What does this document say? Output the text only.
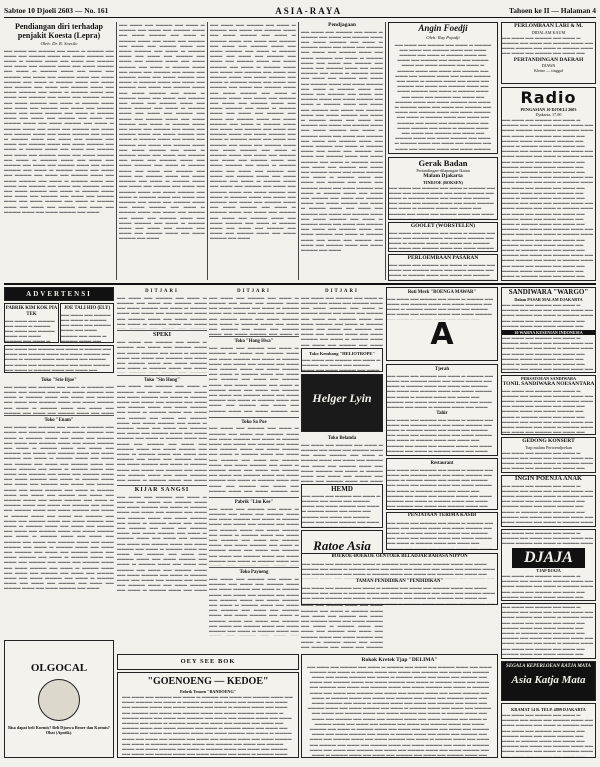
Sabtoe 10 Djoeli 2603 — No. 161	ASIA-RAYA	Tahoen ke II — Halaman 4
Pendiangan diri terhadap penjakit Koesta (Lepra)
Oleh: Dr. R. Soesilo
▬▬ ▬▬▬ ▬▬ ▬▬▬▬ ▬▬ ▬▬▬ ▬ ▬▬▬▬ ▬▬ ▬▬▬ ▬▬ ▬▬▬▬ ▬▬▬ ▬▬ ▬▬▬ ▬▬▬▬ ▬▬ ▬▬▬ ▬ ▬▬▬▬ ▬▬▬ ▬▬ ▬▬▬ ▬▬ ▬▬▬▬ ▬▬ ▬▬▬ ▬▬ ▬▬▬▬ ▬▬▬ ▬▬ ▬▬▬ ▬▬▬▬ ▬▬ ▬▬▬ ▬ ▬▬▬▬ ▬▬▬ ▬▬ ▬▬▬ ▬▬ ▬▬▬▬ ▬▬ ▬▬▬ ▬▬ ▬▬▬▬ ▬▬▬ ▬▬ ▬▬▬ ▬▬▬▬ ▬▬ ▬▬▬ ▬ ▬▬▬▬ ▬▬▬ ▬▬ ▬▬▬ ▬▬ ▬▬▬▬ ▬▬ ▬▬▬ ▬▬ ▬▬▬▬ ▬▬▬ ▬▬ ▬▬▬ ▬▬▬▬ ▬▬ ▬▬▬ ▬ ▬▬▬▬ ▬▬▬ ▬▬ ▬▬▬ ▬▬ ▬▬▬▬ ▬▬ ▬▬▬ ▬▬ ▬▬▬▬ ▬▬▬ ▬▬ ▬▬▬ ▬▬▬▬ ▬▬ ▬▬▬ ▬ ▬▬▬▬ ▬▬▬ ▬▬ ▬▬▬ ▬▬ ▬▬▬▬ ▬▬ ▬▬▬ ▬▬ ▬▬▬▬ ▬▬▬ ▬▬ ▬▬▬ ▬▬▬▬ ▬▬ ▬▬▬ ▬ ▬▬▬▬ ▬▬▬ ▬▬ ▬▬▬ ▬▬ ▬▬▬▬ ▬▬ ▬▬▬ ▬▬ ▬▬▬▬ ▬▬▬ ▬▬ ▬▬▬ ▬▬▬▬ ▬▬ ▬▬▬ ▬ ▬▬▬▬ ▬▬▬ ▬▬ ▬▬▬ ▬▬ ▬▬▬▬ ▬▬ ▬▬▬ ▬▬ ▬▬▬▬ ▬▬▬ ▬▬ ▬▬▬ ▬▬▬▬ ▬▬ ▬▬▬ ▬ ▬▬▬▬ ▬▬▬ ▬▬ ▬▬▬ ▬▬ ▬▬▬▬ ▬▬ ▬▬▬ ▬▬ ▬▬▬▬ ▬▬▬ ▬▬ ▬▬▬ ▬▬▬▬ ▬▬ ▬▬▬ ▬ ▬▬▬▬ ▬▬▬ ▬▬ ▬▬▬ ▬▬ ▬▬▬▬ ▬▬ ▬▬▬ ▬▬ ▬▬▬▬ ▬▬▬ ▬▬ ▬▬▬ ▬▬▬▬ ▬▬ ▬▬▬ ▬ ▬▬▬▬ ▬▬▬ ▬▬ ▬▬▬ ▬▬ ▬▬▬▬ ▬▬ ▬▬▬ ▬▬ ▬▬▬▬ ▬▬▬ ▬▬ ▬▬▬ ▬▬▬▬ ▬▬ ▬▬▬ ▬ ▬▬▬▬ ▬▬▬ ▬▬ ▬▬▬ ▬▬ ▬▬▬▬ ▬▬ ▬▬▬ ▬▬ ▬▬▬▬ ▬▬▬ ▬▬ ▬▬▬ ▬▬▬▬ ▬▬ ▬▬▬ ▬ ▬▬▬▬ ▬▬▬ ▬▬ ▬▬▬ ▬▬ ▬▬▬▬ ▬▬ ▬▬▬ ▬▬ ▬▬▬▬ ▬▬▬ ▬▬ ▬▬▬ ▬▬▬▬ ▬▬ ▬▬▬ ▬ ▬▬▬▬ ▬▬▬ ▬▬ ▬▬▬ ▬▬ ▬▬▬▬ ▬▬ ▬▬▬ ▬▬ ▬▬▬▬ ▬▬▬ ▬▬ ▬▬▬ ▬▬▬▬ ▬▬ ▬▬▬ ▬ ▬▬▬▬ ▬▬▬ ▬▬ ▬▬▬ ▬▬ ▬▬▬▬ ▬▬ ▬▬▬ ▬▬ ▬▬▬▬ ▬▬▬ ▬▬ ▬▬▬ ▬▬▬▬ ▬▬ ▬▬▬
▬▬ ▬▬▬ ▬▬ ▬▬▬▬ ▬▬ ▬▬▬ ▬ ▬▬▬▬ ▬▬ ▬▬▬ ▬▬ ▬▬▬▬ ▬▬▬ ▬▬ ▬▬▬ ▬▬▬▬ ▬▬ ▬▬▬ ▬ ▬▬▬▬ ▬▬▬ ▬▬ ▬▬▬ ▬▬ ▬▬▬▬ ▬▬ ▬▬▬ ▬▬ ▬▬▬▬ ▬▬▬ ▬▬ ▬▬▬ ▬▬▬▬ ▬▬ ▬▬▬ ▬ ▬▬▬▬ ▬▬▬ ▬▬ ▬▬▬ ▬▬ ▬▬▬▬ ▬▬ ▬▬▬ ▬▬ ▬▬▬▬ ▬▬▬ ▬▬ ▬▬▬ ▬▬▬▬ ▬▬ ▬▬▬ ▬ ▬▬▬▬ ▬▬▬ ▬▬ ▬▬▬ ▬▬ ▬▬▬▬ ▬▬ ▬▬▬ ▬▬ ▬▬▬▬ ▬▬▬ ▬▬ ▬▬▬ ▬▬▬▬ ▬▬ ▬▬▬ ▬ ▬▬▬▬ ▬▬▬ ▬▬ ▬▬▬ ▬▬ ▬▬▬▬ ▬▬ ▬▬▬ ▬▬ ▬▬▬▬ ▬▬▬ ▬▬ ▬▬▬ ▬▬▬▬ ▬▬ ▬▬▬ ▬ ▬▬▬▬ ▬▬▬ ▬▬ ▬▬▬ ▬▬ ▬▬▬▬ ▬▬ ▬▬▬ ▬▬ ▬▬▬▬ ▬▬▬ ▬▬ ▬▬▬ ▬▬▬▬ ▬▬ ▬▬▬ ▬ ▬▬▬▬ ▬▬▬ ▬▬ ▬▬▬ ▬▬ ▬▬▬▬ ▬▬ ▬▬▬ ▬▬ ▬▬▬▬ ▬▬▬ ▬▬ ▬▬▬ ▬▬▬▬ ▬▬ ▬▬▬ ▬ ▬▬▬▬ ▬▬▬ ▬▬ ▬▬▬ ▬▬ ▬▬▬▬ ▬▬ ▬▬▬ ▬▬ ▬▬▬▬ ▬▬▬ ▬▬ ▬▬▬ ▬▬▬▬ ▬▬ ▬▬▬ ▬ ▬▬▬▬ ▬▬▬ ▬▬ ▬▬▬ ▬▬ ▬▬▬▬ ▬▬ ▬▬▬ ▬▬ ▬▬▬▬ ▬▬▬ ▬▬ ▬▬▬ ▬▬▬▬ ▬▬ ▬▬▬ ▬ ▬▬▬▬ ▬▬▬ ▬▬ ▬▬▬ ▬▬ ▬▬▬▬ ▬▬ ▬▬▬ ▬▬ ▬▬▬▬ ▬▬▬ ▬▬ ▬▬▬ ▬▬▬▬ ▬▬ ▬▬▬ ▬ ▬▬▬▬ ▬▬▬ ▬▬ ▬▬▬ ▬▬ ▬▬▬▬ ▬▬ ▬▬▬ ▬▬ ▬▬▬▬ ▬▬▬ ▬▬ ▬▬▬ ▬▬▬▬ ▬▬ ▬▬▬ ▬ ▬▬▬▬ ▬▬▬ ▬▬ ▬▬▬ ▬▬ ▬▬▬▬ ▬▬ ▬▬▬ ▬▬ ▬▬▬▬ ▬▬▬ ▬▬ ▬▬▬ ▬▬▬▬ ▬▬ ▬▬▬ ▬ ▬▬▬▬ ▬▬▬ ▬▬ ▬▬▬ ▬▬ ▬▬▬▬ ▬▬ ▬▬▬ ▬▬ ▬▬▬▬ ▬▬▬ ▬▬ ▬▬▬ ▬▬▬▬ ▬▬ ▬▬▬ ▬ ▬▬▬▬ ▬▬▬ ▬▬ ▬▬▬ ▬▬ ▬▬▬▬ ▬▬ ▬▬▬ ▬▬ ▬▬▬▬ ▬▬▬ ▬▬ ▬▬▬ ▬▬▬▬ ▬▬ ▬▬▬ ▬ ▬▬▬▬ ▬▬▬ ▬▬ ▬▬▬ ▬▬ ▬▬▬▬ ▬▬ ▬▬▬ ▬▬ ▬▬▬▬ ▬▬▬ ▬▬ ▬▬▬ ▬▬▬▬ ▬▬ ▬▬▬
▬▬ ▬▬▬ ▬▬ ▬▬▬▬ ▬▬ ▬▬▬ ▬ ▬▬▬▬ ▬▬ ▬▬▬ ▬▬ ▬▬▬▬ ▬▬▬ ▬▬ ▬▬▬ ▬▬▬▬ ▬▬ ▬▬▬ ▬ ▬▬▬▬ ▬▬▬ ▬▬ ▬▬▬ ▬▬ ▬▬▬▬ ▬▬ ▬▬▬ ▬▬ ▬▬▬▬ ▬▬▬ ▬▬ ▬▬▬ ▬▬▬▬ ▬▬ ▬▬▬ ▬ ▬▬▬▬ ▬▬▬ ▬▬ ▬▬▬ ▬▬ ▬▬▬▬ ▬▬ ▬▬▬ ▬▬ ▬▬▬▬ ▬▬▬ ▬▬ ▬▬▬ ▬▬▬▬ ▬▬ ▬▬▬ ▬ ▬▬▬▬ ▬▬▬ ▬▬ ▬▬▬ ▬▬ ▬▬▬▬ ▬▬ ▬▬▬ ▬▬ ▬▬▬▬ ▬▬▬ ▬▬ ▬▬▬ ▬▬▬▬ ▬▬ ▬▬▬ ▬ ▬▬▬▬ ▬▬▬ ▬▬ ▬▬▬ ▬▬ ▬▬▬▬ ▬▬ ▬▬▬ ▬▬ ▬▬▬▬ ▬▬▬ ▬▬ ▬▬▬ ▬▬▬▬ ▬▬ ▬▬▬ ▬ ▬▬▬▬ ▬▬▬ ▬▬ ▬▬▬ ▬▬ ▬▬▬▬ ▬▬ ▬▬▬ ▬▬ ▬▬▬▬ ▬▬▬ ▬▬ ▬▬▬ ▬▬▬▬ ▬▬ ▬▬▬ ▬ ▬▬▬▬ ▬▬▬ ▬▬ ▬▬▬ ▬▬ ▬▬▬▬ ▬▬ ▬▬▬ ▬▬ ▬▬▬▬ ▬▬▬ ▬▬ ▬▬▬ ▬▬▬▬ ▬▬ ▬▬▬ ▬ ▬▬▬▬ ▬▬▬ ▬▬ ▬▬▬ ▬▬ ▬▬▬▬ ▬▬ ▬▬▬ ▬▬ ▬▬▬▬ ▬▬▬ ▬▬ ▬▬▬ ▬▬▬▬ ▬▬ ▬▬▬ ▬ ▬▬▬▬ ▬▬▬ ▬▬ ▬▬▬ ▬▬ ▬▬▬▬ ▬▬ ▬▬▬ ▬▬ ▬▬▬▬ ▬▬▬ ▬▬ ▬▬▬ ▬▬▬▬ ▬▬ ▬▬▬ ▬ ▬▬▬▬ ▬▬▬ ▬▬ ▬▬▬ ▬▬ ▬▬▬▬ ▬▬ ▬▬▬ ▬▬ ▬▬▬▬ ▬▬▬ ▬▬ ▬▬▬ ▬▬▬▬ ▬▬ ▬▬▬ ▬ ▬▬▬▬ ▬▬▬ ▬▬ ▬▬▬ ▬▬ ▬▬▬▬ ▬▬ ▬▬▬ ▬▬ ▬▬▬▬ ▬▬▬ ▬▬ ▬▬▬ ▬▬▬▬ ▬▬ ▬▬▬ ▬ ▬▬▬▬ ▬▬▬ ▬▬ ▬▬▬ ▬▬ ▬▬▬▬ ▬▬ ▬▬▬ ▬▬ ▬▬▬▬ ▬▬▬ ▬▬ ▬▬▬ ▬▬▬▬ ▬▬ ▬▬▬ ▬ ▬▬▬▬ ▬▬▬ ▬▬ ▬▬▬ ▬▬ ▬▬▬▬ ▬▬ ▬▬▬ ▬▬ ▬▬▬▬ ▬▬▬ ▬▬ ▬▬▬ ▬▬▬▬ ▬▬ ▬▬▬ ▬ ▬▬▬▬ ▬▬▬ ▬▬ ▬▬▬ ▬▬ ▬▬▬▬ ▬▬ ▬▬▬ ▬▬ ▬▬▬▬ ▬▬▬ ▬▬ ▬▬▬ ▬▬▬▬ ▬▬ ▬▬▬ ▬ ▬▬▬▬ ▬▬▬ ▬▬ ▬▬▬ ▬▬ ▬▬▬▬ ▬▬ ▬▬▬ ▬▬ ▬▬▬▬ ▬▬▬ ▬▬ ▬▬▬ ▬▬▬▬ ▬▬ ▬▬▬
Pendjagaan
▬▬ ▬▬▬ ▬▬ ▬▬▬▬ ▬▬ ▬▬▬ ▬ ▬▬▬▬ ▬▬ ▬▬▬ ▬▬ ▬▬▬▬ ▬▬▬ ▬▬ ▬▬▬ ▬▬▬▬ ▬▬ ▬▬▬ ▬ ▬▬▬▬ ▬▬▬ ▬▬ ▬▬▬ ▬▬ ▬▬▬▬ ▬▬ ▬▬▬ ▬▬ ▬▬▬▬ ▬▬▬ ▬▬ ▬▬▬ ▬▬▬▬ ▬▬ ▬▬▬ ▬ ▬▬▬▬ ▬▬▬ ▬▬ ▬▬▬ ▬▬ ▬▬▬▬ ▬▬ ▬▬▬ ▬▬ ▬▬▬▬ ▬▬▬ ▬▬ ▬▬▬ ▬▬▬▬ ▬▬ ▬▬▬ ▬ ▬▬▬▬ ▬▬▬ ▬▬ ▬▬▬ ▬▬ ▬▬▬▬ ▬▬ ▬▬▬ ▬▬ ▬▬▬▬ ▬▬▬ ▬▬ ▬▬▬ ▬▬▬▬ ▬▬ ▬▬▬ ▬ ▬▬▬▬ ▬▬▬ ▬▬ ▬▬▬ ▬▬ ▬▬▬▬ ▬▬ ▬▬▬ ▬▬ ▬▬▬▬ ▬▬▬ ▬▬ ▬▬▬ ▬▬▬▬ ▬▬ ▬▬▬ ▬ ▬▬▬▬ ▬▬▬ ▬▬ ▬▬▬ ▬▬ ▬▬▬▬ ▬▬ ▬▬▬ ▬▬ ▬▬▬▬ ▬▬▬ ▬▬ ▬▬▬ ▬▬▬▬ ▬▬ ▬▬▬ ▬ ▬▬▬▬ ▬▬▬ ▬▬ ▬▬▬ ▬▬ ▬▬▬▬ ▬▬ ▬▬▬ ▬▬ ▬▬▬▬ ▬▬▬ ▬▬ ▬▬▬ ▬▬▬▬ ▬▬ ▬▬▬ ▬ ▬▬▬▬ ▬▬▬ ▬▬ ▬▬▬ ▬▬ ▬▬▬▬ ▬▬ ▬▬▬ ▬▬ ▬▬▬▬ ▬▬▬ ▬▬ ▬▬▬ ▬▬▬▬ ▬▬ ▬▬▬ ▬ ▬▬▬▬ ▬▬▬ ▬▬ ▬▬▬ ▬▬ ▬▬▬▬ ▬▬ ▬▬▬ ▬▬ ▬▬▬▬ ▬▬▬ ▬▬ ▬▬▬ ▬▬▬▬ ▬▬ ▬▬▬ ▬ ▬▬▬▬ ▬▬▬ ▬▬ ▬▬▬ ▬▬ ▬▬▬▬ ▬▬ ▬▬▬ ▬▬ ▬▬▬▬ ▬▬▬ ▬▬ ▬▬▬ ▬▬▬▬ ▬▬ ▬▬▬ ▬ ▬▬▬▬ ▬▬▬ ▬▬ ▬▬▬ ▬▬ ▬▬▬▬ ▬▬ ▬▬▬ ▬▬ ▬▬▬▬ ▬▬▬ ▬▬ ▬▬▬ ▬▬▬▬ ▬▬ ▬▬▬ ▬ ▬▬▬▬ ▬▬▬ ▬▬ ▬▬▬ ▬▬ ▬▬▬▬ ▬▬ ▬▬▬ ▬▬ ▬▬▬▬ ▬▬▬ ▬▬ ▬▬▬ ▬▬▬▬ ▬▬ ▬▬▬ ▬ ▬▬▬▬ ▬▬▬ ▬▬ ▬▬▬ ▬▬ ▬▬▬▬ ▬▬ ▬▬▬ ▬▬ ▬▬▬▬ ▬▬▬ ▬▬ ▬▬▬ ▬▬▬▬ ▬▬ ▬▬▬ ▬ ▬▬▬▬ ▬▬▬ ▬▬ ▬▬▬ ▬▬ ▬▬▬▬ ▬▬ ▬▬▬ ▬▬ ▬▬▬▬ ▬▬▬ ▬▬ ▬▬▬ ▬▬▬▬ ▬▬ ▬▬▬ ▬ ▬▬▬▬ ▬▬▬ ▬▬ ▬▬▬ ▬▬ ▬▬▬▬ ▬▬ ▬▬▬ ▬▬ ▬▬▬▬ ▬▬▬ ▬▬ ▬▬▬ ▬▬▬▬ ▬▬ ▬▬▬	Angin Foedji
Oleh: Ray Pojadji
▬▬ ▬▬▬ ▬▬ ▬▬▬▬ ▬▬ ▬▬▬ ▬ ▬▬▬▬ ▬▬ ▬▬▬ ▬▬ ▬▬▬▬ ▬▬▬ ▬▬ ▬▬▬ ▬▬▬▬ ▬▬ ▬▬▬ ▬ ▬▬▬▬ ▬▬▬ ▬▬ ▬▬▬ ▬▬ ▬▬▬▬ ▬▬ ▬▬▬ ▬▬ ▬▬▬▬ ▬▬▬ ▬▬ ▬▬▬ ▬▬▬▬ ▬▬ ▬▬▬ ▬ ▬▬▬▬ ▬▬▬ ▬▬ ▬▬▬ ▬▬ ▬▬▬▬ ▬▬ ▬▬▬ ▬▬ ▬▬▬▬ ▬▬▬ ▬▬ ▬▬▬ ▬▬▬▬ ▬▬ ▬▬▬ ▬ ▬▬▬▬ ▬▬▬ ▬▬ ▬▬▬ ▬▬ ▬▬▬▬ ▬▬ ▬▬▬ ▬▬ ▬▬▬▬ ▬▬▬ ▬▬ ▬▬▬ ▬▬▬▬ ▬▬ ▬▬▬ ▬ ▬▬▬▬ ▬▬▬ ▬▬ ▬▬▬ ▬▬ ▬▬▬▬ ▬▬ ▬▬▬ ▬▬ ▬▬▬▬ ▬▬▬ ▬▬ ▬▬▬ ▬▬▬▬ ▬▬ ▬▬▬ ▬ ▬▬▬▬ ▬▬▬ ▬▬ ▬▬▬ ▬▬ ▬▬▬▬ ▬▬ ▬▬▬ ▬▬ ▬▬▬▬ ▬▬▬ ▬▬ ▬▬▬ ▬▬▬▬ ▬▬ ▬▬▬ ▬ ▬▬▬▬ ▬▬▬ ▬▬ ▬▬▬ ▬▬ ▬▬▬▬ ▬▬ ▬▬▬ ▬▬ ▬▬▬▬ ▬▬▬ ▬▬ ▬▬▬ ▬▬▬▬ ▬▬ ▬▬▬ ▬ ▬▬▬▬ ▬▬▬ ▬▬ ▬▬▬ ▬▬ ▬▬▬▬ ▬▬ ▬▬▬ ▬▬ ▬▬▬▬ ▬▬▬ ▬▬ ▬▬▬ ▬▬▬▬ ▬▬ ▬▬▬ ▬ ▬▬▬▬ ▬▬▬ ▬▬ ▬▬▬ ▬▬ ▬▬▬▬ ▬▬ ▬▬▬ ▬▬ ▬▬▬▬ ▬▬▬ ▬▬ ▬▬▬ ▬▬▬▬ ▬▬ ▬▬▬ ▬ ▬▬▬▬ ▬▬▬ ▬▬ ▬▬▬ ▬▬ ▬▬▬▬ ▬▬ ▬▬▬ ▬▬ ▬▬▬▬ ▬▬▬ ▬▬ ▬▬▬ ▬▬▬▬ ▬▬ ▬▬▬ ▬ ▬▬▬▬ ▬▬▬ ▬▬ ▬▬▬ ▬▬ ▬▬▬▬ ▬▬ ▬▬▬ ▬▬ ▬▬▬▬ ▬▬▬ ▬▬ ▬▬▬ ▬▬▬▬ ▬▬ ▬▬▬ ▬ ▬▬▬▬ ▬▬▬ ▬▬ ▬▬▬ ▬▬ ▬▬▬▬ ▬▬ ▬▬▬ ▬▬ ▬▬▬▬ ▬▬▬ ▬▬ ▬▬▬ ▬▬▬▬ ▬▬ ▬▬▬ ▬ ▬▬▬▬ ▬▬▬ ▬▬ ▬▬▬ ▬▬ ▬▬▬▬ ▬▬ ▬▬▬ ▬▬ ▬▬▬▬ ▬▬▬ ▬▬ ▬▬▬ ▬▬▬▬ ▬▬ ▬▬▬ ▬ ▬▬▬▬ ▬▬▬ ▬▬ ▬▬▬ ▬▬ ▬▬▬▬ ▬▬ ▬▬▬ ▬▬ ▬▬▬▬ ▬▬▬ ▬▬ ▬▬▬ ▬▬▬▬ ▬▬ ▬▬▬ ▬ ▬▬▬▬ ▬▬▬ ▬▬ ▬▬▬ ▬▬ ▬▬▬▬ ▬▬ ▬▬▬ ▬▬ ▬▬▬▬ ▬▬▬ ▬▬ ▬▬▬ ▬▬▬▬ ▬▬ ▬▬▬
Gerak Badan
Pertandingan-dilapangan Ikatan
Malam Djakarta
TINDJOE (BOKSEN)
▬▬ ▬▬▬ ▬▬ ▬▬▬▬ ▬▬ ▬▬▬ ▬ ▬▬▬▬ ▬▬ ▬▬▬ ▬▬ ▬▬▬▬ ▬▬▬ ▬▬ ▬▬▬ ▬▬▬▬ ▬▬ ▬▬▬ ▬ ▬▬▬▬ ▬▬▬ ▬▬ ▬▬▬ ▬▬ ▬▬▬▬ ▬▬ ▬▬▬ ▬▬ ▬▬▬▬ ▬▬▬ ▬▬ ▬▬▬ ▬▬▬▬ ▬▬ ▬▬▬ ▬ ▬▬▬▬ ▬▬▬ ▬▬ ▬▬▬ ▬▬ ▬▬▬▬ ▬▬ ▬▬▬ ▬▬ ▬▬▬▬ ▬▬▬ ▬▬ ▬▬▬ ▬▬▬▬ ▬▬ ▬▬▬ ▬ ▬▬▬▬ ▬▬▬ ▬▬ ▬▬▬ ▬▬ ▬▬▬▬ ▬▬ ▬▬▬ ▬▬ ▬▬▬▬ ▬▬▬ ▬▬ ▬▬▬ ▬▬▬▬ ▬▬ ▬▬▬ ▬ ▬▬▬▬ ▬▬▬ ▬▬ ▬▬▬ ▬▬ ▬▬▬▬ ▬▬ ▬▬▬ ▬▬ ▬▬▬▬ ▬▬▬ ▬▬ ▬▬▬ ▬▬▬▬ ▬▬ ▬▬▬ ▬ ▬▬▬▬ ▬▬▬ ▬▬ ▬▬▬ ▬▬ ▬▬▬▬ ▬▬ ▬▬▬ ▬▬ ▬▬▬▬ ▬▬▬ ▬▬ ▬▬▬ ▬▬▬▬ ▬▬ ▬▬▬ ▬ ▬▬▬▬ ▬▬▬ ▬▬ ▬▬▬ ▬▬ ▬▬▬▬ ▬▬ ▬▬▬ ▬▬ ▬▬▬▬ ▬▬▬ ▬▬ ▬▬▬ ▬▬▬▬ ▬▬ ▬▬▬ ▬ ▬▬▬▬ ▬▬▬ ▬▬ ▬▬▬ ▬▬ ▬▬▬▬ ▬▬ ▬▬▬ ▬▬ ▬▬▬▬ ▬▬▬ ▬▬ ▬▬▬ ▬▬▬▬ ▬▬ ▬▬▬ ▬ ▬▬▬▬ ▬▬▬ ▬▬ ▬▬▬ ▬▬ ▬▬▬▬ ▬▬ ▬▬▬ ▬▬ ▬▬▬▬ ▬▬▬ ▬▬ ▬▬▬ ▬▬▬▬ ▬▬ ▬▬▬ ▬ ▬▬▬▬ ▬▬▬ ▬▬ ▬▬▬ ▬▬ ▬▬▬▬ ▬▬ ▬▬▬ ▬▬ ▬▬▬▬ ▬▬▬ ▬▬ ▬▬▬ ▬▬▬▬ ▬▬ ▬▬▬ ▬ ▬▬▬▬ ▬▬▬ ▬▬ ▬▬▬ ▬▬ ▬▬▬▬ ▬▬ ▬▬▬ ▬▬ ▬▬▬▬ ▬▬▬ ▬▬ ▬▬▬ ▬▬▬▬ ▬▬ ▬▬▬ ▬ ▬▬▬▬ ▬▬▬ ▬▬ ▬▬▬ ▬▬ ▬▬▬▬ ▬▬ ▬▬▬ ▬▬ ▬▬▬▬ ▬▬▬ ▬▬ ▬▬▬ ▬▬▬▬ ▬▬ ▬▬▬ ▬ ▬▬▬▬ ▬▬▬ ▬▬ ▬▬▬ ▬▬ ▬▬▬▬ ▬▬ ▬▬▬ ▬▬ ▬▬▬▬ ▬▬▬ ▬▬ ▬▬▬ ▬▬▬▬ ▬▬ ▬▬▬ ▬ ▬▬▬▬ ▬▬▬ ▬▬ ▬▬▬ ▬▬ ▬▬▬▬ ▬▬ ▬▬▬ ▬▬ ▬▬▬▬ ▬▬▬ ▬▬ ▬▬▬ ▬▬▬▬ ▬▬ ▬▬▬ ▬ ▬▬▬▬ ▬▬▬ ▬▬ ▬▬▬ ▬▬ ▬▬▬▬ ▬▬ ▬▬▬ ▬▬ ▬▬▬▬ ▬▬▬ ▬▬ ▬▬▬ ▬▬▬▬ ▬▬ ▬▬▬
GOOLET (WORSTELEN)
▬▬ ▬▬▬ ▬▬ ▬▬▬▬ ▬▬ ▬▬▬ ▬ ▬▬▬▬ ▬▬ ▬▬▬ ▬▬ ▬▬▬▬ ▬▬▬ ▬▬ ▬▬▬ ▬▬▬▬ ▬▬ ▬▬▬ ▬ ▬▬▬▬ ▬▬▬ ▬▬ ▬▬▬ ▬▬ ▬▬▬▬ ▬▬ ▬▬▬ ▬▬ ▬▬▬▬ ▬▬▬ ▬▬ ▬▬▬ ▬▬▬▬ ▬▬ ▬▬▬ ▬ ▬▬▬▬ ▬▬▬ ▬▬ ▬▬▬ ▬▬ ▬▬▬▬ ▬▬ ▬▬▬ ▬▬ ▬▬▬▬ ▬▬▬ ▬▬ ▬▬▬ ▬▬▬▬ ▬▬ ▬▬▬ ▬ ▬▬▬▬ ▬▬▬ ▬▬ ▬▬▬ ▬▬ ▬▬▬▬ ▬▬ ▬▬▬ ▬▬ ▬▬▬▬ ▬▬▬ ▬▬ ▬▬▬ ▬▬▬▬ ▬▬ ▬▬▬ ▬ ▬▬▬▬ ▬▬▬ ▬▬ ▬▬▬ ▬▬ ▬▬▬▬ ▬▬ ▬▬▬ ▬▬ ▬▬▬▬ ▬▬▬ ▬▬ ▬▬▬ ▬▬▬▬ ▬▬ ▬▬▬ ▬ ▬▬▬▬ ▬▬▬ ▬▬ ▬▬▬ ▬▬ ▬▬▬▬ ▬▬ ▬▬▬ ▬▬ ▬▬▬▬ ▬▬▬ ▬▬ ▬▬▬ ▬▬▬▬ ▬▬ ▬▬▬ ▬ ▬▬▬▬ ▬▬▬ ▬▬ ▬▬▬ ▬▬ ▬▬▬▬ ▬▬ ▬▬▬ ▬▬ ▬▬▬▬ ▬▬▬ ▬▬ ▬▬▬ ▬▬▬▬ ▬▬ ▬▬▬ ▬ ▬▬▬▬ ▬▬▬ ▬▬ ▬▬▬ ▬▬ ▬▬▬▬ ▬▬ ▬▬▬ ▬▬ ▬▬▬▬ ▬▬▬ ▬▬ ▬▬▬ ▬▬▬▬ ▬▬ ▬▬▬ ▬ ▬▬▬▬ ▬▬▬ ▬▬ ▬▬▬ ▬▬ ▬▬▬▬ ▬▬ ▬▬▬ ▬▬ ▬▬▬▬ ▬▬▬ ▬▬ ▬▬▬ ▬▬▬▬ ▬▬ ▬▬▬ ▬ ▬▬▬▬ ▬▬▬ ▬▬ ▬▬▬ ▬▬ ▬▬▬▬ ▬▬ ▬▬▬ ▬▬ ▬▬▬▬ ▬▬▬ ▬▬ ▬▬▬ ▬▬▬▬ ▬▬ ▬▬▬ ▬ ▬▬▬▬ ▬▬▬ ▬▬ ▬▬▬ ▬▬ ▬▬▬▬ ▬▬ ▬▬▬ ▬▬ ▬▬▬▬ ▬▬▬ ▬▬ ▬▬▬ ▬▬▬▬ ▬▬ ▬▬▬ ▬ ▬▬▬▬ ▬▬▬ ▬▬ ▬▬▬ ▬▬ ▬▬▬▬ ▬▬ ▬▬▬ ▬▬ ▬▬▬▬ ▬▬▬ ▬▬ ▬▬▬ ▬▬▬▬ ▬▬ ▬▬▬ ▬ ▬▬▬▬ ▬▬▬ ▬▬ ▬▬▬ ▬▬ ▬▬▬▬ ▬▬ ▬▬▬ ▬▬ ▬▬▬▬ ▬▬▬ ▬▬ ▬▬▬ ▬▬▬▬ ▬▬ ▬▬▬ ▬ ▬▬▬▬ ▬▬▬ ▬▬ ▬▬▬ ▬▬ ▬▬▬▬ ▬▬ ▬▬▬ ▬▬ ▬▬▬▬ ▬▬▬ ▬▬ ▬▬▬ ▬▬▬▬ ▬▬ ▬▬▬ ▬ ▬▬▬▬ ▬▬▬ ▬▬ ▬▬▬ ▬▬ ▬▬▬▬ ▬▬ ▬▬▬ ▬▬ ▬▬▬▬ ▬▬▬ ▬▬ ▬▬▬ ▬▬▬▬ ▬▬ ▬▬▬
PERLOEMBAAN PASARAN
▬▬ ▬▬▬ ▬▬ ▬▬▬▬ ▬▬ ▬▬▬ ▬ ▬▬▬▬ ▬▬ ▬▬▬ ▬▬ ▬▬▬▬ ▬▬▬ ▬▬ ▬▬▬ ▬▬▬▬ ▬▬ ▬▬▬ ▬ ▬▬▬▬ ▬▬▬ ▬▬ ▬▬▬ ▬▬ ▬▬▬▬ ▬▬ ▬▬▬ ▬▬ ▬▬▬▬ ▬▬▬ ▬▬ ▬▬▬ ▬▬▬▬ ▬▬ ▬▬▬ ▬ ▬▬▬▬ ▬▬▬ ▬▬ ▬▬▬ ▬▬ ▬▬▬▬ ▬▬ ▬▬▬ ▬▬ ▬▬▬▬ ▬▬▬ ▬▬ ▬▬▬ ▬▬▬▬ ▬▬ ▬▬▬ ▬ ▬▬▬▬ ▬▬▬ ▬▬ ▬▬▬ ▬▬ ▬▬▬▬ ▬▬ ▬▬▬ ▬▬ ▬▬▬▬ ▬▬▬ ▬▬ ▬▬▬ ▬▬▬▬ ▬▬ ▬▬▬ ▬ ▬▬▬▬ ▬▬▬ ▬▬ ▬▬▬ ▬▬ ▬▬▬▬ ▬▬ ▬▬▬ ▬▬ ▬▬▬▬ ▬▬▬ ▬▬ ▬▬▬ ▬▬▬▬ ▬▬ ▬▬▬ ▬ ▬▬▬▬ ▬▬▬ ▬▬ ▬▬▬ ▬▬ ▬▬▬▬ ▬▬ ▬▬▬ ▬▬ ▬▬▬▬ ▬▬▬ ▬▬ ▬▬▬ ▬▬▬▬ ▬▬ ▬▬▬ ▬ ▬▬▬▬ ▬▬▬ ▬▬ ▬▬▬ ▬▬ ▬▬▬▬ ▬▬ ▬▬▬ ▬▬ ▬▬▬▬ ▬▬▬ ▬▬ ▬▬▬ ▬▬▬▬ ▬▬ ▬▬▬ ▬ ▬▬▬▬ ▬▬▬ ▬▬ ▬▬▬ ▬▬ ▬▬▬▬ ▬▬ ▬▬▬ ▬▬ ▬▬▬▬ ▬▬▬ ▬▬ ▬▬▬ ▬▬▬▬ ▬▬ ▬▬▬ ▬ ▬▬▬▬ ▬▬▬ ▬▬ ▬▬▬ ▬▬ ▬▬▬▬ ▬▬ ▬▬▬ ▬▬ ▬▬▬▬ ▬▬▬ ▬▬ ▬▬▬ ▬▬▬▬ ▬▬ ▬▬▬ ▬ ▬▬▬▬ ▬▬▬ ▬▬ ▬▬▬ ▬▬ ▬▬▬▬ ▬▬ ▬▬▬ ▬▬ ▬▬▬▬ ▬▬▬ ▬▬ ▬▬▬ ▬▬▬▬ ▬▬ ▬▬▬ ▬ ▬▬▬▬ ▬▬▬ ▬▬ ▬▬▬ ▬▬ ▬▬▬▬ ▬▬ ▬▬▬ ▬▬ ▬▬▬▬ ▬▬▬ ▬▬ ▬▬▬ ▬▬▬▬ ▬▬ ▬▬▬ ▬ ▬▬▬▬ ▬▬▬ ▬▬ ▬▬▬ ▬▬ ▬▬▬▬ ▬▬ ▬▬▬ ▬▬ ▬▬▬▬ ▬▬▬ ▬▬ ▬▬▬ ▬▬▬▬ ▬▬ ▬▬▬ ▬ ▬▬▬▬ ▬▬▬ ▬▬ ▬▬▬ ▬▬ ▬▬▬▬ ▬▬ ▬▬▬ ▬▬ ▬▬▬▬ ▬▬▬ ▬▬ ▬▬▬ ▬▬▬▬ ▬▬ ▬▬▬ ▬ ▬▬▬▬ ▬▬▬ ▬▬ ▬▬▬ ▬▬ ▬▬▬▬ ▬▬ ▬▬▬ ▬▬ ▬▬▬▬ ▬▬▬ ▬▬ ▬▬▬ ▬▬▬▬ ▬▬ ▬▬▬ ▬ ▬▬▬▬ ▬▬▬ ▬▬ ▬▬▬ ▬▬ ▬▬▬▬ ▬▬ ▬▬▬ ▬▬ ▬▬▬▬ ▬▬▬ ▬▬ ▬▬▬ ▬▬▬▬ ▬▬ ▬▬▬
PERLOMBAAN LARI & M.
DIDALAM KAUM
▬▬ ▬▬▬ ▬▬ ▬▬▬▬ ▬▬ ▬▬▬ ▬ ▬▬▬▬ ▬▬ ▬▬▬ ▬▬ ▬▬▬▬ ▬▬▬ ▬▬ ▬▬▬ ▬▬▬▬ ▬▬ ▬▬▬ ▬ ▬▬▬▬ ▬▬▬ ▬▬ ▬▬▬ ▬▬ ▬▬▬▬ ▬▬ ▬▬▬ ▬▬ ▬▬▬▬ ▬▬▬ ▬▬ ▬▬▬ ▬▬▬▬ ▬▬ ▬▬▬ ▬ ▬▬▬▬ ▬▬▬ ▬▬ ▬▬▬ ▬▬ ▬▬▬▬ ▬▬ ▬▬▬ ▬▬ ▬▬▬▬ ▬▬▬ ▬▬ ▬▬▬ ▬▬▬▬ ▬▬ ▬▬▬ ▬ ▬▬▬▬ ▬▬▬ ▬▬ ▬▬▬ ▬▬ ▬▬▬▬ ▬▬ ▬▬▬ ▬▬ ▬▬▬▬ ▬▬▬ ▬▬ ▬▬▬ ▬▬▬▬ ▬▬ ▬▬▬ ▬ ▬▬▬▬ ▬▬▬ ▬▬ ▬▬▬ ▬▬ ▬▬▬▬ ▬▬ ▬▬▬ ▬▬ ▬▬▬▬ ▬▬▬ ▬▬ ▬▬▬ ▬▬▬▬ ▬▬ ▬▬▬ ▬ ▬▬▬▬ ▬▬▬ ▬▬ ▬▬▬ ▬▬ ▬▬▬▬ ▬▬ ▬▬▬ ▬▬ ▬▬▬▬ ▬▬▬ ▬▬ ▬▬▬ ▬▬▬▬ ▬▬ ▬▬▬ ▬ ▬▬▬▬ ▬▬▬ ▬▬ ▬▬▬ ▬▬ ▬▬▬▬ ▬▬ ▬▬▬ ▬▬ ▬▬▬▬ ▬▬▬ ▬▬ ▬▬▬ ▬▬▬▬ ▬▬ ▬▬▬ ▬ ▬▬▬▬ ▬▬▬ ▬▬ ▬▬▬ ▬▬ ▬▬▬▬ ▬▬ ▬▬▬ ▬▬ ▬▬▬▬ ▬▬▬ ▬▬ ▬▬▬ ▬▬▬▬ ▬▬ ▬▬▬ ▬ ▬▬▬▬ ▬▬▬ ▬▬ ▬▬▬ ▬▬ ▬▬▬▬ ▬▬ ▬▬▬ ▬▬ ▬▬▬▬ ▬▬▬ ▬▬ ▬▬▬ ▬▬▬▬ ▬▬ ▬▬▬ ▬ ▬▬▬▬ ▬▬▬ ▬▬ ▬▬▬ ▬▬ ▬▬▬▬ ▬▬ ▬▬▬ ▬▬ ▬▬▬▬ ▬▬▬ ▬▬ ▬▬▬ ▬▬▬▬ ▬▬ ▬▬▬ ▬ ▬▬▬▬ ▬▬▬ ▬▬ ▬▬▬ ▬▬ ▬▬▬▬ ▬▬ ▬▬▬ ▬▬ ▬▬▬▬ ▬▬▬ ▬▬ ▬▬▬ ▬▬▬▬ ▬▬ ▬▬▬ ▬ ▬▬▬▬ ▬▬▬ ▬▬ ▬▬▬ ▬▬ ▬▬▬▬ ▬▬ ▬▬▬ ▬▬ ▬▬▬▬ ▬▬▬ ▬▬ ▬▬▬ ▬▬▬▬ ▬▬ ▬▬▬ ▬ ▬▬▬▬ ▬▬▬ ▬▬ ▬▬▬ ▬▬ ▬▬▬▬ ▬▬ ▬▬▬ ▬▬ ▬▬▬▬ ▬▬▬ ▬▬ ▬▬▬ ▬▬▬▬ ▬▬ ▬▬▬ ▬ ▬▬▬▬ ▬▬▬ ▬▬ ▬▬▬ ▬▬ ▬▬▬▬ ▬▬ ▬▬▬ ▬▬ ▬▬▬▬ ▬▬▬ ▬▬ ▬▬▬ ▬▬▬▬ ▬▬ ▬▬▬ ▬ ▬▬▬▬ ▬▬▬ ▬▬ ▬▬▬ ▬▬ ▬▬▬▬ ▬▬ ▬▬▬ ▬▬ ▬▬▬▬ ▬▬▬ ▬▬ ▬▬▬ ▬▬▬▬ ▬▬ ▬▬▬
PERTANDINGAN DAERAH
DJAWA
Kleine — tinggal
Radio
PENGASIAN 10 DJOELI 2603
Djakarta, 17.00
▬▬ ▬▬▬ ▬▬ ▬▬▬▬ ▬▬ ▬▬▬ ▬ ▬▬▬▬ ▬▬ ▬▬▬ ▬▬ ▬▬▬▬ ▬▬▬ ▬▬ ▬▬▬ ▬▬▬▬ ▬▬ ▬▬▬ ▬ ▬▬▬▬ ▬▬▬ ▬▬ ▬▬▬ ▬▬ ▬▬▬▬ ▬▬ ▬▬▬ ▬▬ ▬▬▬▬ ▬▬▬ ▬▬ ▬▬▬ ▬▬▬▬ ▬▬ ▬▬▬ ▬ ▬▬▬▬ ▬▬▬ ▬▬ ▬▬▬ ▬▬ ▬▬▬▬ ▬▬ ▬▬▬ ▬▬ ▬▬▬▬ ▬▬▬ ▬▬ ▬▬▬ ▬▬▬▬ ▬▬ ▬▬▬ ▬ ▬▬▬▬ ▬▬▬ ▬▬ ▬▬▬ ▬▬ ▬▬▬▬ ▬▬ ▬▬▬ ▬▬ ▬▬▬▬ ▬▬▬ ▬▬ ▬▬▬ ▬▬▬▬ ▬▬ ▬▬▬ ▬ ▬▬▬▬ ▬▬▬ ▬▬ ▬▬▬ ▬▬ ▬▬▬▬ ▬▬ ▬▬▬ ▬▬ ▬▬▬▬ ▬▬▬ ▬▬ ▬▬▬ ▬▬▬▬ ▬▬ ▬▬▬ ▬ ▬▬▬▬ ▬▬▬ ▬▬ ▬▬▬ ▬▬ ▬▬▬▬ ▬▬ ▬▬▬ ▬▬ ▬▬▬▬ ▬▬▬ ▬▬ ▬▬▬ ▬▬▬▬ ▬▬ ▬▬▬ ▬ ▬▬▬▬ ▬▬▬ ▬▬ ▬▬▬ ▬▬ ▬▬▬▬ ▬▬ ▬▬▬ ▬▬ ▬▬▬▬ ▬▬▬ ▬▬ ▬▬▬ ▬▬▬▬ ▬▬ ▬▬▬ ▬ ▬▬▬▬ ▬▬▬ ▬▬ ▬▬▬ ▬▬ ▬▬▬▬ ▬▬ ▬▬▬ ▬▬ ▬▬▬▬ ▬▬▬ ▬▬ ▬▬▬ ▬▬▬▬ ▬▬ ▬▬▬ ▬ ▬▬▬▬ ▬▬▬ ▬▬ ▬▬▬ ▬▬ ▬▬▬▬ ▬▬ ▬▬▬ ▬▬ ▬▬▬▬ ▬▬▬ ▬▬ ▬▬▬ ▬▬▬▬ ▬▬ ▬▬▬ ▬ ▬▬▬▬ ▬▬▬ ▬▬ ▬▬▬ ▬▬ ▬▬▬▬ ▬▬ ▬▬▬ ▬▬ ▬▬▬▬ ▬▬▬ ▬▬ ▬▬▬ ▬▬▬▬ ▬▬ ▬▬▬ ▬ ▬▬▬▬ ▬▬▬ ▬▬ ▬▬▬ ▬▬ ▬▬▬▬ ▬▬ ▬▬▬ ▬▬ ▬▬▬▬ ▬▬▬ ▬▬ ▬▬▬ ▬▬▬▬ ▬▬ ▬▬▬ ▬ ▬▬▬▬ ▬▬▬ ▬▬ ▬▬▬ ▬▬ ▬▬▬▬ ▬▬ ▬▬▬ ▬▬ ▬▬▬▬ ▬▬▬ ▬▬ ▬▬▬ ▬▬▬▬ ▬▬ ▬▬▬ ▬ ▬▬▬▬ ▬▬▬ ▬▬ ▬▬▬ ▬▬ ▬▬▬▬ ▬▬ ▬▬▬ ▬▬ ▬▬▬▬ ▬▬▬ ▬▬ ▬▬▬ ▬▬▬▬ ▬▬ ▬▬▬ ▬ ▬▬▬▬ ▬▬▬ ▬▬ ▬▬▬ ▬▬ ▬▬▬▬ ▬▬ ▬▬▬ ▬▬ ▬▬▬▬ ▬▬▬ ▬▬ ▬▬▬ ▬▬▬▬ ▬▬ ▬▬▬ ▬ ▬▬▬▬ ▬▬▬ ▬▬ ▬▬▬ ▬▬ ▬▬▬▬ ▬▬ ▬▬▬ ▬▬ ▬▬▬▬ ▬▬▬ ▬▬ ▬▬▬ ▬▬▬▬ ▬▬ ▬▬▬
ADVERTENSI
PABRIK KIM KOK PIA TEK
▬▬ ▬▬▬ ▬▬ ▬▬▬▬ ▬▬ ▬▬▬ ▬ ▬▬▬▬ ▬▬ ▬▬▬ ▬▬ ▬▬▬▬ ▬▬▬ ▬▬ ▬▬▬ ▬▬▬▬ ▬▬ ▬▬▬ ▬ ▬▬▬▬ ▬▬▬ ▬▬ ▬▬▬ ▬▬ ▬▬▬▬ ▬▬ ▬▬▬ ▬▬ ▬▬▬▬ ▬▬▬ ▬▬ ▬▬▬ ▬▬▬▬ ▬▬ ▬▬▬ ▬ ▬▬▬▬ ▬▬▬ ▬▬ ▬▬▬ ▬▬ ▬▬▬▬ ▬▬ ▬▬▬ ▬▬ ▬▬▬▬ ▬▬▬ ▬▬ ▬▬▬ ▬▬▬▬ ▬▬ ▬▬▬ ▬ ▬▬▬▬ ▬▬▬ ▬▬ ▬▬▬ ▬▬ ▬▬▬▬ ▬▬ ▬▬▬ ▬▬ ▬▬▬▬ ▬▬▬ ▬▬ ▬▬▬ ▬▬▬▬ ▬▬ ▬▬▬ ▬ ▬▬▬▬ ▬▬▬ ▬▬ ▬▬▬ ▬▬ ▬▬▬▬ ▬▬ ▬▬▬ ▬▬ ▬▬▬▬ ▬▬▬ ▬▬ ▬▬▬ ▬▬▬▬ ▬▬ ▬▬▬ ▬ ▬▬▬▬ ▬▬▬ ▬▬ ▬▬▬ ▬▬ ▬▬▬▬ ▬▬ ▬▬▬ ▬▬ ▬▬▬▬ ▬▬▬ ▬▬ ▬▬▬ ▬▬▬▬ ▬▬ ▬▬▬ ▬ ▬▬▬▬ ▬▬▬ ▬▬ ▬▬▬ ▬▬ ▬▬▬▬ ▬▬ ▬▬▬ ▬▬ ▬▬▬▬ ▬▬▬ ▬▬ ▬▬▬ ▬▬▬▬ ▬▬ ▬▬▬ ▬ ▬▬▬▬ ▬▬▬ ▬▬ ▬▬▬ ▬▬ ▬▬▬▬ ▬▬ ▬▬▬ ▬▬ ▬▬▬▬ ▬▬▬ ▬▬ ▬▬▬ ▬▬▬▬ ▬▬ ▬▬▬ ▬ ▬▬▬▬ ▬▬▬ ▬▬ ▬▬▬ ▬▬ ▬▬▬▬ ▬▬ ▬▬▬ ▬▬ ▬▬▬▬ ▬▬▬ ▬▬ ▬▬▬ ▬▬▬▬ ▬▬ ▬▬▬ ▬ ▬▬▬▬ ▬▬▬ ▬▬ ▬▬▬ ▬▬ ▬▬▬▬ ▬▬ ▬▬▬ ▬▬ ▬▬▬▬ ▬▬▬ ▬▬ ▬▬▬ ▬▬▬▬ ▬▬ ▬▬▬ ▬ ▬▬▬▬ ▬▬▬ ▬▬ ▬▬▬ ▬▬ ▬▬▬▬ ▬▬ ▬▬▬ ▬▬ ▬▬▬▬ ▬▬▬ ▬▬ ▬▬▬ ▬▬▬▬ ▬▬ ▬▬▬ ▬ ▬▬▬▬ ▬▬▬ ▬▬ ▬▬▬ ▬▬ ▬▬▬▬ ▬▬ ▬▬▬ ▬▬ ▬▬▬▬ ▬▬▬ ▬▬ ▬▬▬ ▬▬▬▬ ▬▬ ▬▬▬ ▬ ▬▬▬▬ ▬▬▬ ▬▬ ▬▬▬ ▬▬ ▬▬▬▬ ▬▬ ▬▬▬ ▬▬ ▬▬▬▬ ▬▬▬ ▬▬ ▬▬▬ ▬▬▬▬ ▬▬ ▬▬▬ ▬ ▬▬▬▬ ▬▬▬ ▬▬ ▬▬▬ ▬▬ ▬▬▬▬ ▬▬ ▬▬▬ ▬▬ ▬▬▬▬ ▬▬▬ ▬▬ ▬▬▬ ▬▬▬▬ ▬▬ ▬▬▬ ▬ ▬▬▬▬ ▬▬▬ ▬▬ ▬▬▬ ▬▬ ▬▬▬▬ ▬▬ ▬▬▬ ▬▬ ▬▬▬▬ ▬▬▬ ▬▬ ▬▬▬ ▬▬▬▬ ▬▬ ▬▬▬
JOE TALI HIO (ELY)
▬▬ ▬▬▬ ▬▬ ▬▬▬▬ ▬▬ ▬▬▬ ▬ ▬▬▬▬ ▬▬ ▬▬▬ ▬▬ ▬▬▬▬ ▬▬▬ ▬▬ ▬▬▬ ▬▬▬▬ ▬▬ ▬▬▬ ▬ ▬▬▬▬ ▬▬▬ ▬▬ ▬▬▬ ▬▬ ▬▬▬▬ ▬▬ ▬▬▬ ▬▬ ▬▬▬▬ ▬▬▬ ▬▬ ▬▬▬ ▬▬▬▬ ▬▬ ▬▬▬ ▬ ▬▬▬▬ ▬▬▬ ▬▬ ▬▬▬ ▬▬ ▬▬▬▬ ▬▬ ▬▬▬ ▬▬ ▬▬▬▬ ▬▬▬ ▬▬ ▬▬▬ ▬▬▬▬ ▬▬ ▬▬▬ ▬ ▬▬▬▬ ▬▬▬ ▬▬ ▬▬▬ ▬▬ ▬▬▬▬ ▬▬ ▬▬▬ ▬▬ ▬▬▬▬ ▬▬▬ ▬▬ ▬▬▬ ▬▬▬▬ ▬▬ ▬▬▬ ▬ ▬▬▬▬ ▬▬▬ ▬▬ ▬▬▬ ▬▬ ▬▬▬▬ ▬▬ ▬▬▬ ▬▬ ▬▬▬▬ ▬▬▬ ▬▬ ▬▬▬ ▬▬▬▬ ▬▬ ▬▬▬ ▬ ▬▬▬▬ ▬▬▬ ▬▬ ▬▬▬ ▬▬ ▬▬▬▬ ▬▬ ▬▬▬ ▬▬ ▬▬▬▬ ▬▬▬ ▬▬ ▬▬▬ ▬▬▬▬ ▬▬ ▬▬▬ ▬ ▬▬▬▬ ▬▬▬ ▬▬ ▬▬▬ ▬▬ ▬▬▬▬ ▬▬ ▬▬▬ ▬▬ ▬▬▬▬ ▬▬▬ ▬▬ ▬▬▬ ▬▬▬▬ ▬▬ ▬▬▬ ▬ ▬▬▬▬ ▬▬▬ ▬▬ ▬▬▬ ▬▬ ▬▬▬▬ ▬▬ ▬▬▬ ▬▬ ▬▬▬▬ ▬▬▬ ▬▬ ▬▬▬ ▬▬▬▬ ▬▬ ▬▬▬ ▬ ▬▬▬▬ ▬▬▬ ▬▬ ▬▬▬ ▬▬ ▬▬▬▬ ▬▬ ▬▬▬ ▬▬ ▬▬▬▬ ▬▬▬ ▬▬ ▬▬▬ ▬▬▬▬ ▬▬ ▬▬▬ ▬ ▬▬▬▬ ▬▬▬ ▬▬ ▬▬▬ ▬▬ ▬▬▬▬ ▬▬ ▬▬▬ ▬▬ ▬▬▬▬ ▬▬▬ ▬▬ ▬▬▬ ▬▬▬▬ ▬▬ ▬▬▬ ▬ ▬▬▬▬ ▬▬▬ ▬▬ ▬▬▬ ▬▬ ▬▬▬▬ ▬▬ ▬▬▬ ▬▬ ▬▬▬▬ ▬▬▬ ▬▬ ▬▬▬ ▬▬▬▬ ▬▬ ▬▬▬ ▬ ▬▬▬▬ ▬▬▬ ▬▬ ▬▬▬ ▬▬ ▬▬▬▬ ▬▬ ▬▬▬ ▬▬ ▬▬▬▬ ▬▬▬ ▬▬ ▬▬▬ ▬▬▬▬ ▬▬ ▬▬▬ ▬ ▬▬▬▬ ▬▬▬ ▬▬ ▬▬▬ ▬▬ ▬▬▬▬ ▬▬ ▬▬▬ ▬▬ ▬▬▬▬ ▬▬▬ ▬▬ ▬▬▬ ▬▬▬▬ ▬▬ ▬▬▬ ▬ ▬▬▬▬ ▬▬▬ ▬▬ ▬▬▬ ▬▬ ▬▬▬▬ ▬▬ ▬▬▬ ▬▬ ▬▬▬▬ ▬▬▬ ▬▬ ▬▬▬ ▬▬▬▬ ▬▬ ▬▬▬ ▬ ▬▬▬▬ ▬▬▬ ▬▬ ▬▬▬ ▬▬ ▬▬▬▬ ▬▬ ▬▬▬ ▬▬ ▬▬▬▬ ▬▬▬ ▬▬ ▬▬▬ ▬▬▬▬ ▬▬ ▬▬▬
▬▬ ▬▬▬ ▬▬ ▬▬▬▬ ▬▬ ▬▬▬ ▬ ▬▬▬▬ ▬▬ ▬▬▬ ▬▬ ▬▬▬▬ ▬▬▬ ▬▬ ▬▬▬ ▬▬▬▬ ▬▬ ▬▬▬ ▬ ▬▬▬▬ ▬▬▬ ▬▬ ▬▬▬ ▬▬ ▬▬▬▬ ▬▬ ▬▬▬ ▬▬ ▬▬▬▬ ▬▬▬ ▬▬ ▬▬▬ ▬▬▬▬ ▬▬ ▬▬▬ ▬ ▬▬▬▬ ▬▬▬ ▬▬ ▬▬▬ ▬▬ ▬▬▬▬ ▬▬ ▬▬▬ ▬▬ ▬▬▬▬ ▬▬▬ ▬▬ ▬▬▬ ▬▬▬▬ ▬▬ ▬▬▬ ▬ ▬▬▬▬ ▬▬▬ ▬▬ ▬▬▬ ▬▬ ▬▬▬▬ ▬▬ ▬▬▬ ▬▬ ▬▬▬▬ ▬▬▬ ▬▬ ▬▬▬ ▬▬▬▬ ▬▬ ▬▬▬ ▬ ▬▬▬▬ ▬▬▬ ▬▬ ▬▬▬ ▬▬ ▬▬▬▬ ▬▬ ▬▬▬ ▬▬ ▬▬▬▬ ▬▬▬ ▬▬ ▬▬▬ ▬▬▬▬ ▬▬ ▬▬▬ ▬ ▬▬▬▬ ▬▬▬ ▬▬ ▬▬▬ ▬▬ ▬▬▬▬ ▬▬ ▬▬▬ ▬▬ ▬▬▬▬ ▬▬▬ ▬▬ ▬▬▬ ▬▬▬▬ ▬▬ ▬▬▬ ▬ ▬▬▬▬ ▬▬▬ ▬▬ ▬▬▬ ▬▬ ▬▬▬▬ ▬▬ ▬▬▬ ▬▬ ▬▬▬▬ ▬▬▬ ▬▬ ▬▬▬ ▬▬▬▬ ▬▬ ▬▬▬ ▬ ▬▬▬▬ ▬▬▬ ▬▬ ▬▬▬ ▬▬ ▬▬▬▬ ▬▬ ▬▬▬ ▬▬ ▬▬▬▬ ▬▬▬ ▬▬ ▬▬▬ ▬▬▬▬ ▬▬ ▬▬▬ ▬ ▬▬▬▬ ▬▬▬ ▬▬ ▬▬▬ ▬▬ ▬▬▬▬ ▬▬ ▬▬▬ ▬▬ ▬▬▬▬ ▬▬▬ ▬▬ ▬▬▬ ▬▬▬▬ ▬▬ ▬▬▬ ▬ ▬▬▬▬ ▬▬▬ ▬▬ ▬▬▬ ▬▬ ▬▬▬▬ ▬▬ ▬▬▬ ▬▬ ▬▬▬▬ ▬▬▬ ▬▬ ▬▬▬ ▬▬▬▬ ▬▬ ▬▬▬ ▬ ▬▬▬▬ ▬▬▬ ▬▬ ▬▬▬ ▬▬ ▬▬▬▬ ▬▬ ▬▬▬ ▬▬ ▬▬▬▬ ▬▬▬ ▬▬ ▬▬▬ ▬▬▬▬ ▬▬ ▬▬▬ ▬ ▬▬▬▬ ▬▬▬ ▬▬ ▬▬▬ ▬▬ ▬▬▬▬ ▬▬ ▬▬▬ ▬▬ ▬▬▬▬ ▬▬▬ ▬▬ ▬▬▬ ▬▬▬▬ ▬▬ ▬▬▬ ▬ ▬▬▬▬ ▬▬▬ ▬▬ ▬▬▬ ▬▬ ▬▬▬▬ ▬▬ ▬▬▬ ▬▬ ▬▬▬▬ ▬▬▬ ▬▬ ▬▬▬ ▬▬▬▬ ▬▬ ▬▬▬ ▬ ▬▬▬▬ ▬▬▬ ▬▬ ▬▬▬ ▬▬ ▬▬▬▬ ▬▬ ▬▬▬ ▬▬ ▬▬▬▬ ▬▬▬ ▬▬ ▬▬▬ ▬▬▬▬ ▬▬ ▬▬▬ ▬ ▬▬▬▬ ▬▬▬ ▬▬ ▬▬▬ ▬▬ ▬▬▬▬ ▬▬ ▬▬▬ ▬▬ ▬▬▬▬ ▬▬▬ ▬▬ ▬▬▬ ▬▬▬▬ ▬▬ ▬▬▬
Toko "Srie Bjoe"
▬▬ ▬▬▬ ▬▬ ▬▬▬▬ ▬▬ ▬▬▬ ▬ ▬▬▬▬ ▬▬ ▬▬▬ ▬▬ ▬▬▬▬ ▬▬▬ ▬▬ ▬▬▬ ▬▬▬▬ ▬▬ ▬▬▬ ▬ ▬▬▬▬ ▬▬▬ ▬▬ ▬▬▬ ▬▬ ▬▬▬▬ ▬▬ ▬▬▬ ▬▬ ▬▬▬▬ ▬▬▬ ▬▬ ▬▬▬ ▬▬▬▬ ▬▬ ▬▬▬ ▬ ▬▬▬▬ ▬▬▬ ▬▬ ▬▬▬ ▬▬ ▬▬▬▬ ▬▬ ▬▬▬ ▬▬ ▬▬▬▬ ▬▬▬ ▬▬ ▬▬▬ ▬▬▬▬ ▬▬ ▬▬▬ ▬ ▬▬▬▬ ▬▬▬ ▬▬ ▬▬▬ ▬▬ ▬▬▬▬ ▬▬ ▬▬▬ ▬▬ ▬▬▬▬ ▬▬▬ ▬▬ ▬▬▬ ▬▬▬▬ ▬▬ ▬▬▬ ▬ ▬▬▬▬ ▬▬▬ ▬▬ ▬▬▬ ▬▬ ▬▬▬▬ ▬▬ ▬▬▬ ▬▬ ▬▬▬▬ ▬▬▬ ▬▬ ▬▬▬ ▬▬▬▬ ▬▬ ▬▬▬ ▬ ▬▬▬▬ ▬▬▬ ▬▬ ▬▬▬ ▬▬ ▬▬▬▬ ▬▬ ▬▬▬ ▬▬ ▬▬▬▬ ▬▬▬ ▬▬ ▬▬▬ ▬▬▬▬ ▬▬ ▬▬▬ ▬ ▬▬▬▬ ▬▬▬ ▬▬ ▬▬▬ ▬▬ ▬▬▬▬ ▬▬ ▬▬▬ ▬▬ ▬▬▬▬ ▬▬▬ ▬▬ ▬▬▬ ▬▬▬▬ ▬▬ ▬▬▬ ▬ ▬▬▬▬ ▬▬▬ ▬▬ ▬▬▬ ▬▬ ▬▬▬▬ ▬▬ ▬▬▬ ▬▬ ▬▬▬▬ ▬▬▬ ▬▬ ▬▬▬ ▬▬▬▬ ▬▬ ▬▬▬ ▬ ▬▬▬▬ ▬▬▬ ▬▬ ▬▬▬ ▬▬ ▬▬▬▬ ▬▬ ▬▬▬ ▬▬ ▬▬▬▬ ▬▬▬ ▬▬ ▬▬▬ ▬▬▬▬ ▬▬ ▬▬▬ ▬ ▬▬▬▬ ▬▬▬ ▬▬ ▬▬▬ ▬▬ ▬▬▬▬ ▬▬ ▬▬▬ ▬▬ ▬▬▬▬ ▬▬▬ ▬▬ ▬▬▬ ▬▬▬▬ ▬▬ ▬▬▬ ▬ ▬▬▬▬ ▬▬▬ ▬▬ ▬▬▬ ▬▬ ▬▬▬▬ ▬▬ ▬▬▬ ▬▬ ▬▬▬▬ ▬▬▬ ▬▬ ▬▬▬ ▬▬▬▬ ▬▬ ▬▬▬ ▬ ▬▬▬▬ ▬▬▬ ▬▬ ▬▬▬ ▬▬ ▬▬▬▬ ▬▬ ▬▬▬ ▬▬ ▬▬▬▬ ▬▬▬ ▬▬ ▬▬▬ ▬▬▬▬ ▬▬ ▬▬▬ ▬ ▬▬▬▬ ▬▬▬ ▬▬ ▬▬▬ ▬▬ ▬▬▬▬ ▬▬ ▬▬▬ ▬▬ ▬▬▬▬ ▬▬▬ ▬▬ ▬▬▬ ▬▬▬▬ ▬▬ ▬▬▬ ▬ ▬▬▬▬ ▬▬▬ ▬▬ ▬▬▬ ▬▬ ▬▬▬▬ ▬▬ ▬▬▬ ▬▬ ▬▬▬▬ ▬▬▬ ▬▬ ▬▬▬ ▬▬▬▬ ▬▬ ▬▬▬ ▬ ▬▬▬▬ ▬▬▬ ▬▬ ▬▬▬ ▬▬ ▬▬▬▬ ▬▬ ▬▬▬ ▬▬ ▬▬▬▬ ▬▬▬ ▬▬ ▬▬▬ ▬▬▬▬ ▬▬ ▬▬▬
Toko "Enam"
▬▬ ▬▬▬ ▬▬ ▬▬▬▬ ▬▬ ▬▬▬ ▬ ▬▬▬▬ ▬▬ ▬▬▬ ▬▬ ▬▬▬▬ ▬▬▬ ▬▬ ▬▬▬ ▬▬▬▬ ▬▬ ▬▬▬ ▬ ▬▬▬▬ ▬▬▬ ▬▬ ▬▬▬ ▬▬ ▬▬▬▬ ▬▬ ▬▬▬ ▬▬ ▬▬▬▬ ▬▬▬ ▬▬ ▬▬▬ ▬▬▬▬ ▬▬ ▬▬▬ ▬ ▬▬▬▬ ▬▬▬ ▬▬ ▬▬▬ ▬▬ ▬▬▬▬ ▬▬ ▬▬▬ ▬▬ ▬▬▬▬ ▬▬▬ ▬▬ ▬▬▬ ▬▬▬▬ ▬▬ ▬▬▬ ▬ ▬▬▬▬ ▬▬▬ ▬▬ ▬▬▬ ▬▬ ▬▬▬▬ ▬▬ ▬▬▬ ▬▬ ▬▬▬▬ ▬▬▬ ▬▬ ▬▬▬ ▬▬▬▬ ▬▬ ▬▬▬ ▬ ▬▬▬▬ ▬▬▬ ▬▬ ▬▬▬ ▬▬ ▬▬▬▬ ▬▬ ▬▬▬ ▬▬ ▬▬▬▬ ▬▬▬ ▬▬ ▬▬▬ ▬▬▬▬ ▬▬ ▬▬▬ ▬ ▬▬▬▬ ▬▬▬ ▬▬ ▬▬▬ ▬▬ ▬▬▬▬ ▬▬ ▬▬▬ ▬▬ ▬▬▬▬ ▬▬▬ ▬▬ ▬▬▬ ▬▬▬▬ ▬▬ ▬▬▬ ▬ ▬▬▬▬ ▬▬▬ ▬▬ ▬▬▬ ▬▬ ▬▬▬▬ ▬▬ ▬▬▬ ▬▬ ▬▬▬▬ ▬▬▬ ▬▬ ▬▬▬ ▬▬▬▬ ▬▬ ▬▬▬ ▬ ▬▬▬▬ ▬▬▬ ▬▬ ▬▬▬ ▬▬ ▬▬▬▬ ▬▬ ▬▬▬ ▬▬ ▬▬▬▬ ▬▬▬ ▬▬ ▬▬▬ ▬▬▬▬ ▬▬ ▬▬▬ ▬ ▬▬▬▬ ▬▬▬ ▬▬ ▬▬▬ ▬▬ ▬▬▬▬ ▬▬ ▬▬▬ ▬▬ ▬▬▬▬ ▬▬▬ ▬▬ ▬▬▬ ▬▬▬▬ ▬▬ ▬▬▬ ▬ ▬▬▬▬ ▬▬▬ ▬▬ ▬▬▬ ▬▬ ▬▬▬▬ ▬▬ ▬▬▬ ▬▬ ▬▬▬▬ ▬▬▬ ▬▬ ▬▬▬ ▬▬▬▬ ▬▬ ▬▬▬ ▬ ▬▬▬▬ ▬▬▬ ▬▬ ▬▬▬ ▬▬ ▬▬▬▬ ▬▬ ▬▬▬ ▬▬ ▬▬▬▬ ▬▬▬ ▬▬ ▬▬▬ ▬▬▬▬ ▬▬ ▬▬▬ ▬ ▬▬▬▬ ▬▬▬ ▬▬ ▬▬▬ ▬▬ ▬▬▬▬ ▬▬ ▬▬▬ ▬▬ ▬▬▬▬ ▬▬▬ ▬▬ ▬▬▬ ▬▬▬▬ ▬▬ ▬▬▬ ▬ ▬▬▬▬ ▬▬▬ ▬▬ ▬▬▬ ▬▬ ▬▬▬▬ ▬▬ ▬▬▬ ▬▬ ▬▬▬▬ ▬▬▬ ▬▬ ▬▬▬ ▬▬▬▬ ▬▬ ▬▬▬ ▬ ▬▬▬▬ ▬▬▬ ▬▬ ▬▬▬ ▬▬ ▬▬▬▬ ▬▬ ▬▬▬ ▬▬ ▬▬▬▬ ▬▬▬ ▬▬ ▬▬▬ ▬▬▬▬ ▬▬ ▬▬▬ ▬ ▬▬▬▬ ▬▬▬ ▬▬ ▬▬▬ ▬▬ ▬▬▬▬ ▬▬ ▬▬▬ ▬▬ ▬▬▬▬ ▬▬▬ ▬▬ ▬▬▬ ▬▬▬▬ ▬▬ ▬▬▬
OLGOCAL
Bisa dapat beli Koemis? Beli Djoewa Bener dan Koemis? Obat (Apotik).
DITJARI
▬▬ ▬▬▬ ▬▬ ▬▬▬▬ ▬▬ ▬▬▬ ▬ ▬▬▬▬ ▬▬ ▬▬▬ ▬▬ ▬▬▬▬ ▬▬▬ ▬▬ ▬▬▬ ▬▬▬▬ ▬▬ ▬▬▬ ▬ ▬▬▬▬ ▬▬▬ ▬▬ ▬▬▬ ▬▬ ▬▬▬▬ ▬▬ ▬▬▬ ▬▬ ▬▬▬▬ ▬▬▬ ▬▬ ▬▬▬ ▬▬▬▬ ▬▬ ▬▬▬ ▬ ▬▬▬▬ ▬▬▬ ▬▬ ▬▬▬ ▬▬ ▬▬▬▬ ▬▬ ▬▬▬ ▬▬ ▬▬▬▬ ▬▬▬ ▬▬ ▬▬▬ ▬▬▬▬ ▬▬ ▬▬▬ ▬ ▬▬▬▬ ▬▬▬ ▬▬ ▬▬▬ ▬▬ ▬▬▬▬ ▬▬ ▬▬▬ ▬▬ ▬▬▬▬ ▬▬▬ ▬▬ ▬▬▬ ▬▬▬▬ ▬▬ ▬▬▬ ▬ ▬▬▬▬ ▬▬▬ ▬▬ ▬▬▬ ▬▬ ▬▬▬▬ ▬▬ ▬▬▬ ▬▬ ▬▬▬▬ ▬▬▬ ▬▬ ▬▬▬ ▬▬▬▬ ▬▬ ▬▬▬ ▬ ▬▬▬▬ ▬▬▬ ▬▬ ▬▬▬ ▬▬ ▬▬▬▬ ▬▬ ▬▬▬ ▬▬ ▬▬▬▬ ▬▬▬ ▬▬ ▬▬▬ ▬▬▬▬ ▬▬ ▬▬▬ ▬ ▬▬▬▬ ▬▬▬ ▬▬ ▬▬▬ ▬▬ ▬▬▬▬ ▬▬ ▬▬▬ ▬▬ ▬▬▬▬ ▬▬▬ ▬▬ ▬▬▬ ▬▬▬▬ ▬▬ ▬▬▬ ▬ ▬▬▬▬ ▬▬▬ ▬▬ ▬▬▬ ▬▬ ▬▬▬▬ ▬▬ ▬▬▬ ▬▬ ▬▬▬▬ ▬▬▬ ▬▬ ▬▬▬ ▬▬▬▬ ▬▬ ▬▬▬ ▬ ▬▬▬▬ ▬▬▬ ▬▬ ▬▬▬ ▬▬ ▬▬▬▬ ▬▬ ▬▬▬ ▬▬ ▬▬▬▬ ▬▬▬ ▬▬ ▬▬▬ ▬▬▬▬ ▬▬ ▬▬▬ ▬ ▬▬▬▬ ▬▬▬ ▬▬ ▬▬▬ ▬▬ ▬▬▬▬ ▬▬ ▬▬▬ ▬▬ ▬▬▬▬ ▬▬▬ ▬▬ ▬▬▬ ▬▬▬▬ ▬▬ ▬▬▬ ▬ ▬▬▬▬ ▬▬▬ ▬▬ ▬▬▬ ▬▬ ▬▬▬▬ ▬▬ ▬▬▬ ▬▬ ▬▬▬▬ ▬▬▬ ▬▬ ▬▬▬ ▬▬▬▬ ▬▬ ▬▬▬ ▬ ▬▬▬▬ ▬▬▬ ▬▬ ▬▬▬ ▬▬ ▬▬▬▬ ▬▬ ▬▬▬ ▬▬ ▬▬▬▬ ▬▬▬ ▬▬ ▬▬▬ ▬▬▬▬ ▬▬ ▬▬▬ ▬ ▬▬▬▬ ▬▬▬ ▬▬ ▬▬▬ ▬▬ ▬▬▬▬ ▬▬ ▬▬▬ ▬▬ ▬▬▬▬ ▬▬▬ ▬▬ ▬▬▬ ▬▬▬▬ ▬▬ ▬▬▬ ▬ ▬▬▬▬ ▬▬▬ ▬▬ ▬▬▬ ▬▬ ▬▬▬▬ ▬▬ ▬▬▬ ▬▬ ▬▬▬▬ ▬▬▬ ▬▬ ▬▬▬ ▬▬▬▬ ▬▬ ▬▬▬ ▬ ▬▬▬▬ ▬▬▬ ▬▬ ▬▬▬ ▬▬ ▬▬▬▬ ▬▬ ▬▬▬ ▬▬ ▬▬▬▬ ▬▬▬ ▬▬ ▬▬▬ ▬▬▬▬ ▬▬ ▬▬▬
SPEKI
▬▬ ▬▬▬ ▬▬ ▬▬▬▬ ▬▬ ▬▬▬ ▬ ▬▬▬▬ ▬▬ ▬▬▬ ▬▬ ▬▬▬▬ ▬▬▬ ▬▬ ▬▬▬ ▬▬▬▬ ▬▬ ▬▬▬ ▬ ▬▬▬▬ ▬▬▬ ▬▬ ▬▬▬ ▬▬ ▬▬▬▬ ▬▬ ▬▬▬ ▬▬ ▬▬▬▬ ▬▬▬ ▬▬ ▬▬▬ ▬▬▬▬ ▬▬ ▬▬▬ ▬ ▬▬▬▬ ▬▬▬ ▬▬ ▬▬▬ ▬▬ ▬▬▬▬ ▬▬ ▬▬▬ ▬▬ ▬▬▬▬ ▬▬▬ ▬▬ ▬▬▬ ▬▬▬▬ ▬▬ ▬▬▬ ▬ ▬▬▬▬ ▬▬▬ ▬▬ ▬▬▬ ▬▬ ▬▬▬▬ ▬▬ ▬▬▬ ▬▬ ▬▬▬▬ ▬▬▬ ▬▬ ▬▬▬ ▬▬▬▬ ▬▬ ▬▬▬ ▬ ▬▬▬▬ ▬▬▬ ▬▬ ▬▬▬ ▬▬ ▬▬▬▬ ▬▬ ▬▬▬ ▬▬ ▬▬▬▬ ▬▬▬ ▬▬ ▬▬▬ ▬▬▬▬ ▬▬ ▬▬▬ ▬ ▬▬▬▬ ▬▬▬ ▬▬ ▬▬▬ ▬▬ ▬▬▬▬ ▬▬ ▬▬▬ ▬▬ ▬▬▬▬ ▬▬▬ ▬▬ ▬▬▬ ▬▬▬▬ ▬▬ ▬▬▬ ▬ ▬▬▬▬ ▬▬▬ ▬▬ ▬▬▬ ▬▬ ▬▬▬▬ ▬▬ ▬▬▬ ▬▬ ▬▬▬▬ ▬▬▬ ▬▬ ▬▬▬ ▬▬▬▬ ▬▬ ▬▬▬ ▬ ▬▬▬▬ ▬▬▬ ▬▬ ▬▬▬ ▬▬ ▬▬▬▬ ▬▬ ▬▬▬ ▬▬ ▬▬▬▬ ▬▬▬ ▬▬ ▬▬▬ ▬▬▬▬ ▬▬ ▬▬▬ ▬ ▬▬▬▬ ▬▬▬ ▬▬ ▬▬▬ ▬▬ ▬▬▬▬ ▬▬ ▬▬▬ ▬▬ ▬▬▬▬ ▬▬▬ ▬▬ ▬▬▬ ▬▬▬▬ ▬▬ ▬▬▬ ▬ ▬▬▬▬ ▬▬▬ ▬▬ ▬▬▬ ▬▬ ▬▬▬▬ ▬▬ ▬▬▬ ▬▬ ▬▬▬▬ ▬▬▬ ▬▬ ▬▬▬ ▬▬▬▬ ▬▬ ▬▬▬ ▬ ▬▬▬▬ ▬▬▬ ▬▬ ▬▬▬ ▬▬ ▬▬▬▬ ▬▬ ▬▬▬ ▬▬ ▬▬▬▬ ▬▬▬ ▬▬ ▬▬▬ ▬▬▬▬ ▬▬ ▬▬▬ ▬ ▬▬▬▬ ▬▬▬ ▬▬ ▬▬▬ ▬▬ ▬▬▬▬ ▬▬ ▬▬▬ ▬▬ ▬▬▬▬ ▬▬▬ ▬▬ ▬▬▬ ▬▬▬▬ ▬▬ ▬▬▬ ▬ ▬▬▬▬ ▬▬▬ ▬▬ ▬▬▬ ▬▬ ▬▬▬▬ ▬▬ ▬▬▬ ▬▬ ▬▬▬▬ ▬▬▬ ▬▬ ▬▬▬ ▬▬▬▬ ▬▬ ▬▬▬ ▬ ▬▬▬▬ ▬▬▬ ▬▬ ▬▬▬ ▬▬ ▬▬▬▬ ▬▬ ▬▬▬ ▬▬ ▬▬▬▬ ▬▬▬ ▬▬ ▬▬▬ ▬▬▬▬ ▬▬ ▬▬▬ ▬ ▬▬▬▬ ▬▬▬ ▬▬ ▬▬▬ ▬▬ ▬▬▬▬ ▬▬ ▬▬▬ ▬▬ ▬▬▬▬ ▬▬▬ ▬▬ ▬▬▬ ▬▬▬▬ ▬▬ ▬▬▬
Toko "Sin Hong"
▬▬ ▬▬▬ ▬▬ ▬▬▬▬ ▬▬ ▬▬▬ ▬ ▬▬▬▬ ▬▬ ▬▬▬ ▬▬ ▬▬▬▬ ▬▬▬ ▬▬ ▬▬▬ ▬▬▬▬ ▬▬ ▬▬▬ ▬ ▬▬▬▬ ▬▬▬ ▬▬ ▬▬▬ ▬▬ ▬▬▬▬ ▬▬ ▬▬▬ ▬▬ ▬▬▬▬ ▬▬▬ ▬▬ ▬▬▬ ▬▬▬▬ ▬▬ ▬▬▬ ▬ ▬▬▬▬ ▬▬▬ ▬▬ ▬▬▬ ▬▬ ▬▬▬▬ ▬▬ ▬▬▬ ▬▬ ▬▬▬▬ ▬▬▬ ▬▬ ▬▬▬ ▬▬▬▬ ▬▬ ▬▬▬ ▬ ▬▬▬▬ ▬▬▬ ▬▬ ▬▬▬ ▬▬ ▬▬▬▬ ▬▬ ▬▬▬ ▬▬ ▬▬▬▬ ▬▬▬ ▬▬ ▬▬▬ ▬▬▬▬ ▬▬ ▬▬▬ ▬ ▬▬▬▬ ▬▬▬ ▬▬ ▬▬▬ ▬▬ ▬▬▬▬ ▬▬ ▬▬▬ ▬▬ ▬▬▬▬ ▬▬▬ ▬▬ ▬▬▬ ▬▬▬▬ ▬▬ ▬▬▬ ▬ ▬▬▬▬ ▬▬▬ ▬▬ ▬▬▬ ▬▬ ▬▬▬▬ ▬▬ ▬▬▬ ▬▬ ▬▬▬▬ ▬▬▬ ▬▬ ▬▬▬ ▬▬▬▬ ▬▬ ▬▬▬ ▬ ▬▬▬▬ ▬▬▬ ▬▬ ▬▬▬ ▬▬ ▬▬▬▬ ▬▬ ▬▬▬ ▬▬ ▬▬▬▬ ▬▬▬ ▬▬ ▬▬▬ ▬▬▬▬ ▬▬ ▬▬▬ ▬ ▬▬▬▬ ▬▬▬ ▬▬ ▬▬▬ ▬▬ ▬▬▬▬ ▬▬ ▬▬▬ ▬▬ ▬▬▬▬ ▬▬▬ ▬▬ ▬▬▬ ▬▬▬▬ ▬▬ ▬▬▬ ▬ ▬▬▬▬ ▬▬▬ ▬▬ ▬▬▬ ▬▬ ▬▬▬▬ ▬▬ ▬▬▬ ▬▬ ▬▬▬▬ ▬▬▬ ▬▬ ▬▬▬ ▬▬▬▬ ▬▬ ▬▬▬ ▬ ▬▬▬▬ ▬▬▬ ▬▬ ▬▬▬ ▬▬ ▬▬▬▬ ▬▬ ▬▬▬ ▬▬ ▬▬▬▬ ▬▬▬ ▬▬ ▬▬▬ ▬▬▬▬ ▬▬ ▬▬▬ ▬ ▬▬▬▬ ▬▬▬ ▬▬ ▬▬▬ ▬▬ ▬▬▬▬ ▬▬ ▬▬▬ ▬▬ ▬▬▬▬ ▬▬▬ ▬▬ ▬▬▬ ▬▬▬▬ ▬▬ ▬▬▬ ▬ ▬▬▬▬ ▬▬▬ ▬▬ ▬▬▬ ▬▬ ▬▬▬▬ ▬▬ ▬▬▬ ▬▬ ▬▬▬▬ ▬▬▬ ▬▬ ▬▬▬ ▬▬▬▬ ▬▬ ▬▬▬ ▬ ▬▬▬▬ ▬▬▬ ▬▬ ▬▬▬ ▬▬ ▬▬▬▬ ▬▬ ▬▬▬ ▬▬ ▬▬▬▬ ▬▬▬ ▬▬ ▬▬▬ ▬▬▬▬ ▬▬ ▬▬▬ ▬ ▬▬▬▬ ▬▬▬ ▬▬ ▬▬▬ ▬▬ ▬▬▬▬ ▬▬ ▬▬▬ ▬▬ ▬▬▬▬ ▬▬▬ ▬▬ ▬▬▬ ▬▬▬▬ ▬▬ ▬▬▬ ▬ ▬▬▬▬ ▬▬▬ ▬▬ ▬▬▬ ▬▬ ▬▬▬▬ ▬▬ ▬▬▬ ▬▬ ▬▬▬▬ ▬▬▬ ▬▬ ▬▬▬ ▬▬▬▬ ▬▬ ▬▬▬
KIJAR SANGSI
▬▬ ▬▬▬ ▬▬ ▬▬▬▬ ▬▬ ▬▬▬ ▬ ▬▬▬▬ ▬▬ ▬▬▬ ▬▬ ▬▬▬▬ ▬▬▬ ▬▬ ▬▬▬ ▬▬▬▬ ▬▬ ▬▬▬ ▬ ▬▬▬▬ ▬▬▬ ▬▬ ▬▬▬ ▬▬ ▬▬▬▬ ▬▬ ▬▬▬ ▬▬ ▬▬▬▬ ▬▬▬ ▬▬ ▬▬▬ ▬▬▬▬ ▬▬ ▬▬▬ ▬ ▬▬▬▬ ▬▬▬ ▬▬ ▬▬▬ ▬▬ ▬▬▬▬ ▬▬ ▬▬▬ ▬▬ ▬▬▬▬ ▬▬▬ ▬▬ ▬▬▬ ▬▬▬▬ ▬▬ ▬▬▬ ▬ ▬▬▬▬ ▬▬▬ ▬▬ ▬▬▬ ▬▬ ▬▬▬▬ ▬▬ ▬▬▬ ▬▬ ▬▬▬▬ ▬▬▬ ▬▬ ▬▬▬ ▬▬▬▬ ▬▬ ▬▬▬ ▬ ▬▬▬▬ ▬▬▬ ▬▬ ▬▬▬ ▬▬ ▬▬▬▬ ▬▬ ▬▬▬ ▬▬ ▬▬▬▬ ▬▬▬ ▬▬ ▬▬▬ ▬▬▬▬ ▬▬ ▬▬▬ ▬ ▬▬▬▬ ▬▬▬ ▬▬ ▬▬▬ ▬▬ ▬▬▬▬ ▬▬ ▬▬▬ ▬▬ ▬▬▬▬ ▬▬▬ ▬▬ ▬▬▬ ▬▬▬▬ ▬▬ ▬▬▬ ▬ ▬▬▬▬ ▬▬▬ ▬▬ ▬▬▬ ▬▬ ▬▬▬▬ ▬▬ ▬▬▬ ▬▬ ▬▬▬▬ ▬▬▬ ▬▬ ▬▬▬ ▬▬▬▬ ▬▬ ▬▬▬ ▬ ▬▬▬▬ ▬▬▬ ▬▬ ▬▬▬ ▬▬ ▬▬▬▬ ▬▬ ▬▬▬ ▬▬ ▬▬▬▬ ▬▬▬ ▬▬ ▬▬▬ ▬▬▬▬ ▬▬ ▬▬▬ ▬ ▬▬▬▬ ▬▬▬ ▬▬ ▬▬▬ ▬▬ ▬▬▬▬ ▬▬ ▬▬▬ ▬▬ ▬▬▬▬ ▬▬▬ ▬▬ ▬▬▬ ▬▬▬▬ ▬▬ ▬▬▬ ▬ ▬▬▬▬ ▬▬▬ ▬▬ ▬▬▬ ▬▬ ▬▬▬▬ ▬▬ ▬▬▬ ▬▬ ▬▬▬▬ ▬▬▬ ▬▬ ▬▬▬ ▬▬▬▬ ▬▬ ▬▬▬ ▬ ▬▬▬▬ ▬▬▬ ▬▬ ▬▬▬ ▬▬ ▬▬▬▬ ▬▬ ▬▬▬ ▬▬ ▬▬▬▬ ▬▬▬ ▬▬ ▬▬▬ ▬▬▬▬ ▬▬ ▬▬▬ ▬ ▬▬▬▬ ▬▬▬ ▬▬ ▬▬▬ ▬▬ ▬▬▬▬ ▬▬ ▬▬▬ ▬▬ ▬▬▬▬ ▬▬▬ ▬▬ ▬▬▬ ▬▬▬▬ ▬▬ ▬▬▬ ▬ ▬▬▬▬ ▬▬▬ ▬▬ ▬▬▬ ▬▬ ▬▬▬▬ ▬▬ ▬▬▬ ▬▬ ▬▬▬▬ ▬▬▬ ▬▬ ▬▬▬ ▬▬▬▬ ▬▬ ▬▬▬ ▬ ▬▬▬▬ ▬▬▬ ▬▬ ▬▬▬ ▬▬ ▬▬▬▬ ▬▬ ▬▬▬ ▬▬ ▬▬▬▬ ▬▬▬ ▬▬ ▬▬▬ ▬▬▬▬ ▬▬ ▬▬▬ ▬ ▬▬▬▬ ▬▬▬ ▬▬ ▬▬▬ ▬▬ ▬▬▬▬ ▬▬ ▬▬▬ ▬▬ ▬▬▬▬ ▬▬▬ ▬▬ ▬▬▬ ▬▬▬▬ ▬▬ ▬▬▬
DITJARI
▬▬ ▬▬▬ ▬▬ ▬▬▬▬ ▬▬ ▬▬▬ ▬ ▬▬▬▬ ▬▬ ▬▬▬ ▬▬ ▬▬▬▬ ▬▬▬ ▬▬ ▬▬▬ ▬▬▬▬ ▬▬ ▬▬▬ ▬ ▬▬▬▬ ▬▬▬ ▬▬ ▬▬▬ ▬▬ ▬▬▬▬ ▬▬ ▬▬▬ ▬▬ ▬▬▬▬ ▬▬▬ ▬▬ ▬▬▬ ▬▬▬▬ ▬▬ ▬▬▬ ▬ ▬▬▬▬ ▬▬▬ ▬▬ ▬▬▬ ▬▬ ▬▬▬▬ ▬▬ ▬▬▬ ▬▬ ▬▬▬▬ ▬▬▬ ▬▬ ▬▬▬ ▬▬▬▬ ▬▬ ▬▬▬ ▬ ▬▬▬▬ ▬▬▬ ▬▬ ▬▬▬ ▬▬ ▬▬▬▬ ▬▬ ▬▬▬ ▬▬ ▬▬▬▬ ▬▬▬ ▬▬ ▬▬▬ ▬▬▬▬ ▬▬ ▬▬▬ ▬ ▬▬▬▬ ▬▬▬ ▬▬ ▬▬▬ ▬▬ ▬▬▬▬ ▬▬ ▬▬▬ ▬▬ ▬▬▬▬ ▬▬▬ ▬▬ ▬▬▬ ▬▬▬▬ ▬▬ ▬▬▬ ▬ ▬▬▬▬ ▬▬▬ ▬▬ ▬▬▬ ▬▬ ▬▬▬▬ ▬▬ ▬▬▬ ▬▬ ▬▬▬▬ ▬▬▬ ▬▬ ▬▬▬ ▬▬▬▬ ▬▬ ▬▬▬ ▬ ▬▬▬▬ ▬▬▬ ▬▬ ▬▬▬ ▬▬ ▬▬▬▬ ▬▬ ▬▬▬ ▬▬ ▬▬▬▬ ▬▬▬ ▬▬ ▬▬▬ ▬▬▬▬ ▬▬ ▬▬▬ ▬ ▬▬▬▬ ▬▬▬ ▬▬ ▬▬▬ ▬▬ ▬▬▬▬ ▬▬ ▬▬▬ ▬▬ ▬▬▬▬ ▬▬▬ ▬▬ ▬▬▬ ▬▬▬▬ ▬▬ ▬▬▬ ▬ ▬▬▬▬ ▬▬▬ ▬▬ ▬▬▬ ▬▬ ▬▬▬▬ ▬▬ ▬▬▬ ▬▬ ▬▬▬▬ ▬▬▬ ▬▬ ▬▬▬ ▬▬▬▬ ▬▬ ▬▬▬ ▬ ▬▬▬▬ ▬▬▬ ▬▬ ▬▬▬ ▬▬ ▬▬▬▬ ▬▬ ▬▬▬ ▬▬ ▬▬▬▬ ▬▬▬ ▬▬ ▬▬▬ ▬▬▬▬ ▬▬ ▬▬▬ ▬ ▬▬▬▬ ▬▬▬ ▬▬ ▬▬▬ ▬▬ ▬▬▬▬ ▬▬ ▬▬▬ ▬▬ ▬▬▬▬ ▬▬▬ ▬▬ ▬▬▬ ▬▬▬▬ ▬▬ ▬▬▬ ▬ ▬▬▬▬ ▬▬▬ ▬▬ ▬▬▬ ▬▬ ▬▬▬▬ ▬▬ ▬▬▬ ▬▬ ▬▬▬▬ ▬▬▬ ▬▬ ▬▬▬ ▬▬▬▬ ▬▬ ▬▬▬ ▬ ▬▬▬▬ ▬▬▬ ▬▬ ▬▬▬ ▬▬ ▬▬▬▬ ▬▬ ▬▬▬ ▬▬ ▬▬▬▬ ▬▬▬ ▬▬ ▬▬▬ ▬▬▬▬ ▬▬ ▬▬▬ ▬ ▬▬▬▬ ▬▬▬ ▬▬ ▬▬▬ ▬▬ ▬▬▬▬ ▬▬ ▬▬▬ ▬▬ ▬▬▬▬ ▬▬▬ ▬▬ ▬▬▬ ▬▬▬▬ ▬▬ ▬▬▬ ▬ ▬▬▬▬ ▬▬▬ ▬▬ ▬▬▬ ▬▬ ▬▬▬▬ ▬▬ ▬▬▬ ▬▬ ▬▬▬▬ ▬▬▬ ▬▬ ▬▬▬ ▬▬▬▬ ▬▬ ▬▬▬
Toko "Hong Hwa"
▬▬ ▬▬▬ ▬▬ ▬▬▬▬ ▬▬ ▬▬▬ ▬ ▬▬▬▬ ▬▬ ▬▬▬ ▬▬ ▬▬▬▬ ▬▬▬ ▬▬ ▬▬▬ ▬▬▬▬ ▬▬ ▬▬▬ ▬ ▬▬▬▬ ▬▬▬ ▬▬ ▬▬▬ ▬▬ ▬▬▬▬ ▬▬ ▬▬▬ ▬▬ ▬▬▬▬ ▬▬▬ ▬▬ ▬▬▬ ▬▬▬▬ ▬▬ ▬▬▬ ▬ ▬▬▬▬ ▬▬▬ ▬▬ ▬▬▬ ▬▬ ▬▬▬▬ ▬▬ ▬▬▬ ▬▬ ▬▬▬▬ ▬▬▬ ▬▬ ▬▬▬ ▬▬▬▬ ▬▬ ▬▬▬ ▬ ▬▬▬▬ ▬▬▬ ▬▬ ▬▬▬ ▬▬ ▬▬▬▬ ▬▬ ▬▬▬ ▬▬ ▬▬▬▬ ▬▬▬ ▬▬ ▬▬▬ ▬▬▬▬ ▬▬ ▬▬▬ ▬ ▬▬▬▬ ▬▬▬ ▬▬ ▬▬▬ ▬▬ ▬▬▬▬ ▬▬ ▬▬▬ ▬▬ ▬▬▬▬ ▬▬▬ ▬▬ ▬▬▬ ▬▬▬▬ ▬▬ ▬▬▬ ▬ ▬▬▬▬ ▬▬▬ ▬▬ ▬▬▬ ▬▬ ▬▬▬▬ ▬▬ ▬▬▬ ▬▬ ▬▬▬▬ ▬▬▬ ▬▬ ▬▬▬ ▬▬▬▬ ▬▬ ▬▬▬ ▬ ▬▬▬▬ ▬▬▬ ▬▬ ▬▬▬ ▬▬ ▬▬▬▬ ▬▬ ▬▬▬ ▬▬ ▬▬▬▬ ▬▬▬ ▬▬ ▬▬▬ ▬▬▬▬ ▬▬ ▬▬▬ ▬ ▬▬▬▬ ▬▬▬ ▬▬ ▬▬▬ ▬▬ ▬▬▬▬ ▬▬ ▬▬▬ ▬▬ ▬▬▬▬ ▬▬▬ ▬▬ ▬▬▬ ▬▬▬▬ ▬▬ ▬▬▬ ▬ ▬▬▬▬ ▬▬▬ ▬▬ ▬▬▬ ▬▬ ▬▬▬▬ ▬▬ ▬▬▬ ▬▬ ▬▬▬▬ ▬▬▬ ▬▬ ▬▬▬ ▬▬▬▬ ▬▬ ▬▬▬ ▬ ▬▬▬▬ ▬▬▬ ▬▬ ▬▬▬ ▬▬ ▬▬▬▬ ▬▬ ▬▬▬ ▬▬ ▬▬▬▬ ▬▬▬ ▬▬ ▬▬▬ ▬▬▬▬ ▬▬ ▬▬▬ ▬ ▬▬▬▬ ▬▬▬ ▬▬ ▬▬▬ ▬▬ ▬▬▬▬ ▬▬ ▬▬▬ ▬▬ ▬▬▬▬ ▬▬▬ ▬▬ ▬▬▬ ▬▬▬▬ ▬▬ ▬▬▬ ▬ ▬▬▬▬ ▬▬▬ ▬▬ ▬▬▬ ▬▬ ▬▬▬▬ ▬▬ ▬▬▬ ▬▬ ▬▬▬▬ ▬▬▬ ▬▬ ▬▬▬ ▬▬▬▬ ▬▬ ▬▬▬ ▬ ▬▬▬▬ ▬▬▬ ▬▬ ▬▬▬ ▬▬ ▬▬▬▬ ▬▬ ▬▬▬ ▬▬ ▬▬▬▬ ▬▬▬ ▬▬ ▬▬▬ ▬▬▬▬ ▬▬ ▬▬▬ ▬ ▬▬▬▬ ▬▬▬ ▬▬ ▬▬▬ ▬▬ ▬▬▬▬ ▬▬ ▬▬▬ ▬▬ ▬▬▬▬ ▬▬▬ ▬▬ ▬▬▬ ▬▬▬▬ ▬▬ ▬▬▬ ▬ ▬▬▬▬ ▬▬▬ ▬▬ ▬▬▬ ▬▬ ▬▬▬▬ ▬▬ ▬▬▬ ▬▬ ▬▬▬▬ ▬▬▬ ▬▬ ▬▬▬ ▬▬▬▬ ▬▬ ▬▬▬
Toko Sa Poe
▬▬ ▬▬▬ ▬▬ ▬▬▬▬ ▬▬ ▬▬▬ ▬ ▬▬▬▬ ▬▬ ▬▬▬ ▬▬ ▬▬▬▬ ▬▬▬ ▬▬ ▬▬▬ ▬▬▬▬ ▬▬ ▬▬▬ ▬ ▬▬▬▬ ▬▬▬ ▬▬ ▬▬▬ ▬▬ ▬▬▬▬ ▬▬ ▬▬▬ ▬▬ ▬▬▬▬ ▬▬▬ ▬▬ ▬▬▬ ▬▬▬▬ ▬▬ ▬▬▬ ▬ ▬▬▬▬ ▬▬▬ ▬▬ ▬▬▬ ▬▬ ▬▬▬▬ ▬▬ ▬▬▬ ▬▬ ▬▬▬▬ ▬▬▬ ▬▬ ▬▬▬ ▬▬▬▬ ▬▬ ▬▬▬ ▬ ▬▬▬▬ ▬▬▬ ▬▬ ▬▬▬ ▬▬ ▬▬▬▬ ▬▬ ▬▬▬ ▬▬ ▬▬▬▬ ▬▬▬ ▬▬ ▬▬▬ ▬▬▬▬ ▬▬ ▬▬▬ ▬ ▬▬▬▬ ▬▬▬ ▬▬ ▬▬▬ ▬▬ ▬▬▬▬ ▬▬ ▬▬▬ ▬▬ ▬▬▬▬ ▬▬▬ ▬▬ ▬▬▬ ▬▬▬▬ ▬▬ ▬▬▬ ▬ ▬▬▬▬ ▬▬▬ ▬▬ ▬▬▬ ▬▬ ▬▬▬▬ ▬▬ ▬▬▬ ▬▬ ▬▬▬▬ ▬▬▬ ▬▬ ▬▬▬ ▬▬▬▬ ▬▬ ▬▬▬ ▬ ▬▬▬▬ ▬▬▬ ▬▬ ▬▬▬ ▬▬ ▬▬▬▬ ▬▬ ▬▬▬ ▬▬ ▬▬▬▬ ▬▬▬ ▬▬ ▬▬▬ ▬▬▬▬ ▬▬ ▬▬▬ ▬ ▬▬▬▬ ▬▬▬ ▬▬ ▬▬▬ ▬▬ ▬▬▬▬ ▬▬ ▬▬▬ ▬▬ ▬▬▬▬ ▬▬▬ ▬▬ ▬▬▬ ▬▬▬▬ ▬▬ ▬▬▬ ▬ ▬▬▬▬ ▬▬▬ ▬▬ ▬▬▬ ▬▬ ▬▬▬▬ ▬▬ ▬▬▬ ▬▬ ▬▬▬▬ ▬▬▬ ▬▬ ▬▬▬ ▬▬▬▬ ▬▬ ▬▬▬ ▬ ▬▬▬▬ ▬▬▬ ▬▬ ▬▬▬ ▬▬ ▬▬▬▬ ▬▬ ▬▬▬ ▬▬ ▬▬▬▬ ▬▬▬ ▬▬ ▬▬▬ ▬▬▬▬ ▬▬ ▬▬▬ ▬ ▬▬▬▬ ▬▬▬ ▬▬ ▬▬▬ ▬▬ ▬▬▬▬ ▬▬ ▬▬▬ ▬▬ ▬▬▬▬ ▬▬▬ ▬▬ ▬▬▬ ▬▬▬▬ ▬▬ ▬▬▬ ▬ ▬▬▬▬ ▬▬▬ ▬▬ ▬▬▬ ▬▬ ▬▬▬▬ ▬▬ ▬▬▬ ▬▬ ▬▬▬▬ ▬▬▬ ▬▬ ▬▬▬ ▬▬▬▬ ▬▬ ▬▬▬ ▬ ▬▬▬▬ ▬▬▬ ▬▬ ▬▬▬ ▬▬ ▬▬▬▬ ▬▬ ▬▬▬ ▬▬ ▬▬▬▬ ▬▬▬ ▬▬ ▬▬▬ ▬▬▬▬ ▬▬ ▬▬▬ ▬ ▬▬▬▬ ▬▬▬ ▬▬ ▬▬▬ ▬▬ ▬▬▬▬ ▬▬ ▬▬▬ ▬▬ ▬▬▬▬ ▬▬▬ ▬▬ ▬▬▬ ▬▬▬▬ ▬▬ ▬▬▬ ▬ ▬▬▬▬ ▬▬▬ ▬▬ ▬▬▬ ▬▬ ▬▬▬▬ ▬▬ ▬▬▬ ▬▬ ▬▬▬▬ ▬▬▬ ▬▬ ▬▬▬ ▬▬▬▬ ▬▬ ▬▬▬
Pabrik "Lim Kee"
▬▬ ▬▬▬ ▬▬ ▬▬▬▬ ▬▬ ▬▬▬ ▬ ▬▬▬▬ ▬▬ ▬▬▬ ▬▬ ▬▬▬▬ ▬▬▬ ▬▬ ▬▬▬ ▬▬▬▬ ▬▬ ▬▬▬ ▬ ▬▬▬▬ ▬▬▬ ▬▬ ▬▬▬ ▬▬ ▬▬▬▬ ▬▬ ▬▬▬ ▬▬ ▬▬▬▬ ▬▬▬ ▬▬ ▬▬▬ ▬▬▬▬ ▬▬ ▬▬▬ ▬ ▬▬▬▬ ▬▬▬ ▬▬ ▬▬▬ ▬▬ ▬▬▬▬ ▬▬ ▬▬▬ ▬▬ ▬▬▬▬ ▬▬▬ ▬▬ ▬▬▬ ▬▬▬▬ ▬▬ ▬▬▬ ▬ ▬▬▬▬ ▬▬▬ ▬▬ ▬▬▬ ▬▬ ▬▬▬▬ ▬▬ ▬▬▬ ▬▬ ▬▬▬▬ ▬▬▬ ▬▬ ▬▬▬ ▬▬▬▬ ▬▬ ▬▬▬ ▬ ▬▬▬▬ ▬▬▬ ▬▬ ▬▬▬ ▬▬ ▬▬▬▬ ▬▬ ▬▬▬ ▬▬ ▬▬▬▬ ▬▬▬ ▬▬ ▬▬▬ ▬▬▬▬ ▬▬ ▬▬▬ ▬ ▬▬▬▬ ▬▬▬ ▬▬ ▬▬▬ ▬▬ ▬▬▬▬ ▬▬ ▬▬▬ ▬▬ ▬▬▬▬ ▬▬▬ ▬▬ ▬▬▬ ▬▬▬▬ ▬▬ ▬▬▬ ▬ ▬▬▬▬ ▬▬▬ ▬▬ ▬▬▬ ▬▬ ▬▬▬▬ ▬▬ ▬▬▬ ▬▬ ▬▬▬▬ ▬▬▬ ▬▬ ▬▬▬ ▬▬▬▬ ▬▬ ▬▬▬ ▬ ▬▬▬▬ ▬▬▬ ▬▬ ▬▬▬ ▬▬ ▬▬▬▬ ▬▬ ▬▬▬ ▬▬ ▬▬▬▬ ▬▬▬ ▬▬ ▬▬▬ ▬▬▬▬ ▬▬ ▬▬▬ ▬ ▬▬▬▬ ▬▬▬ ▬▬ ▬▬▬ ▬▬ ▬▬▬▬ ▬▬ ▬▬▬ ▬▬ ▬▬▬▬ ▬▬▬ ▬▬ ▬▬▬ ▬▬▬▬ ▬▬ ▬▬▬ ▬ ▬▬▬▬ ▬▬▬ ▬▬ ▬▬▬ ▬▬ ▬▬▬▬ ▬▬ ▬▬▬ ▬▬ ▬▬▬▬ ▬▬▬ ▬▬ ▬▬▬ ▬▬▬▬ ▬▬ ▬▬▬ ▬ ▬▬▬▬ ▬▬▬ ▬▬ ▬▬▬ ▬▬ ▬▬▬▬ ▬▬ ▬▬▬ ▬▬ ▬▬▬▬ ▬▬▬ ▬▬ ▬▬▬ ▬▬▬▬ ▬▬ ▬▬▬ ▬ ▬▬▬▬ ▬▬▬ ▬▬ ▬▬▬ ▬▬ ▬▬▬▬ ▬▬ ▬▬▬ ▬▬ ▬▬▬▬ ▬▬▬ ▬▬ ▬▬▬ ▬▬▬▬ ▬▬ ▬▬▬ ▬ ▬▬▬▬ ▬▬▬ ▬▬ ▬▬▬ ▬▬ ▬▬▬▬ ▬▬ ▬▬▬ ▬▬ ▬▬▬▬ ▬▬▬ ▬▬ ▬▬▬ ▬▬▬▬ ▬▬ ▬▬▬ ▬ ▬▬▬▬ ▬▬▬ ▬▬ ▬▬▬ ▬▬ ▬▬▬▬ ▬▬ ▬▬▬ ▬▬ ▬▬▬▬ ▬▬▬ ▬▬ ▬▬▬ ▬▬▬▬ ▬▬ ▬▬▬ ▬ ▬▬▬▬ ▬▬▬ ▬▬ ▬▬▬ ▬▬ ▬▬▬▬ ▬▬ ▬▬▬ ▬▬ ▬▬▬▬ ▬▬▬ ▬▬ ▬▬▬ ▬▬▬▬ ▬▬ ▬▬▬
Toko Payoeng
▬▬ ▬▬▬ ▬▬ ▬▬▬▬ ▬▬ ▬▬▬ ▬ ▬▬▬▬ ▬▬ ▬▬▬ ▬▬ ▬▬▬▬ ▬▬▬ ▬▬ ▬▬▬ ▬▬▬▬ ▬▬ ▬▬▬ ▬ ▬▬▬▬ ▬▬▬ ▬▬ ▬▬▬ ▬▬ ▬▬▬▬ ▬▬ ▬▬▬ ▬▬ ▬▬▬▬ ▬▬▬ ▬▬ ▬▬▬ ▬▬▬▬ ▬▬ ▬▬▬ ▬ ▬▬▬▬ ▬▬▬ ▬▬ ▬▬▬ ▬▬ ▬▬▬▬ ▬▬ ▬▬▬ ▬▬ ▬▬▬▬ ▬▬▬ ▬▬ ▬▬▬ ▬▬▬▬ ▬▬ ▬▬▬ ▬ ▬▬▬▬ ▬▬▬ ▬▬ ▬▬▬ ▬▬ ▬▬▬▬ ▬▬ ▬▬▬ ▬▬ ▬▬▬▬ ▬▬▬ ▬▬ ▬▬▬ ▬▬▬▬ ▬▬ ▬▬▬ ▬ ▬▬▬▬ ▬▬▬ ▬▬ ▬▬▬ ▬▬ ▬▬▬▬ ▬▬ ▬▬▬ ▬▬ ▬▬▬▬ ▬▬▬ ▬▬ ▬▬▬ ▬▬▬▬ ▬▬ ▬▬▬ ▬ ▬▬▬▬ ▬▬▬ ▬▬ ▬▬▬ ▬▬ ▬▬▬▬ ▬▬ ▬▬▬ ▬▬ ▬▬▬▬ ▬▬▬ ▬▬ ▬▬▬ ▬▬▬▬ ▬▬ ▬▬▬ ▬ ▬▬▬▬ ▬▬▬ ▬▬ ▬▬▬ ▬▬ ▬▬▬▬ ▬▬ ▬▬▬ ▬▬ ▬▬▬▬ ▬▬▬ ▬▬ ▬▬▬ ▬▬▬▬ ▬▬ ▬▬▬ ▬ ▬▬▬▬ ▬▬▬ ▬▬ ▬▬▬ ▬▬ ▬▬▬▬ ▬▬ ▬▬▬ ▬▬ ▬▬▬▬ ▬▬▬ ▬▬ ▬▬▬ ▬▬▬▬ ▬▬ ▬▬▬ ▬ ▬▬▬▬ ▬▬▬ ▬▬ ▬▬▬ ▬▬ ▬▬▬▬ ▬▬ ▬▬▬ ▬▬ ▬▬▬▬ ▬▬▬ ▬▬ ▬▬▬ ▬▬▬▬ ▬▬ ▬▬▬ ▬ ▬▬▬▬ ▬▬▬ ▬▬ ▬▬▬ ▬▬ ▬▬▬▬ ▬▬ ▬▬▬ ▬▬ ▬▬▬▬ ▬▬▬ ▬▬ ▬▬▬ ▬▬▬▬ ▬▬ ▬▬▬ ▬ ▬▬▬▬ ▬▬▬ ▬▬ ▬▬▬ ▬▬ ▬▬▬▬ ▬▬ ▬▬▬ ▬▬ ▬▬▬▬ ▬▬▬ ▬▬ ▬▬▬ ▬▬▬▬ ▬▬ ▬▬▬ ▬ ▬▬▬▬ ▬▬▬ ▬▬ ▬▬▬ ▬▬ ▬▬▬▬ ▬▬ ▬▬▬ ▬▬ ▬▬▬▬ ▬▬▬ ▬▬ ▬▬▬ ▬▬▬▬ ▬▬ ▬▬▬ ▬ ▬▬▬▬ ▬▬▬ ▬▬ ▬▬▬ ▬▬ ▬▬▬▬ ▬▬ ▬▬▬ ▬▬ ▬▬▬▬ ▬▬▬ ▬▬ ▬▬▬ ▬▬▬▬ ▬▬ ▬▬▬ ▬ ▬▬▬▬ ▬▬▬ ▬▬ ▬▬▬ ▬▬ ▬▬▬▬ ▬▬ ▬▬▬ ▬▬ ▬▬▬▬ ▬▬▬ ▬▬ ▬▬▬ ▬▬▬▬ ▬▬ ▬▬▬ ▬ ▬▬▬▬ ▬▬▬ ▬▬ ▬▬▬ ▬▬ ▬▬▬▬ ▬▬ ▬▬▬ ▬▬ ▬▬▬▬ ▬▬▬ ▬▬ ▬▬▬ ▬▬▬▬ ▬▬ ▬▬▬
DITJARI
▬▬ ▬▬▬ ▬▬ ▬▬▬▬ ▬▬ ▬▬▬ ▬ ▬▬▬▬ ▬▬ ▬▬▬ ▬▬ ▬▬▬▬ ▬▬▬ ▬▬ ▬▬▬ ▬▬▬▬ ▬▬ ▬▬▬ ▬ ▬▬▬▬ ▬▬▬ ▬▬ ▬▬▬ ▬▬ ▬▬▬▬ ▬▬ ▬▬▬ ▬▬ ▬▬▬▬ ▬▬▬ ▬▬ ▬▬▬ ▬▬▬▬ ▬▬ ▬▬▬ ▬ ▬▬▬▬ ▬▬▬ ▬▬ ▬▬▬ ▬▬ ▬▬▬▬ ▬▬ ▬▬▬ ▬▬ ▬▬▬▬ ▬▬▬ ▬▬ ▬▬▬ ▬▬▬▬ ▬▬ ▬▬▬ ▬ ▬▬▬▬ ▬▬▬ ▬▬ ▬▬▬ ▬▬ ▬▬▬▬ ▬▬ ▬▬▬ ▬▬ ▬▬▬▬ ▬▬▬ ▬▬ ▬▬▬ ▬▬▬▬ ▬▬ ▬▬▬ ▬ ▬▬▬▬ ▬▬▬ ▬▬ ▬▬▬ ▬▬ ▬▬▬▬ ▬▬ ▬▬▬ ▬▬ ▬▬▬▬ ▬▬▬ ▬▬ ▬▬▬ ▬▬▬▬ ▬▬ ▬▬▬ ▬ ▬▬▬▬ ▬▬▬ ▬▬ ▬▬▬ ▬▬ ▬▬▬▬ ▬▬ ▬▬▬ ▬▬ ▬▬▬▬ ▬▬▬ ▬▬ ▬▬▬ ▬▬▬▬ ▬▬ ▬▬▬ ▬ ▬▬▬▬ ▬▬▬ ▬▬ ▬▬▬ ▬▬ ▬▬▬▬ ▬▬ ▬▬▬ ▬▬ ▬▬▬▬ ▬▬▬ ▬▬ ▬▬▬ ▬▬▬▬ ▬▬ ▬▬▬ ▬ ▬▬▬▬ ▬▬▬ ▬▬ ▬▬▬ ▬▬ ▬▬▬▬ ▬▬ ▬▬▬ ▬▬ ▬▬▬▬ ▬▬▬ ▬▬ ▬▬▬ ▬▬▬▬ ▬▬ ▬▬▬ ▬ ▬▬▬▬ ▬▬▬ ▬▬ ▬▬▬ ▬▬ ▬▬▬▬ ▬▬ ▬▬▬ ▬▬ ▬▬▬▬ ▬▬▬ ▬▬ ▬▬▬ ▬▬▬▬ ▬▬ ▬▬▬ ▬ ▬▬▬▬ ▬▬▬ ▬▬ ▬▬▬ ▬▬ ▬▬▬▬ ▬▬ ▬▬▬ ▬▬ ▬▬▬▬ ▬▬▬ ▬▬ ▬▬▬ ▬▬▬▬ ▬▬ ▬▬▬ ▬ ▬▬▬▬ ▬▬▬ ▬▬ ▬▬▬ ▬▬ ▬▬▬▬ ▬▬ ▬▬▬ ▬▬ ▬▬▬▬ ▬▬▬ ▬▬ ▬▬▬ ▬▬▬▬ ▬▬ ▬▬▬ ▬ ▬▬▬▬ ▬▬▬ ▬▬ ▬▬▬ ▬▬ ▬▬▬▬ ▬▬ ▬▬▬ ▬▬ ▬▬▬▬ ▬▬▬ ▬▬ ▬▬▬ ▬▬▬▬ ▬▬ ▬▬▬ ▬ ▬▬▬▬ ▬▬▬ ▬▬ ▬▬▬ ▬▬ ▬▬▬▬ ▬▬ ▬▬▬ ▬▬ ▬▬▬▬ ▬▬▬ ▬▬ ▬▬▬ ▬▬▬▬ ▬▬ ▬▬▬ ▬ ▬▬▬▬ ▬▬▬ ▬▬ ▬▬▬ ▬▬ ▬▬▬▬ ▬▬ ▬▬▬ ▬▬ ▬▬▬▬ ▬▬▬ ▬▬ ▬▬▬ ▬▬▬▬ ▬▬ ▬▬▬ ▬ ▬▬▬▬ ▬▬▬ ▬▬ ▬▬▬ ▬▬ ▬▬▬▬ ▬▬ ▬▬▬ ▬▬ ▬▬▬▬ ▬▬▬ ▬▬ ▬▬▬ ▬▬▬▬ ▬▬ ▬▬▬
Toko Kembang "HELIOTROPE"
▬▬ ▬▬▬ ▬▬ ▬▬▬▬ ▬▬ ▬▬▬ ▬ ▬▬▬▬ ▬▬ ▬▬▬ ▬▬ ▬▬▬▬ ▬▬▬ ▬▬ ▬▬▬ ▬▬▬▬ ▬▬ ▬▬▬ ▬ ▬▬▬▬ ▬▬▬ ▬▬ ▬▬▬ ▬▬ ▬▬▬▬ ▬▬ ▬▬▬ ▬▬ ▬▬▬▬ ▬▬▬ ▬▬ ▬▬▬ ▬▬▬▬ ▬▬ ▬▬▬ ▬ ▬▬▬▬ ▬▬▬ ▬▬ ▬▬▬ ▬▬ ▬▬▬▬ ▬▬ ▬▬▬ ▬▬ ▬▬▬▬ ▬▬▬ ▬▬ ▬▬▬ ▬▬▬▬ ▬▬ ▬▬▬ ▬ ▬▬▬▬ ▬▬▬ ▬▬ ▬▬▬ ▬▬ ▬▬▬▬ ▬▬ ▬▬▬ ▬▬ ▬▬▬▬ ▬▬▬ ▬▬ ▬▬▬ ▬▬▬▬ ▬▬ ▬▬▬ ▬ ▬▬▬▬ ▬▬▬ ▬▬ ▬▬▬ ▬▬ ▬▬▬▬ ▬▬ ▬▬▬ ▬▬ ▬▬▬▬ ▬▬▬ ▬▬ ▬▬▬ ▬▬▬▬ ▬▬ ▬▬▬ ▬ ▬▬▬▬ ▬▬▬ ▬▬ ▬▬▬ ▬▬ ▬▬▬▬ ▬▬ ▬▬▬ ▬▬ ▬▬▬▬ ▬▬▬ ▬▬ ▬▬▬ ▬▬▬▬ ▬▬ ▬▬▬ ▬ ▬▬▬▬ ▬▬▬ ▬▬ ▬▬▬ ▬▬ ▬▬▬▬ ▬▬ ▬▬▬ ▬▬ ▬▬▬▬ ▬▬▬ ▬▬ ▬▬▬ ▬▬▬▬ ▬▬ ▬▬▬ ▬ ▬▬▬▬ ▬▬▬ ▬▬ ▬▬▬ ▬▬ ▬▬▬▬ ▬▬ ▬▬▬ ▬▬ ▬▬▬▬ ▬▬▬ ▬▬ ▬▬▬ ▬▬▬▬ ▬▬ ▬▬▬ ▬ ▬▬▬▬ ▬▬▬ ▬▬ ▬▬▬ ▬▬ ▬▬▬▬ ▬▬ ▬▬▬ ▬▬ ▬▬▬▬ ▬▬▬ ▬▬ ▬▬▬ ▬▬▬▬ ▬▬ ▬▬▬ ▬ ▬▬▬▬ ▬▬▬ ▬▬ ▬▬▬ ▬▬ ▬▬▬▬ ▬▬ ▬▬▬ ▬▬ ▬▬▬▬ ▬▬▬ ▬▬ ▬▬▬ ▬▬▬▬ ▬▬ ▬▬▬ ▬ ▬▬▬▬ ▬▬▬ ▬▬ ▬▬▬ ▬▬ ▬▬▬▬ ▬▬ ▬▬▬ ▬▬ ▬▬▬▬ ▬▬▬ ▬▬ ▬▬▬ ▬▬▬▬ ▬▬ ▬▬▬ ▬ ▬▬▬▬ ▬▬▬ ▬▬ ▬▬▬ ▬▬ ▬▬▬▬ ▬▬ ▬▬▬ ▬▬ ▬▬▬▬ ▬▬▬ ▬▬ ▬▬▬ ▬▬▬▬ ▬▬ ▬▬▬ ▬ ▬▬▬▬ ▬▬▬ ▬▬ ▬▬▬ ▬▬ ▬▬▬▬ ▬▬ ▬▬▬ ▬▬ ▬▬▬▬ ▬▬▬ ▬▬ ▬▬▬ ▬▬▬▬ ▬▬ ▬▬▬ ▬ ▬▬▬▬ ▬▬▬ ▬▬ ▬▬▬ ▬▬ ▬▬▬▬ ▬▬ ▬▬▬ ▬▬ ▬▬▬▬ ▬▬▬ ▬▬ ▬▬▬ ▬▬▬▬ ▬▬ ▬▬▬ ▬ ▬▬▬▬ ▬▬▬ ▬▬ ▬▬▬ ▬▬ ▬▬▬▬ ▬▬ ▬▬▬ ▬▬ ▬▬▬▬ ▬▬▬ ▬▬ ▬▬▬ ▬▬▬▬ ▬▬ ▬▬▬
Helger Lyin
Toko Belanda
▬▬ ▬▬▬ ▬▬ ▬▬▬▬ ▬▬ ▬▬▬ ▬ ▬▬▬▬ ▬▬ ▬▬▬ ▬▬ ▬▬▬▬ ▬▬▬ ▬▬ ▬▬▬ ▬▬▬▬ ▬▬ ▬▬▬ ▬ ▬▬▬▬ ▬▬▬ ▬▬ ▬▬▬ ▬▬ ▬▬▬▬ ▬▬ ▬▬▬ ▬▬ ▬▬▬▬ ▬▬▬ ▬▬ ▬▬▬ ▬▬▬▬ ▬▬ ▬▬▬ ▬ ▬▬▬▬ ▬▬▬ ▬▬ ▬▬▬ ▬▬ ▬▬▬▬ ▬▬ ▬▬▬ ▬▬ ▬▬▬▬ ▬▬▬ ▬▬ ▬▬▬ ▬▬▬▬ ▬▬ ▬▬▬ ▬ ▬▬▬▬ ▬▬▬ ▬▬ ▬▬▬ ▬▬ ▬▬▬▬ ▬▬ ▬▬▬ ▬▬ ▬▬▬▬ ▬▬▬ ▬▬ ▬▬▬ ▬▬▬▬ ▬▬ ▬▬▬ ▬ ▬▬▬▬ ▬▬▬ ▬▬ ▬▬▬ ▬▬ ▬▬▬▬ ▬▬ ▬▬▬ ▬▬ ▬▬▬▬ ▬▬▬ ▬▬ ▬▬▬ ▬▬▬▬ ▬▬ ▬▬▬ ▬ ▬▬▬▬ ▬▬▬ ▬▬ ▬▬▬ ▬▬ ▬▬▬▬ ▬▬ ▬▬▬ ▬▬ ▬▬▬▬ ▬▬▬ ▬▬ ▬▬▬ ▬▬▬▬ ▬▬ ▬▬▬ ▬ ▬▬▬▬ ▬▬▬ ▬▬ ▬▬▬ ▬▬ ▬▬▬▬ ▬▬ ▬▬▬ ▬▬ ▬▬▬▬ ▬▬▬ ▬▬ ▬▬▬ ▬▬▬▬ ▬▬ ▬▬▬ ▬ ▬▬▬▬ ▬▬▬ ▬▬ ▬▬▬ ▬▬ ▬▬▬▬ ▬▬ ▬▬▬ ▬▬ ▬▬▬▬ ▬▬▬ ▬▬ ▬▬▬ ▬▬▬▬ ▬▬ ▬▬▬ ▬ ▬▬▬▬ ▬▬▬ ▬▬ ▬▬▬ ▬▬ ▬▬▬▬ ▬▬ ▬▬▬ ▬▬ ▬▬▬▬ ▬▬▬ ▬▬ ▬▬▬ ▬▬▬▬ ▬▬ ▬▬▬ ▬ ▬▬▬▬ ▬▬▬ ▬▬ ▬▬▬ ▬▬ ▬▬▬▬ ▬▬ ▬▬▬ ▬▬ ▬▬▬▬ ▬▬▬ ▬▬ ▬▬▬ ▬▬▬▬ ▬▬ ▬▬▬ ▬ ▬▬▬▬ ▬▬▬ ▬▬ ▬▬▬ ▬▬ ▬▬▬▬ ▬▬ ▬▬▬ ▬▬ ▬▬▬▬ ▬▬▬ ▬▬ ▬▬▬ ▬▬▬▬ ▬▬ ▬▬▬ ▬ ▬▬▬▬ ▬▬▬ ▬▬ ▬▬▬ ▬▬ ▬▬▬▬ ▬▬ ▬▬▬ ▬▬ ▬▬▬▬ ▬▬▬ ▬▬ ▬▬▬ ▬▬▬▬ ▬▬ ▬▬▬ ▬ ▬▬▬▬ ▬▬▬ ▬▬ ▬▬▬ ▬▬ ▬▬▬▬ ▬▬ ▬▬▬ ▬▬ ▬▬▬▬ ▬▬▬ ▬▬ ▬▬▬ ▬▬▬▬ ▬▬ ▬▬▬ ▬ ▬▬▬▬ ▬▬▬ ▬▬ ▬▬▬ ▬▬ ▬▬▬▬ ▬▬ ▬▬▬ ▬▬ ▬▬▬▬ ▬▬▬ ▬▬ ▬▬▬ ▬▬▬▬ ▬▬ ▬▬▬ ▬ ▬▬▬▬ ▬▬▬ ▬▬ ▬▬▬ ▬▬ ▬▬▬▬ ▬▬ ▬▬▬ ▬▬ ▬▬▬▬ ▬▬▬ ▬▬ ▬▬▬ ▬▬▬▬ ▬▬ ▬▬▬
HEMD
▬▬ ▬▬▬ ▬▬ ▬▬▬▬ ▬▬ ▬▬▬ ▬ ▬▬▬▬ ▬▬ ▬▬▬ ▬▬ ▬▬▬▬ ▬▬▬ ▬▬ ▬▬▬ ▬▬▬▬ ▬▬ ▬▬▬ ▬ ▬▬▬▬ ▬▬▬ ▬▬ ▬▬▬ ▬▬ ▬▬▬▬ ▬▬ ▬▬▬ ▬▬ ▬▬▬▬ ▬▬▬ ▬▬ ▬▬▬ ▬▬▬▬ ▬▬ ▬▬▬ ▬ ▬▬▬▬ ▬▬▬ ▬▬ ▬▬▬ ▬▬ ▬▬▬▬ ▬▬ ▬▬▬ ▬▬ ▬▬▬▬ ▬▬▬ ▬▬ ▬▬▬ ▬▬▬▬ ▬▬ ▬▬▬ ▬ ▬▬▬▬ ▬▬▬ ▬▬ ▬▬▬ ▬▬ ▬▬▬▬ ▬▬ ▬▬▬ ▬▬ ▬▬▬▬ ▬▬▬ ▬▬ ▬▬▬ ▬▬▬▬ ▬▬ ▬▬▬ ▬ ▬▬▬▬ ▬▬▬ ▬▬ ▬▬▬ ▬▬ ▬▬▬▬ ▬▬ ▬▬▬ ▬▬ ▬▬▬▬ ▬▬▬ ▬▬ ▬▬▬ ▬▬▬▬ ▬▬ ▬▬▬ ▬ ▬▬▬▬ ▬▬▬ ▬▬ ▬▬▬ ▬▬ ▬▬▬▬ ▬▬ ▬▬▬ ▬▬ ▬▬▬▬ ▬▬▬ ▬▬ ▬▬▬ ▬▬▬▬ ▬▬ ▬▬▬ ▬ ▬▬▬▬ ▬▬▬ ▬▬ ▬▬▬ ▬▬ ▬▬▬▬ ▬▬ ▬▬▬ ▬▬ ▬▬▬▬ ▬▬▬ ▬▬ ▬▬▬ ▬▬▬▬ ▬▬ ▬▬▬ ▬ ▬▬▬▬ ▬▬▬ ▬▬ ▬▬▬ ▬▬ ▬▬▬▬ ▬▬ ▬▬▬ ▬▬ ▬▬▬▬ ▬▬▬ ▬▬ ▬▬▬ ▬▬▬▬ ▬▬ ▬▬▬ ▬ ▬▬▬▬ ▬▬▬ ▬▬ ▬▬▬ ▬▬ ▬▬▬▬ ▬▬ ▬▬▬ ▬▬ ▬▬▬▬ ▬▬▬ ▬▬ ▬▬▬ ▬▬▬▬ ▬▬ ▬▬▬ ▬ ▬▬▬▬ ▬▬▬ ▬▬ ▬▬▬ ▬▬ ▬▬▬▬ ▬▬ ▬▬▬ ▬▬ ▬▬▬▬ ▬▬▬ ▬▬ ▬▬▬ ▬▬▬▬ ▬▬ ▬▬▬ ▬ ▬▬▬▬ ▬▬▬ ▬▬ ▬▬▬ ▬▬ ▬▬▬▬ ▬▬ ▬▬▬ ▬▬ ▬▬▬▬ ▬▬▬ ▬▬ ▬▬▬ ▬▬▬▬ ▬▬ ▬▬▬ ▬ ▬▬▬▬ ▬▬▬ ▬▬ ▬▬▬ ▬▬ ▬▬▬▬ ▬▬ ▬▬▬ ▬▬ ▬▬▬▬ ▬▬▬ ▬▬ ▬▬▬ ▬▬▬▬ ▬▬ ▬▬▬ ▬ ▬▬▬▬ ▬▬▬ ▬▬ ▬▬▬ ▬▬ ▬▬▬▬ ▬▬ ▬▬▬ ▬▬ ▬▬▬▬ ▬▬▬ ▬▬ ▬▬▬ ▬▬▬▬ ▬▬ ▬▬▬ ▬ ▬▬▬▬ ▬▬▬ ▬▬ ▬▬▬ ▬▬ ▬▬▬▬ ▬▬ ▬▬▬ ▬▬ ▬▬▬▬ ▬▬▬ ▬▬ ▬▬▬ ▬▬▬▬ ▬▬ ▬▬▬ ▬ ▬▬▬▬ ▬▬▬ ▬▬ ▬▬▬ ▬▬ ▬▬▬▬ ▬▬ ▬▬▬ ▬▬ ▬▬▬▬ ▬▬▬ ▬▬ ▬▬▬ ▬▬▬▬ ▬▬ ▬▬▬
Ratoe Asia
▬▬ ▬▬▬ ▬▬ ▬▬▬▬ ▬▬ ▬▬▬ ▬ ▬▬▬▬ ▬▬ ▬▬▬ ▬▬ ▬▬▬▬ ▬▬▬ ▬▬ ▬▬▬ ▬▬▬▬ ▬▬ ▬▬▬ ▬ ▬▬▬▬ ▬▬▬ ▬▬ ▬▬▬ ▬▬ ▬▬▬▬ ▬▬ ▬▬▬ ▬▬ ▬▬▬▬ ▬▬▬ ▬▬ ▬▬▬ ▬▬▬▬ ▬▬ ▬▬▬ ▬ ▬▬▬▬ ▬▬▬ ▬▬ ▬▬▬ ▬▬ ▬▬▬▬ ▬▬ ▬▬▬ ▬▬ ▬▬▬▬ ▬▬▬ ▬▬ ▬▬▬ ▬▬▬▬ ▬▬ ▬▬▬ ▬ ▬▬▬▬ ▬▬▬ ▬▬ ▬▬▬ ▬▬ ▬▬▬▬ ▬▬ ▬▬▬ ▬▬ ▬▬▬▬ ▬▬▬ ▬▬ ▬▬▬ ▬▬▬▬ ▬▬ ▬▬▬ ▬ ▬▬▬▬ ▬▬▬ ▬▬ ▬▬▬ ▬▬ ▬▬▬▬ ▬▬ ▬▬▬ ▬▬ ▬▬▬▬ ▬▬▬ ▬▬ ▬▬▬ ▬▬▬▬ ▬▬ ▬▬▬ ▬ ▬▬▬▬ ▬▬▬ ▬▬ ▬▬▬ ▬▬ ▬▬▬▬ ▬▬ ▬▬▬ ▬▬ ▬▬▬▬ ▬▬▬ ▬▬ ▬▬▬ ▬▬▬▬ ▬▬ ▬▬▬ ▬ ▬▬▬▬ ▬▬▬ ▬▬ ▬▬▬ ▬▬ ▬▬▬▬ ▬▬ ▬▬▬ ▬▬ ▬▬▬▬ ▬▬▬ ▬▬ ▬▬▬ ▬▬▬▬ ▬▬ ▬▬▬ ▬ ▬▬▬▬ ▬▬▬ ▬▬ ▬▬▬ ▬▬ ▬▬▬▬ ▬▬ ▬▬▬ ▬▬ ▬▬▬▬ ▬▬▬ ▬▬ ▬▬▬ ▬▬▬▬ ▬▬ ▬▬▬ ▬ ▬▬▬▬ ▬▬▬ ▬▬ ▬▬▬ ▬▬ ▬▬▬▬ ▬▬ ▬▬▬ ▬▬ ▬▬▬▬ ▬▬▬ ▬▬ ▬▬▬ ▬▬▬▬ ▬▬ ▬▬▬ ▬ ▬▬▬▬ ▬▬▬ ▬▬ ▬▬▬ ▬▬ ▬▬▬▬ ▬▬ ▬▬▬ ▬▬ ▬▬▬▬ ▬▬▬ ▬▬ ▬▬▬ ▬▬▬▬ ▬▬ ▬▬▬ ▬ ▬▬▬▬ ▬▬▬ ▬▬ ▬▬▬ ▬▬ ▬▬▬▬ ▬▬ ▬▬▬ ▬▬ ▬▬▬▬ ▬▬▬ ▬▬ ▬▬▬ ▬▬▬▬ ▬▬ ▬▬▬ ▬ ▬▬▬▬ ▬▬▬ ▬▬ ▬▬▬ ▬▬ ▬▬▬▬ ▬▬ ▬▬▬ ▬▬ ▬▬▬▬ ▬▬▬ ▬▬ ▬▬▬ ▬▬▬▬ ▬▬ ▬▬▬ ▬ ▬▬▬▬ ▬▬▬ ▬▬ ▬▬▬ ▬▬ ▬▬▬▬ ▬▬ ▬▬▬ ▬▬ ▬▬▬▬ ▬▬▬ ▬▬ ▬▬▬ ▬▬▬▬ ▬▬ ▬▬▬ ▬ ▬▬▬▬ ▬▬▬ ▬▬ ▬▬▬ ▬▬ ▬▬▬▬ ▬▬ ▬▬▬ ▬▬ ▬▬▬▬ ▬▬▬ ▬▬ ▬▬▬ ▬▬▬▬ ▬▬ ▬▬▬ ▬ ▬▬▬▬ ▬▬▬ ▬▬ ▬▬▬ ▬▬ ▬▬▬▬ ▬▬ ▬▬▬ ▬▬ ▬▬▬▬ ▬▬▬ ▬▬ ▬▬▬ ▬▬▬▬ ▬▬ ▬▬▬
Roti Merk "BOENGA MAWAR"
▬▬ ▬▬▬ ▬▬ ▬▬▬▬ ▬▬ ▬▬▬ ▬ ▬▬▬▬ ▬▬ ▬▬▬ ▬▬ ▬▬▬▬ ▬▬▬ ▬▬ ▬▬▬ ▬▬▬▬ ▬▬ ▬▬▬ ▬ ▬▬▬▬ ▬▬▬ ▬▬ ▬▬▬ ▬▬ ▬▬▬▬ ▬▬ ▬▬▬ ▬▬ ▬▬▬▬ ▬▬▬ ▬▬ ▬▬▬ ▬▬▬▬ ▬▬ ▬▬▬ ▬ ▬▬▬▬ ▬▬▬ ▬▬ ▬▬▬ ▬▬ ▬▬▬▬ ▬▬ ▬▬▬ ▬▬ ▬▬▬▬ ▬▬▬ ▬▬ ▬▬▬ ▬▬▬▬ ▬▬ ▬▬▬ ▬ ▬▬▬▬ ▬▬▬ ▬▬ ▬▬▬ ▬▬ ▬▬▬▬ ▬▬ ▬▬▬ ▬▬ ▬▬▬▬ ▬▬▬ ▬▬ ▬▬▬ ▬▬▬▬ ▬▬ ▬▬▬ ▬ ▬▬▬▬ ▬▬▬ ▬▬ ▬▬▬ ▬▬ ▬▬▬▬ ▬▬ ▬▬▬ ▬▬ ▬▬▬▬ ▬▬▬ ▬▬ ▬▬▬ ▬▬▬▬ ▬▬ ▬▬▬ ▬ ▬▬▬▬ ▬▬▬ ▬▬ ▬▬▬ ▬▬ ▬▬▬▬ ▬▬ ▬▬▬ ▬▬ ▬▬▬▬ ▬▬▬ ▬▬ ▬▬▬ ▬▬▬▬ ▬▬ ▬▬▬ ▬ ▬▬▬▬ ▬▬▬ ▬▬ ▬▬▬ ▬▬ ▬▬▬▬ ▬▬ ▬▬▬ ▬▬ ▬▬▬▬ ▬▬▬ ▬▬ ▬▬▬ ▬▬▬▬ ▬▬ ▬▬▬ ▬ ▬▬▬▬ ▬▬▬ ▬▬ ▬▬▬ ▬▬ ▬▬▬▬ ▬▬ ▬▬▬ ▬▬ ▬▬▬▬ ▬▬▬ ▬▬ ▬▬▬ ▬▬▬▬ ▬▬ ▬▬▬ ▬ ▬▬▬▬ ▬▬▬ ▬▬ ▬▬▬ ▬▬ ▬▬▬▬ ▬▬ ▬▬▬ ▬▬ ▬▬▬▬ ▬▬▬ ▬▬ ▬▬▬ ▬▬▬▬ ▬▬ ▬▬▬ ▬ ▬▬▬▬ ▬▬▬ ▬▬ ▬▬▬ ▬▬ ▬▬▬▬ ▬▬ ▬▬▬ ▬▬ ▬▬▬▬ ▬▬▬ ▬▬ ▬▬▬ ▬▬▬▬ ▬▬ ▬▬▬ ▬ ▬▬▬▬ ▬▬▬ ▬▬ ▬▬▬ ▬▬ ▬▬▬▬ ▬▬ ▬▬▬ ▬▬ ▬▬▬▬ ▬▬▬ ▬▬ ▬▬▬ ▬▬▬▬ ▬▬ ▬▬▬ ▬ ▬▬▬▬ ▬▬▬ ▬▬ ▬▬▬ ▬▬ ▬▬▬▬ ▬▬ ▬▬▬ ▬▬ ▬▬▬▬ ▬▬▬ ▬▬ ▬▬▬ ▬▬▬▬ ▬▬ ▬▬▬ ▬ ▬▬▬▬ ▬▬▬ ▬▬ ▬▬▬ ▬▬ ▬▬▬▬ ▬▬ ▬▬▬ ▬▬ ▬▬▬▬ ▬▬▬ ▬▬ ▬▬▬ ▬▬▬▬ ▬▬ ▬▬▬ ▬ ▬▬▬▬ ▬▬▬ ▬▬ ▬▬▬ ▬▬ ▬▬▬▬ ▬▬ ▬▬▬ ▬▬ ▬▬▬▬ ▬▬▬ ▬▬ ▬▬▬ ▬▬▬▬ ▬▬ ▬▬▬ ▬ ▬▬▬▬ ▬▬▬ ▬▬ ▬▬▬ ▬▬ ▬▬▬▬ ▬▬ ▬▬▬ ▬▬ ▬▬▬▬ ▬▬▬ ▬▬ ▬▬▬ ▬▬▬▬ ▬▬ ▬▬▬
A
Tjerah
▬▬ ▬▬▬ ▬▬ ▬▬▬▬ ▬▬ ▬▬▬ ▬ ▬▬▬▬ ▬▬ ▬▬▬ ▬▬ ▬▬▬▬ ▬▬▬ ▬▬ ▬▬▬ ▬▬▬▬ ▬▬ ▬▬▬ ▬ ▬▬▬▬ ▬▬▬ ▬▬ ▬▬▬ ▬▬ ▬▬▬▬ ▬▬ ▬▬▬ ▬▬ ▬▬▬▬ ▬▬▬ ▬▬ ▬▬▬ ▬▬▬▬ ▬▬ ▬▬▬ ▬ ▬▬▬▬ ▬▬▬ ▬▬ ▬▬▬ ▬▬ ▬▬▬▬ ▬▬ ▬▬▬ ▬▬ ▬▬▬▬ ▬▬▬ ▬▬ ▬▬▬ ▬▬▬▬ ▬▬ ▬▬▬ ▬ ▬▬▬▬ ▬▬▬ ▬▬ ▬▬▬ ▬▬ ▬▬▬▬ ▬▬ ▬▬▬ ▬▬ ▬▬▬▬ ▬▬▬ ▬▬ ▬▬▬ ▬▬▬▬ ▬▬ ▬▬▬ ▬ ▬▬▬▬ ▬▬▬ ▬▬ ▬▬▬ ▬▬ ▬▬▬▬ ▬▬ ▬▬▬ ▬▬ ▬▬▬▬ ▬▬▬ ▬▬ ▬▬▬ ▬▬▬▬ ▬▬ ▬▬▬ ▬ ▬▬▬▬ ▬▬▬ ▬▬ ▬▬▬ ▬▬ ▬▬▬▬ ▬▬ ▬▬▬ ▬▬ ▬▬▬▬ ▬▬▬ ▬▬ ▬▬▬ ▬▬▬▬ ▬▬ ▬▬▬ ▬ ▬▬▬▬ ▬▬▬ ▬▬ ▬▬▬ ▬▬ ▬▬▬▬ ▬▬ ▬▬▬ ▬▬ ▬▬▬▬ ▬▬▬ ▬▬ ▬▬▬ ▬▬▬▬ ▬▬ ▬▬▬ ▬ ▬▬▬▬ ▬▬▬ ▬▬ ▬▬▬ ▬▬ ▬▬▬▬ ▬▬ ▬▬▬ ▬▬ ▬▬▬▬ ▬▬▬ ▬▬ ▬▬▬ ▬▬▬▬ ▬▬ ▬▬▬ ▬ ▬▬▬▬ ▬▬▬ ▬▬ ▬▬▬ ▬▬ ▬▬▬▬ ▬▬ ▬▬▬ ▬▬ ▬▬▬▬ ▬▬▬ ▬▬ ▬▬▬ ▬▬▬▬ ▬▬ ▬▬▬ ▬ ▬▬▬▬ ▬▬▬ ▬▬ ▬▬▬ ▬▬ ▬▬▬▬ ▬▬ ▬▬▬ ▬▬ ▬▬▬▬ ▬▬▬ ▬▬ ▬▬▬ ▬▬▬▬ ▬▬ ▬▬▬ ▬ ▬▬▬▬ ▬▬▬ ▬▬ ▬▬▬ ▬▬ ▬▬▬▬ ▬▬ ▬▬▬ ▬▬ ▬▬▬▬ ▬▬▬ ▬▬ ▬▬▬ ▬▬▬▬ ▬▬ ▬▬▬ ▬ ▬▬▬▬ ▬▬▬ ▬▬ ▬▬▬ ▬▬ ▬▬▬▬ ▬▬ ▬▬▬ ▬▬ ▬▬▬▬ ▬▬▬ ▬▬ ▬▬▬ ▬▬▬▬ ▬▬ ▬▬▬ ▬ ▬▬▬▬ ▬▬▬ ▬▬ ▬▬▬ ▬▬ ▬▬▬▬ ▬▬ ▬▬▬ ▬▬ ▬▬▬▬ ▬▬▬ ▬▬ ▬▬▬ ▬▬▬▬ ▬▬ ▬▬▬ ▬ ▬▬▬▬ ▬▬▬ ▬▬ ▬▬▬ ▬▬ ▬▬▬▬ ▬▬ ▬▬▬ ▬▬ ▬▬▬▬ ▬▬▬ ▬▬ ▬▬▬ ▬▬▬▬ ▬▬ ▬▬▬ ▬ ▬▬▬▬ ▬▬▬ ▬▬ ▬▬▬ ▬▬ ▬▬▬▬ ▬▬ ▬▬▬ ▬▬ ▬▬▬▬ ▬▬▬ ▬▬ ▬▬▬ ▬▬▬▬ ▬▬ ▬▬▬
Tahir
▬▬ ▬▬▬ ▬▬ ▬▬▬▬ ▬▬ ▬▬▬ ▬ ▬▬▬▬ ▬▬ ▬▬▬ ▬▬ ▬▬▬▬ ▬▬▬ ▬▬ ▬▬▬ ▬▬▬▬ ▬▬ ▬▬▬ ▬ ▬▬▬▬ ▬▬▬ ▬▬ ▬▬▬ ▬▬ ▬▬▬▬ ▬▬ ▬▬▬ ▬▬ ▬▬▬▬ ▬▬▬ ▬▬ ▬▬▬ ▬▬▬▬ ▬▬ ▬▬▬ ▬ ▬▬▬▬ ▬▬▬ ▬▬ ▬▬▬ ▬▬ ▬▬▬▬ ▬▬ ▬▬▬ ▬▬ ▬▬▬▬ ▬▬▬ ▬▬ ▬▬▬ ▬▬▬▬ ▬▬ ▬▬▬ ▬ ▬▬▬▬ ▬▬▬ ▬▬ ▬▬▬ ▬▬ ▬▬▬▬ ▬▬ ▬▬▬ ▬▬ ▬▬▬▬ ▬▬▬ ▬▬ ▬▬▬ ▬▬▬▬ ▬▬ ▬▬▬ ▬ ▬▬▬▬ ▬▬▬ ▬▬ ▬▬▬ ▬▬ ▬▬▬▬ ▬▬ ▬▬▬ ▬▬ ▬▬▬▬ ▬▬▬ ▬▬ ▬▬▬ ▬▬▬▬ ▬▬ ▬▬▬ ▬ ▬▬▬▬ ▬▬▬ ▬▬ ▬▬▬ ▬▬ ▬▬▬▬ ▬▬ ▬▬▬ ▬▬ ▬▬▬▬ ▬▬▬ ▬▬ ▬▬▬ ▬▬▬▬ ▬▬ ▬▬▬ ▬ ▬▬▬▬ ▬▬▬ ▬▬ ▬▬▬ ▬▬ ▬▬▬▬ ▬▬ ▬▬▬ ▬▬ ▬▬▬▬ ▬▬▬ ▬▬ ▬▬▬ ▬▬▬▬ ▬▬ ▬▬▬ ▬ ▬▬▬▬ ▬▬▬ ▬▬ ▬▬▬ ▬▬ ▬▬▬▬ ▬▬ ▬▬▬ ▬▬ ▬▬▬▬ ▬▬▬ ▬▬ ▬▬▬ ▬▬▬▬ ▬▬ ▬▬▬ ▬ ▬▬▬▬ ▬▬▬ ▬▬ ▬▬▬ ▬▬ ▬▬▬▬ ▬▬ ▬▬▬ ▬▬ ▬▬▬▬ ▬▬▬ ▬▬ ▬▬▬ ▬▬▬▬ ▬▬ ▬▬▬ ▬ ▬▬▬▬ ▬▬▬ ▬▬ ▬▬▬ ▬▬ ▬▬▬▬ ▬▬ ▬▬▬ ▬▬ ▬▬▬▬ ▬▬▬ ▬▬ ▬▬▬ ▬▬▬▬ ▬▬ ▬▬▬ ▬ ▬▬▬▬ ▬▬▬ ▬▬ ▬▬▬ ▬▬ ▬▬▬▬ ▬▬ ▬▬▬ ▬▬ ▬▬▬▬ ▬▬▬ ▬▬ ▬▬▬ ▬▬▬▬ ▬▬ ▬▬▬ ▬ ▬▬▬▬ ▬▬▬ ▬▬ ▬▬▬ ▬▬ ▬▬▬▬ ▬▬ ▬▬▬ ▬▬ ▬▬▬▬ ▬▬▬ ▬▬ ▬▬▬ ▬▬▬▬ ▬▬ ▬▬▬ ▬ ▬▬▬▬ ▬▬▬ ▬▬ ▬▬▬ ▬▬ ▬▬▬▬ ▬▬ ▬▬▬ ▬▬ ▬▬▬▬ ▬▬▬ ▬▬ ▬▬▬ ▬▬▬▬ ▬▬ ▬▬▬ ▬ ▬▬▬▬ ▬▬▬ ▬▬ ▬▬▬ ▬▬ ▬▬▬▬ ▬▬ ▬▬▬ ▬▬ ▬▬▬▬ ▬▬▬ ▬▬ ▬▬▬ ▬▬▬▬ ▬▬ ▬▬▬ ▬ ▬▬▬▬ ▬▬▬ ▬▬ ▬▬▬ ▬▬ ▬▬▬▬ ▬▬ ▬▬▬ ▬▬ ▬▬▬▬ ▬▬▬ ▬▬ ▬▬▬ ▬▬▬▬ ▬▬ ▬▬▬
Restaurant
▬▬ ▬▬▬ ▬▬ ▬▬▬▬ ▬▬ ▬▬▬ ▬ ▬▬▬▬ ▬▬ ▬▬▬ ▬▬ ▬▬▬▬ ▬▬▬ ▬▬ ▬▬▬ ▬▬▬▬ ▬▬ ▬▬▬ ▬ ▬▬▬▬ ▬▬▬ ▬▬ ▬▬▬ ▬▬ ▬▬▬▬ ▬▬ ▬▬▬ ▬▬ ▬▬▬▬ ▬▬▬ ▬▬ ▬▬▬ ▬▬▬▬ ▬▬ ▬▬▬ ▬ ▬▬▬▬ ▬▬▬ ▬▬ ▬▬▬ ▬▬ ▬▬▬▬ ▬▬ ▬▬▬ ▬▬ ▬▬▬▬ ▬▬▬ ▬▬ ▬▬▬ ▬▬▬▬ ▬▬ ▬▬▬ ▬ ▬▬▬▬ ▬▬▬ ▬▬ ▬▬▬ ▬▬ ▬▬▬▬ ▬▬ ▬▬▬ ▬▬ ▬▬▬▬ ▬▬▬ ▬▬ ▬▬▬ ▬▬▬▬ ▬▬ ▬▬▬ ▬ ▬▬▬▬ ▬▬▬ ▬▬ ▬▬▬ ▬▬ ▬▬▬▬ ▬▬ ▬▬▬ ▬▬ ▬▬▬▬ ▬▬▬ ▬▬ ▬▬▬ ▬▬▬▬ ▬▬ ▬▬▬ ▬ ▬▬▬▬ ▬▬▬ ▬▬ ▬▬▬ ▬▬ ▬▬▬▬ ▬▬ ▬▬▬ ▬▬ ▬▬▬▬ ▬▬▬ ▬▬ ▬▬▬ ▬▬▬▬ ▬▬ ▬▬▬ ▬ ▬▬▬▬ ▬▬▬ ▬▬ ▬▬▬ ▬▬ ▬▬▬▬ ▬▬ ▬▬▬ ▬▬ ▬▬▬▬ ▬▬▬ ▬▬ ▬▬▬ ▬▬▬▬ ▬▬ ▬▬▬ ▬ ▬▬▬▬ ▬▬▬ ▬▬ ▬▬▬ ▬▬ ▬▬▬▬ ▬▬ ▬▬▬ ▬▬ ▬▬▬▬ ▬▬▬ ▬▬ ▬▬▬ ▬▬▬▬ ▬▬ ▬▬▬ ▬ ▬▬▬▬ ▬▬▬ ▬▬ ▬▬▬ ▬▬ ▬▬▬▬ ▬▬ ▬▬▬ ▬▬ ▬▬▬▬ ▬▬▬ ▬▬ ▬▬▬ ▬▬▬▬ ▬▬ ▬▬▬ ▬ ▬▬▬▬ ▬▬▬ ▬▬ ▬▬▬ ▬▬ ▬▬▬▬ ▬▬ ▬▬▬ ▬▬ ▬▬▬▬ ▬▬▬ ▬▬ ▬▬▬ ▬▬▬▬ ▬▬ ▬▬▬ ▬ ▬▬▬▬ ▬▬▬ ▬▬ ▬▬▬ ▬▬ ▬▬▬▬ ▬▬ ▬▬▬ ▬▬ ▬▬▬▬ ▬▬▬ ▬▬ ▬▬▬ ▬▬▬▬ ▬▬ ▬▬▬ ▬ ▬▬▬▬ ▬▬▬ ▬▬ ▬▬▬ ▬▬ ▬▬▬▬ ▬▬ ▬▬▬ ▬▬ ▬▬▬▬ ▬▬▬ ▬▬ ▬▬▬ ▬▬▬▬ ▬▬ ▬▬▬ ▬ ▬▬▬▬ ▬▬▬ ▬▬ ▬▬▬ ▬▬ ▬▬▬▬ ▬▬ ▬▬▬ ▬▬ ▬▬▬▬ ▬▬▬ ▬▬ ▬▬▬ ▬▬▬▬ ▬▬ ▬▬▬ ▬ ▬▬▬▬ ▬▬▬ ▬▬ ▬▬▬ ▬▬ ▬▬▬▬ ▬▬ ▬▬▬ ▬▬ ▬▬▬▬ ▬▬▬ ▬▬ ▬▬▬ ▬▬▬▬ ▬▬ ▬▬▬ ▬ ▬▬▬▬ ▬▬▬ ▬▬ ▬▬▬ ▬▬ ▬▬▬▬ ▬▬ ▬▬▬ ▬▬ ▬▬▬▬ ▬▬▬ ▬▬ ▬▬▬ ▬▬▬▬ ▬▬ ▬▬▬
SANDIWARA "WARGO"
Dalam PASAR MALAM DJAKARTA
▬▬ ▬▬▬ ▬▬ ▬▬▬▬ ▬▬ ▬▬▬ ▬ ▬▬▬▬ ▬▬ ▬▬▬ ▬▬ ▬▬▬▬ ▬▬▬ ▬▬ ▬▬▬ ▬▬▬▬ ▬▬ ▬▬▬ ▬ ▬▬▬▬ ▬▬▬ ▬▬ ▬▬▬ ▬▬ ▬▬▬▬ ▬▬ ▬▬▬ ▬▬ ▬▬▬▬ ▬▬▬ ▬▬ ▬▬▬ ▬▬▬▬ ▬▬ ▬▬▬ ▬ ▬▬▬▬ ▬▬▬ ▬▬ ▬▬▬ ▬▬ ▬▬▬▬ ▬▬ ▬▬▬ ▬▬ ▬▬▬▬ ▬▬▬ ▬▬ ▬▬▬ ▬▬▬▬ ▬▬ ▬▬▬ ▬ ▬▬▬▬ ▬▬▬ ▬▬ ▬▬▬ ▬▬ ▬▬▬▬ ▬▬ ▬▬▬ ▬▬ ▬▬▬▬ ▬▬▬ ▬▬ ▬▬▬ ▬▬▬▬ ▬▬ ▬▬▬ ▬ ▬▬▬▬ ▬▬▬ ▬▬ ▬▬▬ ▬▬ ▬▬▬▬ ▬▬ ▬▬▬ ▬▬ ▬▬▬▬ ▬▬▬ ▬▬ ▬▬▬ ▬▬▬▬ ▬▬ ▬▬▬ ▬ ▬▬▬▬ ▬▬▬ ▬▬ ▬▬▬ ▬▬ ▬▬▬▬ ▬▬ ▬▬▬ ▬▬ ▬▬▬▬ ▬▬▬ ▬▬ ▬▬▬ ▬▬▬▬ ▬▬ ▬▬▬ ▬ ▬▬▬▬ ▬▬▬ ▬▬ ▬▬▬ ▬▬ ▬▬▬▬ ▬▬ ▬▬▬ ▬▬ ▬▬▬▬ ▬▬▬ ▬▬ ▬▬▬ ▬▬▬▬ ▬▬ ▬▬▬ ▬ ▬▬▬▬ ▬▬▬ ▬▬ ▬▬▬ ▬▬ ▬▬▬▬ ▬▬ ▬▬▬ ▬▬ ▬▬▬▬ ▬▬▬ ▬▬ ▬▬▬ ▬▬▬▬ ▬▬ ▬▬▬ ▬ ▬▬▬▬ ▬▬▬ ▬▬ ▬▬▬ ▬▬ ▬▬▬▬ ▬▬ ▬▬▬ ▬▬ ▬▬▬▬ ▬▬▬ ▬▬ ▬▬▬ ▬▬▬▬ ▬▬ ▬▬▬ ▬ ▬▬▬▬ ▬▬▬ ▬▬ ▬▬▬ ▬▬ ▬▬▬▬ ▬▬ ▬▬▬ ▬▬ ▬▬▬▬ ▬▬▬ ▬▬ ▬▬▬ ▬▬▬▬ ▬▬ ▬▬▬ ▬ ▬▬▬▬ ▬▬▬ ▬▬ ▬▬▬ ▬▬ ▬▬▬▬ ▬▬ ▬▬▬ ▬▬ ▬▬▬▬ ▬▬▬ ▬▬ ▬▬▬ ▬▬▬▬ ▬▬ ▬▬▬ ▬ ▬▬▬▬ ▬▬▬ ▬▬ ▬▬▬ ▬▬ ▬▬▬▬ ▬▬ ▬▬▬ ▬▬ ▬▬▬▬ ▬▬▬ ▬▬ ▬▬▬ ▬▬▬▬ ▬▬ ▬▬▬ ▬ ▬▬▬▬ ▬▬▬ ▬▬ ▬▬▬ ▬▬ ▬▬▬▬ ▬▬ ▬▬▬ ▬▬ ▬▬▬▬ ▬▬▬ ▬▬ ▬▬▬ ▬▬▬▬ ▬▬ ▬▬▬ ▬ ▬▬▬▬ ▬▬▬ ▬▬ ▬▬▬ ▬▬ ▬▬▬▬ ▬▬ ▬▬▬ ▬▬ ▬▬▬▬ ▬▬▬ ▬▬ ▬▬▬ ▬▬▬▬ ▬▬ ▬▬▬ ▬ ▬▬▬▬ ▬▬▬ ▬▬ ▬▬▬ ▬▬ ▬▬▬▬ ▬▬ ▬▬▬ ▬▬ ▬▬▬▬ ▬▬▬ ▬▬ ▬▬▬ ▬▬▬▬ ▬▬ ▬▬▬
10 WARNA KESENIAN INDONESIA
▬▬ ▬▬▬ ▬▬ ▬▬▬▬ ▬▬ ▬▬▬ ▬ ▬▬▬▬ ▬▬ ▬▬▬ ▬▬ ▬▬▬▬ ▬▬▬ ▬▬ ▬▬▬ ▬▬▬▬ ▬▬ ▬▬▬ ▬ ▬▬▬▬ ▬▬▬ ▬▬ ▬▬▬ ▬▬ ▬▬▬▬ ▬▬ ▬▬▬ ▬▬ ▬▬▬▬ ▬▬▬ ▬▬ ▬▬▬ ▬▬▬▬ ▬▬ ▬▬▬ ▬ ▬▬▬▬ ▬▬▬ ▬▬ ▬▬▬ ▬▬ ▬▬▬▬ ▬▬ ▬▬▬ ▬▬ ▬▬▬▬ ▬▬▬ ▬▬ ▬▬▬ ▬▬▬▬ ▬▬ ▬▬▬ ▬ ▬▬▬▬ ▬▬▬ ▬▬ ▬▬▬ ▬▬ ▬▬▬▬ ▬▬ ▬▬▬ ▬▬ ▬▬▬▬ ▬▬▬ ▬▬ ▬▬▬ ▬▬▬▬ ▬▬ ▬▬▬ ▬ ▬▬▬▬ ▬▬▬ ▬▬ ▬▬▬ ▬▬ ▬▬▬▬ ▬▬ ▬▬▬ ▬▬ ▬▬▬▬ ▬▬▬ ▬▬ ▬▬▬ ▬▬▬▬ ▬▬ ▬▬▬ ▬ ▬▬▬▬ ▬▬▬ ▬▬ ▬▬▬ ▬▬ ▬▬▬▬ ▬▬ ▬▬▬ ▬▬ ▬▬▬▬ ▬▬▬ ▬▬ ▬▬▬ ▬▬▬▬ ▬▬ ▬▬▬ ▬ ▬▬▬▬ ▬▬▬ ▬▬ ▬▬▬ ▬▬ ▬▬▬▬ ▬▬ ▬▬▬ ▬▬ ▬▬▬▬ ▬▬▬ ▬▬ ▬▬▬ ▬▬▬▬ ▬▬ ▬▬▬ ▬ ▬▬▬▬ ▬▬▬ ▬▬ ▬▬▬ ▬▬ ▬▬▬▬ ▬▬ ▬▬▬ ▬▬ ▬▬▬▬ ▬▬▬ ▬▬ ▬▬▬ ▬▬▬▬ ▬▬ ▬▬▬ ▬ ▬▬▬▬ ▬▬▬ ▬▬ ▬▬▬ ▬▬ ▬▬▬▬ ▬▬ ▬▬▬ ▬▬ ▬▬▬▬ ▬▬▬ ▬▬ ▬▬▬ ▬▬▬▬ ▬▬ ▬▬▬ ▬ ▬▬▬▬ ▬▬▬ ▬▬ ▬▬▬ ▬▬ ▬▬▬▬ ▬▬ ▬▬▬ ▬▬ ▬▬▬▬ ▬▬▬ ▬▬ ▬▬▬ ▬▬▬▬ ▬▬ ▬▬▬ ▬ ▬▬▬▬ ▬▬▬ ▬▬ ▬▬▬ ▬▬ ▬▬▬▬ ▬▬ ▬▬▬ ▬▬ ▬▬▬▬ ▬▬▬ ▬▬ ▬▬▬ ▬▬▬▬ ▬▬ ▬▬▬ ▬ ▬▬▬▬ ▬▬▬ ▬▬ ▬▬▬ ▬▬ ▬▬▬▬ ▬▬ ▬▬▬ ▬▬ ▬▬▬▬ ▬▬▬ ▬▬ ▬▬▬ ▬▬▬▬ ▬▬ ▬▬▬ ▬ ▬▬▬▬ ▬▬▬ ▬▬ ▬▬▬ ▬▬ ▬▬▬▬ ▬▬ ▬▬▬ ▬▬ ▬▬▬▬ ▬▬▬ ▬▬ ▬▬▬ ▬▬▬▬ ▬▬ ▬▬▬ ▬ ▬▬▬▬ ▬▬▬ ▬▬ ▬▬▬ ▬▬ ▬▬▬▬ ▬▬ ▬▬▬ ▬▬ ▬▬▬▬ ▬▬▬ ▬▬ ▬▬▬ ▬▬▬▬ ▬▬ ▬▬▬ ▬ ▬▬▬▬ ▬▬▬ ▬▬ ▬▬▬ ▬▬ ▬▬▬▬ ▬▬ ▬▬▬ ▬▬ ▬▬▬▬ ▬▬▬ ▬▬ ▬▬▬ ▬▬▬▬ ▬▬ ▬▬▬
PERSATOEAN SANDIWARA
TONIL SANDIWARA NOESANTARA
▬▬ ▬▬▬ ▬▬ ▬▬▬▬ ▬▬ ▬▬▬ ▬ ▬▬▬▬ ▬▬ ▬▬▬ ▬▬ ▬▬▬▬ ▬▬▬ ▬▬ ▬▬▬ ▬▬▬▬ ▬▬ ▬▬▬ ▬ ▬▬▬▬ ▬▬▬ ▬▬ ▬▬▬ ▬▬ ▬▬▬▬ ▬▬ ▬▬▬ ▬▬ ▬▬▬▬ ▬▬▬ ▬▬ ▬▬▬ ▬▬▬▬ ▬▬ ▬▬▬ ▬ ▬▬▬▬ ▬▬▬ ▬▬ ▬▬▬ ▬▬ ▬▬▬▬ ▬▬ ▬▬▬ ▬▬ ▬▬▬▬ ▬▬▬ ▬▬ ▬▬▬ ▬▬▬▬ ▬▬ ▬▬▬ ▬ ▬▬▬▬ ▬▬▬ ▬▬ ▬▬▬ ▬▬ ▬▬▬▬ ▬▬ ▬▬▬ ▬▬ ▬▬▬▬ ▬▬▬ ▬▬ ▬▬▬ ▬▬▬▬ ▬▬ ▬▬▬ ▬ ▬▬▬▬ ▬▬▬ ▬▬ ▬▬▬ ▬▬ ▬▬▬▬ ▬▬ ▬▬▬ ▬▬ ▬▬▬▬ ▬▬▬ ▬▬ ▬▬▬ ▬▬▬▬ ▬▬ ▬▬▬ ▬ ▬▬▬▬ ▬▬▬ ▬▬ ▬▬▬ ▬▬ ▬▬▬▬ ▬▬ ▬▬▬ ▬▬ ▬▬▬▬ ▬▬▬ ▬▬ ▬▬▬ ▬▬▬▬ ▬▬ ▬▬▬ ▬ ▬▬▬▬ ▬▬▬ ▬▬ ▬▬▬ ▬▬ ▬▬▬▬ ▬▬ ▬▬▬ ▬▬ ▬▬▬▬ ▬▬▬ ▬▬ ▬▬▬ ▬▬▬▬ ▬▬ ▬▬▬ ▬ ▬▬▬▬ ▬▬▬ ▬▬ ▬▬▬ ▬▬ ▬▬▬▬ ▬▬ ▬▬▬ ▬▬ ▬▬▬▬ ▬▬▬ ▬▬ ▬▬▬ ▬▬▬▬ ▬▬ ▬▬▬ ▬ ▬▬▬▬ ▬▬▬ ▬▬ ▬▬▬ ▬▬ ▬▬▬▬ ▬▬ ▬▬▬ ▬▬ ▬▬▬▬ ▬▬▬ ▬▬ ▬▬▬ ▬▬▬▬ ▬▬ ▬▬▬ ▬ ▬▬▬▬ ▬▬▬ ▬▬ ▬▬▬ ▬▬ ▬▬▬▬ ▬▬ ▬▬▬ ▬▬ ▬▬▬▬ ▬▬▬ ▬▬ ▬▬▬ ▬▬▬▬ ▬▬ ▬▬▬ ▬ ▬▬▬▬ ▬▬▬ ▬▬ ▬▬▬ ▬▬ ▬▬▬▬ ▬▬ ▬▬▬ ▬▬ ▬▬▬▬ ▬▬▬ ▬▬ ▬▬▬ ▬▬▬▬ ▬▬ ▬▬▬ ▬ ▬▬▬▬ ▬▬▬ ▬▬ ▬▬▬ ▬▬ ▬▬▬▬ ▬▬ ▬▬▬ ▬▬ ▬▬▬▬ ▬▬▬ ▬▬ ▬▬▬ ▬▬▬▬ ▬▬ ▬▬▬ ▬ ▬▬▬▬ ▬▬▬ ▬▬ ▬▬▬ ▬▬ ▬▬▬▬ ▬▬ ▬▬▬ ▬▬ ▬▬▬▬ ▬▬▬ ▬▬ ▬▬▬ ▬▬▬▬ ▬▬ ▬▬▬ ▬ ▬▬▬▬ ▬▬▬ ▬▬ ▬▬▬ ▬▬ ▬▬▬▬ ▬▬ ▬▬▬ ▬▬ ▬▬▬▬ ▬▬▬ ▬▬ ▬▬▬ ▬▬▬▬ ▬▬ ▬▬▬ ▬ ▬▬▬▬ ▬▬▬ ▬▬ ▬▬▬ ▬▬ ▬▬▬▬ ▬▬ ▬▬▬ ▬▬ ▬▬▬▬ ▬▬▬ ▬▬ ▬▬▬ ▬▬▬▬ ▬▬ ▬▬▬
GEDONG KONSERT
Tiap malam Pertoendjoekan
▬▬ ▬▬▬ ▬▬ ▬▬▬▬ ▬▬ ▬▬▬ ▬ ▬▬▬▬ ▬▬ ▬▬▬ ▬▬ ▬▬▬▬ ▬▬▬ ▬▬ ▬▬▬ ▬▬▬▬ ▬▬ ▬▬▬ ▬ ▬▬▬▬ ▬▬▬ ▬▬ ▬▬▬ ▬▬ ▬▬▬▬ ▬▬ ▬▬▬ ▬▬ ▬▬▬▬ ▬▬▬ ▬▬ ▬▬▬ ▬▬▬▬ ▬▬ ▬▬▬ ▬ ▬▬▬▬ ▬▬▬ ▬▬ ▬▬▬ ▬▬ ▬▬▬▬ ▬▬ ▬▬▬ ▬▬ ▬▬▬▬ ▬▬▬ ▬▬ ▬▬▬ ▬▬▬▬ ▬▬ ▬▬▬ ▬ ▬▬▬▬ ▬▬▬ ▬▬ ▬▬▬ ▬▬ ▬▬▬▬ ▬▬ ▬▬▬ ▬▬ ▬▬▬▬ ▬▬▬ ▬▬ ▬▬▬ ▬▬▬▬ ▬▬ ▬▬▬ ▬ ▬▬▬▬ ▬▬▬ ▬▬ ▬▬▬ ▬▬ ▬▬▬▬ ▬▬ ▬▬▬ ▬▬ ▬▬▬▬ ▬▬▬ ▬▬ ▬▬▬ ▬▬▬▬ ▬▬ ▬▬▬ ▬ ▬▬▬▬ ▬▬▬ ▬▬ ▬▬▬ ▬▬ ▬▬▬▬ ▬▬ ▬▬▬ ▬▬ ▬▬▬▬ ▬▬▬ ▬▬ ▬▬▬ ▬▬▬▬ ▬▬ ▬▬▬ ▬ ▬▬▬▬ ▬▬▬ ▬▬ ▬▬▬ ▬▬ ▬▬▬▬ ▬▬ ▬▬▬ ▬▬ ▬▬▬▬ ▬▬▬ ▬▬ ▬▬▬ ▬▬▬▬ ▬▬ ▬▬▬ ▬ ▬▬▬▬ ▬▬▬ ▬▬ ▬▬▬ ▬▬ ▬▬▬▬ ▬▬ ▬▬▬ ▬▬ ▬▬▬▬ ▬▬▬ ▬▬ ▬▬▬ ▬▬▬▬ ▬▬ ▬▬▬ ▬ ▬▬▬▬ ▬▬▬ ▬▬ ▬▬▬ ▬▬ ▬▬▬▬ ▬▬ ▬▬▬ ▬▬ ▬▬▬▬ ▬▬▬ ▬▬ ▬▬▬ ▬▬▬▬ ▬▬ ▬▬▬ ▬ ▬▬▬▬ ▬▬▬ ▬▬ ▬▬▬ ▬▬ ▬▬▬▬ ▬▬ ▬▬▬ ▬▬ ▬▬▬▬ ▬▬▬ ▬▬ ▬▬▬ ▬▬▬▬ ▬▬ ▬▬▬ ▬ ▬▬▬▬ ▬▬▬ ▬▬ ▬▬▬ ▬▬ ▬▬▬▬ ▬▬ ▬▬▬ ▬▬ ▬▬▬▬ ▬▬▬ ▬▬ ▬▬▬ ▬▬▬▬ ▬▬ ▬▬▬ ▬ ▬▬▬▬ ▬▬▬ ▬▬ ▬▬▬ ▬▬ ▬▬▬▬ ▬▬ ▬▬▬ ▬▬ ▬▬▬▬ ▬▬▬ ▬▬ ▬▬▬ ▬▬▬▬ ▬▬ ▬▬▬ ▬ ▬▬▬▬ ▬▬▬ ▬▬ ▬▬▬ ▬▬ ▬▬▬▬ ▬▬ ▬▬▬ ▬▬ ▬▬▬▬ ▬▬▬ ▬▬ ▬▬▬ ▬▬▬▬ ▬▬ ▬▬▬ ▬ ▬▬▬▬ ▬▬▬ ▬▬ ▬▬▬ ▬▬ ▬▬▬▬ ▬▬ ▬▬▬ ▬▬ ▬▬▬▬ ▬▬▬ ▬▬ ▬▬▬ ▬▬▬▬ ▬▬ ▬▬▬ ▬ ▬▬▬▬ ▬▬▬ ▬▬ ▬▬▬ ▬▬ ▬▬▬▬ ▬▬ ▬▬▬ ▬▬ ▬▬▬▬ ▬▬▬ ▬▬ ▬▬▬ ▬▬▬▬ ▬▬ ▬▬▬
INGIN POENJA ANAK
▬▬ ▬▬▬ ▬▬ ▬▬▬▬ ▬▬ ▬▬▬ ▬ ▬▬▬▬ ▬▬ ▬▬▬ ▬▬ ▬▬▬▬ ▬▬▬ ▬▬ ▬▬▬ ▬▬▬▬ ▬▬ ▬▬▬ ▬ ▬▬▬▬ ▬▬▬ ▬▬ ▬▬▬ ▬▬ ▬▬▬▬ ▬▬ ▬▬▬ ▬▬ ▬▬▬▬ ▬▬▬ ▬▬ ▬▬▬ ▬▬▬▬ ▬▬ ▬▬▬ ▬ ▬▬▬▬ ▬▬▬ ▬▬ ▬▬▬ ▬▬ ▬▬▬▬ ▬▬ ▬▬▬ ▬▬ ▬▬▬▬ ▬▬▬ ▬▬ ▬▬▬ ▬▬▬▬ ▬▬ ▬▬▬ ▬ ▬▬▬▬ ▬▬▬ ▬▬ ▬▬▬ ▬▬ ▬▬▬▬ ▬▬ ▬▬▬ ▬▬ ▬▬▬▬ ▬▬▬ ▬▬ ▬▬▬ ▬▬▬▬ ▬▬ ▬▬▬ ▬ ▬▬▬▬ ▬▬▬ ▬▬ ▬▬▬ ▬▬ ▬▬▬▬ ▬▬ ▬▬▬ ▬▬ ▬▬▬▬ ▬▬▬ ▬▬ ▬▬▬ ▬▬▬▬ ▬▬ ▬▬▬ ▬ ▬▬▬▬ ▬▬▬ ▬▬ ▬▬▬ ▬▬ ▬▬▬▬ ▬▬ ▬▬▬ ▬▬ ▬▬▬▬ ▬▬▬ ▬▬ ▬▬▬ ▬▬▬▬ ▬▬ ▬▬▬ ▬ ▬▬▬▬ ▬▬▬ ▬▬ ▬▬▬ ▬▬ ▬▬▬▬ ▬▬ ▬▬▬ ▬▬ ▬▬▬▬ ▬▬▬ ▬▬ ▬▬▬ ▬▬▬▬ ▬▬ ▬▬▬ ▬ ▬▬▬▬ ▬▬▬ ▬▬ ▬▬▬ ▬▬ ▬▬▬▬ ▬▬ ▬▬▬ ▬▬ ▬▬▬▬ ▬▬▬ ▬▬ ▬▬▬ ▬▬▬▬ ▬▬ ▬▬▬ ▬ ▬▬▬▬ ▬▬▬ ▬▬ ▬▬▬ ▬▬ ▬▬▬▬ ▬▬ ▬▬▬ ▬▬ ▬▬▬▬ ▬▬▬ ▬▬ ▬▬▬ ▬▬▬▬ ▬▬ ▬▬▬ ▬ ▬▬▬▬ ▬▬▬ ▬▬ ▬▬▬ ▬▬ ▬▬▬▬ ▬▬ ▬▬▬ ▬▬ ▬▬▬▬ ▬▬▬ ▬▬ ▬▬▬ ▬▬▬▬ ▬▬ ▬▬▬ ▬ ▬▬▬▬ ▬▬▬ ▬▬ ▬▬▬ ▬▬ ▬▬▬▬ ▬▬ ▬▬▬ ▬▬ ▬▬▬▬ ▬▬▬ ▬▬ ▬▬▬ ▬▬▬▬ ▬▬ ▬▬▬ ▬ ▬▬▬▬ ▬▬▬ ▬▬ ▬▬▬ ▬▬ ▬▬▬▬ ▬▬ ▬▬▬ ▬▬ ▬▬▬▬ ▬▬▬ ▬▬ ▬▬▬ ▬▬▬▬ ▬▬ ▬▬▬ ▬ ▬▬▬▬ ▬▬▬ ▬▬ ▬▬▬ ▬▬ ▬▬▬▬ ▬▬ ▬▬▬ ▬▬ ▬▬▬▬ ▬▬▬ ▬▬ ▬▬▬ ▬▬▬▬ ▬▬ ▬▬▬ ▬ ▬▬▬▬ ▬▬▬ ▬▬ ▬▬▬ ▬▬ ▬▬▬▬ ▬▬ ▬▬▬ ▬▬ ▬▬▬▬ ▬▬▬ ▬▬ ▬▬▬ ▬▬▬▬ ▬▬ ▬▬▬ ▬ ▬▬▬▬ ▬▬▬ ▬▬ ▬▬▬ ▬▬ ▬▬▬▬ ▬▬ ▬▬▬ ▬▬ ▬▬▬▬ ▬▬▬ ▬▬ ▬▬▬ ▬▬▬▬ ▬▬ ▬▬▬
▬▬ ▬▬▬ ▬▬ ▬▬▬▬ ▬▬ ▬▬▬ ▬ ▬▬▬▬ ▬▬ ▬▬▬ ▬▬ ▬▬▬▬ ▬▬▬ ▬▬ ▬▬▬ ▬▬▬▬ ▬▬ ▬▬▬ ▬ ▬▬▬▬ ▬▬▬ ▬▬ ▬▬▬ ▬▬ ▬▬▬▬ ▬▬ ▬▬▬ ▬▬ ▬▬▬▬ ▬▬▬ ▬▬ ▬▬▬ ▬▬▬▬ ▬▬ ▬▬▬ ▬ ▬▬▬▬ ▬▬▬ ▬▬ ▬▬▬ ▬▬ ▬▬▬▬ ▬▬ ▬▬▬ ▬▬ ▬▬▬▬ ▬▬▬ ▬▬ ▬▬▬ ▬▬▬▬ ▬▬ ▬▬▬ ▬ ▬▬▬▬ ▬▬▬ ▬▬ ▬▬▬ ▬▬ ▬▬▬▬ ▬▬ ▬▬▬ ▬▬ ▬▬▬▬ ▬▬▬ ▬▬ ▬▬▬ ▬▬▬▬ ▬▬ ▬▬▬ ▬ ▬▬▬▬ ▬▬▬ ▬▬ ▬▬▬ ▬▬ ▬▬▬▬ ▬▬ ▬▬▬ ▬▬ ▬▬▬▬ ▬▬▬ ▬▬ ▬▬▬ ▬▬▬▬ ▬▬ ▬▬▬ ▬ ▬▬▬▬ ▬▬▬ ▬▬ ▬▬▬ ▬▬ ▬▬▬▬ ▬▬ ▬▬▬ ▬▬ ▬▬▬▬ ▬▬▬ ▬▬ ▬▬▬ ▬▬▬▬ ▬▬ ▬▬▬ ▬ ▬▬▬▬ ▬▬▬ ▬▬ ▬▬▬ ▬▬ ▬▬▬▬ ▬▬ ▬▬▬ ▬▬ ▬▬▬▬ ▬▬▬ ▬▬ ▬▬▬ ▬▬▬▬ ▬▬ ▬▬▬ ▬ ▬▬▬▬ ▬▬▬ ▬▬ ▬▬▬ ▬▬ ▬▬▬▬ ▬▬ ▬▬▬ ▬▬ ▬▬▬▬ ▬▬▬ ▬▬ ▬▬▬ ▬▬▬▬ ▬▬ ▬▬▬ ▬ ▬▬▬▬ ▬▬▬ ▬▬ ▬▬▬ ▬▬ ▬▬▬▬ ▬▬ ▬▬▬ ▬▬ ▬▬▬▬ ▬▬▬ ▬▬ ▬▬▬ ▬▬▬▬ ▬▬ ▬▬▬ ▬ ▬▬▬▬ ▬▬▬ ▬▬ ▬▬▬ ▬▬ ▬▬▬▬ ▬▬ ▬▬▬ ▬▬ ▬▬▬▬ ▬▬▬ ▬▬ ▬▬▬ ▬▬▬▬ ▬▬ ▬▬▬ ▬ ▬▬▬▬ ▬▬▬ ▬▬ ▬▬▬ ▬▬ ▬▬▬▬ ▬▬ ▬▬▬ ▬▬ ▬▬▬▬ ▬▬▬ ▬▬ ▬▬▬ ▬▬▬▬ ▬▬ ▬▬▬ ▬ ▬▬▬▬ ▬▬▬ ▬▬ ▬▬▬ ▬▬ ▬▬▬▬ ▬▬ ▬▬▬ ▬▬ ▬▬▬▬ ▬▬▬ ▬▬ ▬▬▬ ▬▬▬▬ ▬▬ ▬▬▬ ▬ ▬▬▬▬ ▬▬▬ ▬▬ ▬▬▬ ▬▬ ▬▬▬▬ ▬▬ ▬▬▬ ▬▬ ▬▬▬▬ ▬▬▬ ▬▬ ▬▬▬ ▬▬▬▬ ▬▬ ▬▬▬ ▬ ▬▬▬▬ ▬▬▬ ▬▬ ▬▬▬ ▬▬ ▬▬▬▬ ▬▬ ▬▬▬ ▬▬ ▬▬▬▬ ▬▬▬ ▬▬ ▬▬▬ ▬▬▬▬ ▬▬ ▬▬▬ ▬ ▬▬▬▬ ▬▬▬ ▬▬ ▬▬▬ ▬▬ ▬▬▬▬ ▬▬ ▬▬▬ ▬▬ ▬▬▬▬ ▬▬▬ ▬▬ ▬▬▬ ▬▬▬▬ ▬▬ ▬▬▬
DJAJA
TJAP DJAJA
▬▬ ▬▬▬ ▬▬ ▬▬▬▬ ▬▬ ▬▬▬ ▬ ▬▬▬▬ ▬▬ ▬▬▬ ▬▬ ▬▬▬▬ ▬▬▬ ▬▬ ▬▬▬ ▬▬▬▬ ▬▬ ▬▬▬ ▬ ▬▬▬▬ ▬▬▬ ▬▬ ▬▬▬ ▬▬ ▬▬▬▬ ▬▬ ▬▬▬ ▬▬ ▬▬▬▬ ▬▬▬ ▬▬ ▬▬▬ ▬▬▬▬ ▬▬ ▬▬▬ ▬ ▬▬▬▬ ▬▬▬ ▬▬ ▬▬▬ ▬▬ ▬▬▬▬ ▬▬ ▬▬▬ ▬▬ ▬▬▬▬ ▬▬▬ ▬▬ ▬▬▬ ▬▬▬▬ ▬▬ ▬▬▬ ▬ ▬▬▬▬ ▬▬▬ ▬▬ ▬▬▬ ▬▬ ▬▬▬▬ ▬▬ ▬▬▬ ▬▬ ▬▬▬▬ ▬▬▬ ▬▬ ▬▬▬ ▬▬▬▬ ▬▬ ▬▬▬ ▬ ▬▬▬▬ ▬▬▬ ▬▬ ▬▬▬ ▬▬ ▬▬▬▬ ▬▬ ▬▬▬ ▬▬ ▬▬▬▬ ▬▬▬ ▬▬ ▬▬▬ ▬▬▬▬ ▬▬ ▬▬▬ ▬ ▬▬▬▬ ▬▬▬ ▬▬ ▬▬▬ ▬▬ ▬▬▬▬ ▬▬ ▬▬▬ ▬▬ ▬▬▬▬ ▬▬▬ ▬▬ ▬▬▬ ▬▬▬▬ ▬▬ ▬▬▬ ▬ ▬▬▬▬ ▬▬▬ ▬▬ ▬▬▬ ▬▬ ▬▬▬▬ ▬▬ ▬▬▬ ▬▬ ▬▬▬▬ ▬▬▬ ▬▬ ▬▬▬ ▬▬▬▬ ▬▬ ▬▬▬ ▬ ▬▬▬▬ ▬▬▬ ▬▬ ▬▬▬ ▬▬ ▬▬▬▬ ▬▬ ▬▬▬ ▬▬ ▬▬▬▬ ▬▬▬ ▬▬ ▬▬▬ ▬▬▬▬ ▬▬ ▬▬▬ ▬ ▬▬▬▬ ▬▬▬ ▬▬ ▬▬▬ ▬▬ ▬▬▬▬ ▬▬ ▬▬▬ ▬▬ ▬▬▬▬ ▬▬▬ ▬▬ ▬▬▬ ▬▬▬▬ ▬▬ ▬▬▬ ▬ ▬▬▬▬ ▬▬▬ ▬▬ ▬▬▬ ▬▬ ▬▬▬▬ ▬▬ ▬▬▬ ▬▬ ▬▬▬▬ ▬▬▬ ▬▬ ▬▬▬ ▬▬▬▬ ▬▬ ▬▬▬ ▬ ▬▬▬▬ ▬▬▬ ▬▬ ▬▬▬ ▬▬ ▬▬▬▬ ▬▬ ▬▬▬ ▬▬ ▬▬▬▬ ▬▬▬ ▬▬ ▬▬▬ ▬▬▬▬ ▬▬ ▬▬▬ ▬ ▬▬▬▬ ▬▬▬ ▬▬ ▬▬▬ ▬▬ ▬▬▬▬ ▬▬ ▬▬▬ ▬▬ ▬▬▬▬ ▬▬▬ ▬▬ ▬▬▬ ▬▬▬▬ ▬▬ ▬▬▬ ▬ ▬▬▬▬ ▬▬▬ ▬▬ ▬▬▬ ▬▬ ▬▬▬▬ ▬▬ ▬▬▬ ▬▬ ▬▬▬▬ ▬▬▬ ▬▬ ▬▬▬ ▬▬▬▬ ▬▬ ▬▬▬ ▬ ▬▬▬▬ ▬▬▬ ▬▬ ▬▬▬ ▬▬ ▬▬▬▬ ▬▬ ▬▬▬ ▬▬ ▬▬▬▬ ▬▬▬ ▬▬ ▬▬▬ ▬▬▬▬ ▬▬ ▬▬▬ ▬ ▬▬▬▬ ▬▬▬ ▬▬ ▬▬▬ ▬▬ ▬▬▬▬ ▬▬ ▬▬▬ ▬▬ ▬▬▬▬ ▬▬▬ ▬▬ ▬▬▬ ▬▬▬▬ ▬▬ ▬▬▬
▬▬ ▬▬▬ ▬▬ ▬▬▬▬ ▬▬ ▬▬▬ ▬ ▬▬▬▬ ▬▬ ▬▬▬ ▬▬ ▬▬▬▬ ▬▬▬ ▬▬ ▬▬▬ ▬▬▬▬ ▬▬ ▬▬▬ ▬ ▬▬▬▬ ▬▬▬ ▬▬ ▬▬▬ ▬▬ ▬▬▬▬ ▬▬ ▬▬▬ ▬▬ ▬▬▬▬ ▬▬▬ ▬▬ ▬▬▬ ▬▬▬▬ ▬▬ ▬▬▬ ▬ ▬▬▬▬ ▬▬▬ ▬▬ ▬▬▬ ▬▬ ▬▬▬▬ ▬▬ ▬▬▬ ▬▬ ▬▬▬▬ ▬▬▬ ▬▬ ▬▬▬ ▬▬▬▬ ▬▬ ▬▬▬ ▬ ▬▬▬▬ ▬▬▬ ▬▬ ▬▬▬ ▬▬ ▬▬▬▬ ▬▬ ▬▬▬ ▬▬ ▬▬▬▬ ▬▬▬ ▬▬ ▬▬▬ ▬▬▬▬ ▬▬ ▬▬▬ ▬ ▬▬▬▬ ▬▬▬ ▬▬ ▬▬▬ ▬▬ ▬▬▬▬ ▬▬ ▬▬▬ ▬▬ ▬▬▬▬ ▬▬▬ ▬▬ ▬▬▬ ▬▬▬▬ ▬▬ ▬▬▬ ▬ ▬▬▬▬ ▬▬▬ ▬▬ ▬▬▬ ▬▬ ▬▬▬▬ ▬▬ ▬▬▬ ▬▬ ▬▬▬▬ ▬▬▬ ▬▬ ▬▬▬ ▬▬▬▬ ▬▬ ▬▬▬ ▬ ▬▬▬▬ ▬▬▬ ▬▬ ▬▬▬ ▬▬ ▬▬▬▬ ▬▬ ▬▬▬ ▬▬ ▬▬▬▬ ▬▬▬ ▬▬ ▬▬▬ ▬▬▬▬ ▬▬ ▬▬▬ ▬ ▬▬▬▬ ▬▬▬ ▬▬ ▬▬▬ ▬▬ ▬▬▬▬ ▬▬ ▬▬▬ ▬▬ ▬▬▬▬ ▬▬▬ ▬▬ ▬▬▬ ▬▬▬▬ ▬▬ ▬▬▬ ▬ ▬▬▬▬ ▬▬▬ ▬▬ ▬▬▬ ▬▬ ▬▬▬▬ ▬▬ ▬▬▬ ▬▬ ▬▬▬▬ ▬▬▬ ▬▬ ▬▬▬ ▬▬▬▬ ▬▬ ▬▬▬ ▬ ▬▬▬▬ ▬▬▬ ▬▬ ▬▬▬ ▬▬ ▬▬▬▬ ▬▬ ▬▬▬ ▬▬ ▬▬▬▬ ▬▬▬ ▬▬ ▬▬▬ ▬▬▬▬ ▬▬ ▬▬▬ ▬ ▬▬▬▬ ▬▬▬ ▬▬ ▬▬▬ ▬▬ ▬▬▬▬ ▬▬ ▬▬▬ ▬▬ ▬▬▬▬ ▬▬▬ ▬▬ ▬▬▬ ▬▬▬▬ ▬▬ ▬▬▬ ▬ ▬▬▬▬ ▬▬▬ ▬▬ ▬▬▬ ▬▬ ▬▬▬▬ ▬▬ ▬▬▬ ▬▬ ▬▬▬▬ ▬▬▬ ▬▬ ▬▬▬ ▬▬▬▬ ▬▬ ▬▬▬ ▬ ▬▬▬▬ ▬▬▬ ▬▬ ▬▬▬ ▬▬ ▬▬▬▬ ▬▬ ▬▬▬ ▬▬ ▬▬▬▬ ▬▬▬ ▬▬ ▬▬▬ ▬▬▬▬ ▬▬ ▬▬▬ ▬ ▬▬▬▬ ▬▬▬ ▬▬ ▬▬▬ ▬▬ ▬▬▬▬ ▬▬ ▬▬▬ ▬▬ ▬▬▬▬ ▬▬▬ ▬▬ ▬▬▬ ▬▬▬▬ ▬▬ ▬▬▬ ▬ ▬▬▬▬ ▬▬▬ ▬▬ ▬▬▬ ▬▬ ▬▬▬▬ ▬▬ ▬▬▬ ▬▬ ▬▬▬▬ ▬▬▬ ▬▬ ▬▬▬ ▬▬▬▬ ▬▬ ▬▬▬
PENJATAAN TERIMA KASIH
▬▬ ▬▬▬ ▬▬ ▬▬▬▬ ▬▬ ▬▬▬ ▬ ▬▬▬▬ ▬▬ ▬▬▬ ▬▬ ▬▬▬▬ ▬▬▬ ▬▬ ▬▬▬ ▬▬▬▬ ▬▬ ▬▬▬ ▬ ▬▬▬▬ ▬▬▬ ▬▬ ▬▬▬ ▬▬ ▬▬▬▬ ▬▬ ▬▬▬ ▬▬ ▬▬▬▬ ▬▬▬ ▬▬ ▬▬▬ ▬▬▬▬ ▬▬ ▬▬▬ ▬ ▬▬▬▬ ▬▬▬ ▬▬ ▬▬▬ ▬▬ ▬▬▬▬ ▬▬ ▬▬▬ ▬▬ ▬▬▬▬ ▬▬▬ ▬▬ ▬▬▬ ▬▬▬▬ ▬▬ ▬▬▬ ▬ ▬▬▬▬ ▬▬▬ ▬▬ ▬▬▬ ▬▬ ▬▬▬▬ ▬▬ ▬▬▬ ▬▬ ▬▬▬▬ ▬▬▬ ▬▬ ▬▬▬ ▬▬▬▬ ▬▬ ▬▬▬ ▬ ▬▬▬▬ ▬▬▬ ▬▬ ▬▬▬ ▬▬ ▬▬▬▬ ▬▬ ▬▬▬ ▬▬ ▬▬▬▬ ▬▬▬ ▬▬ ▬▬▬ ▬▬▬▬ ▬▬ ▬▬▬ ▬ ▬▬▬▬ ▬▬▬ ▬▬ ▬▬▬ ▬▬ ▬▬▬▬ ▬▬ ▬▬▬ ▬▬ ▬▬▬▬ ▬▬▬ ▬▬ ▬▬▬ ▬▬▬▬ ▬▬ ▬▬▬ ▬ ▬▬▬▬ ▬▬▬ ▬▬ ▬▬▬ ▬▬ ▬▬▬▬ ▬▬ ▬▬▬ ▬▬ ▬▬▬▬ ▬▬▬ ▬▬ ▬▬▬ ▬▬▬▬ ▬▬ ▬▬▬ ▬ ▬▬▬▬ ▬▬▬ ▬▬ ▬▬▬ ▬▬ ▬▬▬▬ ▬▬ ▬▬▬ ▬▬ ▬▬▬▬ ▬▬▬ ▬▬ ▬▬▬ ▬▬▬▬ ▬▬ ▬▬▬ ▬ ▬▬▬▬ ▬▬▬ ▬▬ ▬▬▬ ▬▬ ▬▬▬▬ ▬▬ ▬▬▬ ▬▬ ▬▬▬▬ ▬▬▬ ▬▬ ▬▬▬ ▬▬▬▬ ▬▬ ▬▬▬ ▬ ▬▬▬▬ ▬▬▬ ▬▬ ▬▬▬ ▬▬ ▬▬▬▬ ▬▬ ▬▬▬ ▬▬ ▬▬▬▬ ▬▬▬ ▬▬ ▬▬▬ ▬▬▬▬ ▬▬ ▬▬▬ ▬ ▬▬▬▬ ▬▬▬ ▬▬ ▬▬▬ ▬▬ ▬▬▬▬ ▬▬ ▬▬▬ ▬▬ ▬▬▬▬ ▬▬▬ ▬▬ ▬▬▬ ▬▬▬▬ ▬▬ ▬▬▬ ▬ ▬▬▬▬ ▬▬▬ ▬▬ ▬▬▬ ▬▬ ▬▬▬▬ ▬▬ ▬▬▬ ▬▬ ▬▬▬▬ ▬▬▬ ▬▬ ▬▬▬ ▬▬▬▬ ▬▬ ▬▬▬ ▬ ▬▬▬▬ ▬▬▬ ▬▬ ▬▬▬ ▬▬ ▬▬▬▬ ▬▬ ▬▬▬ ▬▬ ▬▬▬▬ ▬▬▬ ▬▬ ▬▬▬ ▬▬▬▬ ▬▬ ▬▬▬ ▬ ▬▬▬▬ ▬▬▬ ▬▬ ▬▬▬ ▬▬ ▬▬▬▬ ▬▬ ▬▬▬ ▬▬ ▬▬▬▬ ▬▬▬ ▬▬ ▬▬▬ ▬▬▬▬ ▬▬ ▬▬▬ ▬ ▬▬▬▬ ▬▬▬ ▬▬ ▬▬▬ ▬▬ ▬▬▬▬ ▬▬ ▬▬▬ ▬▬ ▬▬▬▬ ▬▬▬ ▬▬ ▬▬▬ ▬▬▬▬ ▬▬ ▬▬▬
BOEKOE-BOEKOE OENTOEK BELADJAR BAHASA NIPPON
▬▬ ▬▬▬ ▬▬ ▬▬▬▬ ▬▬ ▬▬▬ ▬ ▬▬▬▬ ▬▬ ▬▬▬ ▬▬ ▬▬▬▬ ▬▬▬ ▬▬ ▬▬▬ ▬▬▬▬ ▬▬ ▬▬▬ ▬ ▬▬▬▬ ▬▬▬ ▬▬ ▬▬▬ ▬▬ ▬▬▬▬ ▬▬ ▬▬▬ ▬▬ ▬▬▬▬ ▬▬▬ ▬▬ ▬▬▬ ▬▬▬▬ ▬▬ ▬▬▬ ▬ ▬▬▬▬ ▬▬▬ ▬▬ ▬▬▬ ▬▬ ▬▬▬▬ ▬▬ ▬▬▬ ▬▬ ▬▬▬▬ ▬▬▬ ▬▬ ▬▬▬ ▬▬▬▬ ▬▬ ▬▬▬ ▬ ▬▬▬▬ ▬▬▬ ▬▬ ▬▬▬ ▬▬ ▬▬▬▬ ▬▬ ▬▬▬ ▬▬ ▬▬▬▬ ▬▬▬ ▬▬ ▬▬▬ ▬▬▬▬ ▬▬ ▬▬▬ ▬ ▬▬▬▬ ▬▬▬ ▬▬ ▬▬▬ ▬▬ ▬▬▬▬ ▬▬ ▬▬▬ ▬▬ ▬▬▬▬ ▬▬▬ ▬▬ ▬▬▬ ▬▬▬▬ ▬▬ ▬▬▬ ▬ ▬▬▬▬ ▬▬▬ ▬▬ ▬▬▬ ▬▬ ▬▬▬▬ ▬▬ ▬▬▬ ▬▬ ▬▬▬▬ ▬▬▬ ▬▬ ▬▬▬ ▬▬▬▬ ▬▬ ▬▬▬ ▬ ▬▬▬▬ ▬▬▬ ▬▬ ▬▬▬ ▬▬ ▬▬▬▬ ▬▬ ▬▬▬ ▬▬ ▬▬▬▬ ▬▬▬ ▬▬ ▬▬▬ ▬▬▬▬ ▬▬ ▬▬▬ ▬ ▬▬▬▬ ▬▬▬ ▬▬ ▬▬▬ ▬▬ ▬▬▬▬ ▬▬ ▬▬▬ ▬▬ ▬▬▬▬ ▬▬▬ ▬▬ ▬▬▬ ▬▬▬▬ ▬▬ ▬▬▬ ▬ ▬▬▬▬ ▬▬▬ ▬▬ ▬▬▬ ▬▬ ▬▬▬▬ ▬▬ ▬▬▬ ▬▬ ▬▬▬▬ ▬▬▬ ▬▬ ▬▬▬ ▬▬▬▬ ▬▬ ▬▬▬ ▬ ▬▬▬▬ ▬▬▬ ▬▬ ▬▬▬ ▬▬ ▬▬▬▬ ▬▬ ▬▬▬ ▬▬ ▬▬▬▬ ▬▬▬ ▬▬ ▬▬▬ ▬▬▬▬ ▬▬ ▬▬▬ ▬ ▬▬▬▬ ▬▬▬ ▬▬ ▬▬▬ ▬▬ ▬▬▬▬ ▬▬ ▬▬▬ ▬▬ ▬▬▬▬ ▬▬▬ ▬▬ ▬▬▬ ▬▬▬▬ ▬▬ ▬▬▬ ▬ ▬▬▬▬ ▬▬▬ ▬▬ ▬▬▬ ▬▬ ▬▬▬▬ ▬▬ ▬▬▬ ▬▬ ▬▬▬▬ ▬▬▬ ▬▬ ▬▬▬ ▬▬▬▬ ▬▬ ▬▬▬ ▬ ▬▬▬▬ ▬▬▬ ▬▬ ▬▬▬ ▬▬ ▬▬▬▬ ▬▬ ▬▬▬ ▬▬ ▬▬▬▬ ▬▬▬ ▬▬ ▬▬▬ ▬▬▬▬ ▬▬ ▬▬▬ ▬ ▬▬▬▬ ▬▬▬ ▬▬ ▬▬▬ ▬▬ ▬▬▬▬ ▬▬ ▬▬▬ ▬▬ ▬▬▬▬ ▬▬▬ ▬▬ ▬▬▬ ▬▬▬▬ ▬▬ ▬▬▬ ▬ ▬▬▬▬ ▬▬▬ ▬▬ ▬▬▬ ▬▬ ▬▬▬▬ ▬▬ ▬▬▬ ▬▬ ▬▬▬▬ ▬▬▬ ▬▬ ▬▬▬ ▬▬▬▬ ▬▬ ▬▬▬
TAMAN PENDIDIKAN "PENDIDIKAN"
▬▬ ▬▬▬ ▬▬ ▬▬▬▬ ▬▬ ▬▬▬ ▬ ▬▬▬▬ ▬▬ ▬▬▬ ▬▬ ▬▬▬▬ ▬▬▬ ▬▬ ▬▬▬ ▬▬▬▬ ▬▬ ▬▬▬ ▬ ▬▬▬▬ ▬▬▬ ▬▬ ▬▬▬ ▬▬ ▬▬▬▬ ▬▬ ▬▬▬ ▬▬ ▬▬▬▬ ▬▬▬ ▬▬ ▬▬▬ ▬▬▬▬ ▬▬ ▬▬▬ ▬ ▬▬▬▬ ▬▬▬ ▬▬ ▬▬▬ ▬▬ ▬▬▬▬ ▬▬ ▬▬▬ ▬▬ ▬▬▬▬ ▬▬▬ ▬▬ ▬▬▬ ▬▬▬▬ ▬▬ ▬▬▬ ▬ ▬▬▬▬ ▬▬▬ ▬▬ ▬▬▬ ▬▬ ▬▬▬▬ ▬▬ ▬▬▬ ▬▬ ▬▬▬▬ ▬▬▬ ▬▬ ▬▬▬ ▬▬▬▬ ▬▬ ▬▬▬ ▬ ▬▬▬▬ ▬▬▬ ▬▬ ▬▬▬ ▬▬ ▬▬▬▬ ▬▬ ▬▬▬ ▬▬ ▬▬▬▬ ▬▬▬ ▬▬ ▬▬▬ ▬▬▬▬ ▬▬ ▬▬▬ ▬ ▬▬▬▬ ▬▬▬ ▬▬ ▬▬▬ ▬▬ ▬▬▬▬ ▬▬ ▬▬▬ ▬▬ ▬▬▬▬ ▬▬▬ ▬▬ ▬▬▬ ▬▬▬▬ ▬▬ ▬▬▬ ▬ ▬▬▬▬ ▬▬▬ ▬▬ ▬▬▬ ▬▬ ▬▬▬▬ ▬▬ ▬▬▬ ▬▬ ▬▬▬▬ ▬▬▬ ▬▬ ▬▬▬ ▬▬▬▬ ▬▬ ▬▬▬ ▬ ▬▬▬▬ ▬▬▬ ▬▬ ▬▬▬ ▬▬ ▬▬▬▬ ▬▬ ▬▬▬ ▬▬ ▬▬▬▬ ▬▬▬ ▬▬ ▬▬▬ ▬▬▬▬ ▬▬ ▬▬▬ ▬ ▬▬▬▬ ▬▬▬ ▬▬ ▬▬▬ ▬▬ ▬▬▬▬ ▬▬ ▬▬▬ ▬▬ ▬▬▬▬ ▬▬▬ ▬▬ ▬▬▬ ▬▬▬▬ ▬▬ ▬▬▬ ▬ ▬▬▬▬ ▬▬▬ ▬▬ ▬▬▬ ▬▬ ▬▬▬▬ ▬▬ ▬▬▬ ▬▬ ▬▬▬▬ ▬▬▬ ▬▬ ▬▬▬ ▬▬▬▬ ▬▬ ▬▬▬ ▬ ▬▬▬▬ ▬▬▬ ▬▬ ▬▬▬ ▬▬ ▬▬▬▬ ▬▬ ▬▬▬ ▬▬ ▬▬▬▬ ▬▬▬ ▬▬ ▬▬▬ ▬▬▬▬ ▬▬ ▬▬▬ ▬ ▬▬▬▬ ▬▬▬ ▬▬ ▬▬▬ ▬▬ ▬▬▬▬ ▬▬ ▬▬▬ ▬▬ ▬▬▬▬ ▬▬▬ ▬▬ ▬▬▬ ▬▬▬▬ ▬▬ ▬▬▬ ▬ ▬▬▬▬ ▬▬▬ ▬▬ ▬▬▬ ▬▬ ▬▬▬▬ ▬▬ ▬▬▬ ▬▬ ▬▬▬▬ ▬▬▬ ▬▬ ▬▬▬ ▬▬▬▬ ▬▬ ▬▬▬ ▬ ▬▬▬▬ ▬▬▬ ▬▬ ▬▬▬ ▬▬ ▬▬▬▬ ▬▬ ▬▬▬ ▬▬ ▬▬▬▬ ▬▬▬ ▬▬ ▬▬▬ ▬▬▬▬ ▬▬ ▬▬▬ ▬ ▬▬▬▬ ▬▬▬ ▬▬ ▬▬▬ ▬▬ ▬▬▬▬ ▬▬ ▬▬▬ ▬▬ ▬▬▬▬ ▬▬▬ ▬▬ ▬▬▬ ▬▬▬▬ ▬▬ ▬▬▬
OEY SEE BOK
"GOENOENG — KEDOE"
Pabrik Tenoen "BANDOENG"
▬▬ ▬▬▬ ▬▬ ▬▬▬▬ ▬▬ ▬▬▬ ▬ ▬▬▬▬ ▬▬ ▬▬▬ ▬▬ ▬▬▬▬ ▬▬▬ ▬▬ ▬▬▬ ▬▬▬▬ ▬▬ ▬▬▬ ▬ ▬▬▬▬ ▬▬▬ ▬▬ ▬▬▬ ▬▬ ▬▬▬▬ ▬▬ ▬▬▬ ▬▬ ▬▬▬▬ ▬▬▬ ▬▬ ▬▬▬ ▬▬▬▬ ▬▬ ▬▬▬ ▬ ▬▬▬▬ ▬▬▬ ▬▬ ▬▬▬ ▬▬ ▬▬▬▬ ▬▬ ▬▬▬ ▬▬ ▬▬▬▬ ▬▬▬ ▬▬ ▬▬▬ ▬▬▬▬ ▬▬ ▬▬▬ ▬ ▬▬▬▬ ▬▬▬ ▬▬ ▬▬▬ ▬▬ ▬▬▬▬ ▬▬ ▬▬▬ ▬▬ ▬▬▬▬ ▬▬▬ ▬▬ ▬▬▬ ▬▬▬▬ ▬▬ ▬▬▬ ▬ ▬▬▬▬ ▬▬▬ ▬▬ ▬▬▬ ▬▬ ▬▬▬▬ ▬▬ ▬▬▬ ▬▬ ▬▬▬▬ ▬▬▬ ▬▬ ▬▬▬ ▬▬▬▬ ▬▬ ▬▬▬ ▬ ▬▬▬▬ ▬▬▬ ▬▬ ▬▬▬ ▬▬ ▬▬▬▬ ▬▬ ▬▬▬ ▬▬ ▬▬▬▬ ▬▬▬ ▬▬ ▬▬▬ ▬▬▬▬ ▬▬ ▬▬▬ ▬ ▬▬▬▬ ▬▬▬ ▬▬ ▬▬▬ ▬▬ ▬▬▬▬ ▬▬ ▬▬▬ ▬▬ ▬▬▬▬ ▬▬▬ ▬▬ ▬▬▬ ▬▬▬▬ ▬▬ ▬▬▬ ▬ ▬▬▬▬ ▬▬▬ ▬▬ ▬▬▬ ▬▬ ▬▬▬▬ ▬▬ ▬▬▬ ▬▬ ▬▬▬▬ ▬▬▬ ▬▬ ▬▬▬ ▬▬▬▬ ▬▬ ▬▬▬ ▬ ▬▬▬▬ ▬▬▬ ▬▬ ▬▬▬ ▬▬ ▬▬▬▬ ▬▬ ▬▬▬ ▬▬ ▬▬▬▬ ▬▬▬ ▬▬ ▬▬▬ ▬▬▬▬ ▬▬ ▬▬▬ ▬ ▬▬▬▬ ▬▬▬ ▬▬ ▬▬▬ ▬▬ ▬▬▬▬ ▬▬ ▬▬▬ ▬▬ ▬▬▬▬ ▬▬▬ ▬▬ ▬▬▬ ▬▬▬▬ ▬▬ ▬▬▬ ▬ ▬▬▬▬ ▬▬▬ ▬▬ ▬▬▬ ▬▬ ▬▬▬▬ ▬▬ ▬▬▬ ▬▬ ▬▬▬▬ ▬▬▬ ▬▬ ▬▬▬ ▬▬▬▬ ▬▬ ▬▬▬ ▬ ▬▬▬▬ ▬▬▬ ▬▬ ▬▬▬ ▬▬ ▬▬▬▬ ▬▬ ▬▬▬ ▬▬ ▬▬▬▬ ▬▬▬ ▬▬ ▬▬▬ ▬▬▬▬ ▬▬ ▬▬▬ ▬ ▬▬▬▬ ▬▬▬ ▬▬ ▬▬▬ ▬▬ ▬▬▬▬ ▬▬ ▬▬▬ ▬▬ ▬▬▬▬ ▬▬▬ ▬▬ ▬▬▬ ▬▬▬▬ ▬▬ ▬▬▬ ▬ ▬▬▬▬ ▬▬▬ ▬▬ ▬▬▬ ▬▬ ▬▬▬▬ ▬▬ ▬▬▬ ▬▬ ▬▬▬▬ ▬▬▬ ▬▬ ▬▬▬ ▬▬▬▬ ▬▬ ▬▬▬ ▬ ▬▬▬▬ ▬▬▬ ▬▬ ▬▬▬ ▬▬ ▬▬▬▬ ▬▬ ▬▬▬ ▬▬ ▬▬▬▬ ▬▬▬ ▬▬ ▬▬▬ ▬▬▬▬ ▬▬ ▬▬▬
Rokok Kretek Tjap "DELIMA"
▬▬ ▬▬▬ ▬▬ ▬▬▬▬ ▬▬ ▬▬▬ ▬ ▬▬▬▬ ▬▬ ▬▬▬ ▬▬ ▬▬▬▬ ▬▬▬ ▬▬ ▬▬▬ ▬▬▬▬ ▬▬ ▬▬▬ ▬ ▬▬▬▬ ▬▬▬ ▬▬ ▬▬▬ ▬▬ ▬▬▬▬ ▬▬ ▬▬▬ ▬▬ ▬▬▬▬ ▬▬▬ ▬▬ ▬▬▬ ▬▬▬▬ ▬▬ ▬▬▬ ▬ ▬▬▬▬ ▬▬▬ ▬▬ ▬▬▬ ▬▬ ▬▬▬▬ ▬▬ ▬▬▬ ▬▬ ▬▬▬▬ ▬▬▬ ▬▬ ▬▬▬ ▬▬▬▬ ▬▬ ▬▬▬ ▬ ▬▬▬▬ ▬▬▬ ▬▬ ▬▬▬ ▬▬ ▬▬▬▬ ▬▬ ▬▬▬ ▬▬ ▬▬▬▬ ▬▬▬ ▬▬ ▬▬▬ ▬▬▬▬ ▬▬ ▬▬▬ ▬ ▬▬▬▬ ▬▬▬ ▬▬ ▬▬▬ ▬▬ ▬▬▬▬ ▬▬ ▬▬▬ ▬▬ ▬▬▬▬ ▬▬▬ ▬▬ ▬▬▬ ▬▬▬▬ ▬▬ ▬▬▬ ▬ ▬▬▬▬ ▬▬▬ ▬▬ ▬▬▬ ▬▬ ▬▬▬▬ ▬▬ ▬▬▬ ▬▬ ▬▬▬▬ ▬▬▬ ▬▬ ▬▬▬ ▬▬▬▬ ▬▬ ▬▬▬ ▬ ▬▬▬▬ ▬▬▬ ▬▬ ▬▬▬ ▬▬ ▬▬▬▬ ▬▬ ▬▬▬ ▬▬ ▬▬▬▬ ▬▬▬ ▬▬ ▬▬▬ ▬▬▬▬ ▬▬ ▬▬▬ ▬ ▬▬▬▬ ▬▬▬ ▬▬ ▬▬▬ ▬▬ ▬▬▬▬ ▬▬ ▬▬▬ ▬▬ ▬▬▬▬ ▬▬▬ ▬▬ ▬▬▬ ▬▬▬▬ ▬▬ ▬▬▬ ▬ ▬▬▬▬ ▬▬▬ ▬▬ ▬▬▬ ▬▬ ▬▬▬▬ ▬▬ ▬▬▬ ▬▬ ▬▬▬▬ ▬▬▬ ▬▬ ▬▬▬ ▬▬▬▬ ▬▬ ▬▬▬ ▬ ▬▬▬▬ ▬▬▬ ▬▬ ▬▬▬ ▬▬ ▬▬▬▬ ▬▬ ▬▬▬ ▬▬ ▬▬▬▬ ▬▬▬ ▬▬ ▬▬▬ ▬▬▬▬ ▬▬ ▬▬▬ ▬ ▬▬▬▬ ▬▬▬ ▬▬ ▬▬▬ ▬▬ ▬▬▬▬ ▬▬ ▬▬▬ ▬▬ ▬▬▬▬ ▬▬▬ ▬▬ ▬▬▬ ▬▬▬▬ ▬▬ ▬▬▬ ▬ ▬▬▬▬ ▬▬▬ ▬▬ ▬▬▬ ▬▬ ▬▬▬▬ ▬▬ ▬▬▬ ▬▬ ▬▬▬▬ ▬▬▬ ▬▬ ▬▬▬ ▬▬▬▬ ▬▬ ▬▬▬ ▬ ▬▬▬▬ ▬▬▬ ▬▬ ▬▬▬ ▬▬ ▬▬▬▬ ▬▬ ▬▬▬ ▬▬ ▬▬▬▬ ▬▬▬ ▬▬ ▬▬▬ ▬▬▬▬ ▬▬ ▬▬▬ ▬ ▬▬▬▬ ▬▬▬ ▬▬ ▬▬▬ ▬▬ ▬▬▬▬ ▬▬ ▬▬▬ ▬▬ ▬▬▬▬ ▬▬▬ ▬▬ ▬▬▬ ▬▬▬▬ ▬▬ ▬▬▬ ▬ ▬▬▬▬ ▬▬▬ ▬▬ ▬▬▬ ▬▬ ▬▬▬▬ ▬▬ ▬▬▬ ▬▬ ▬▬▬▬ ▬▬▬ ▬▬ ▬▬▬ ▬▬▬▬ ▬▬ ▬▬▬
SEGALA KEPERLOEAN KATJA MATA
Asia Katja Mata
KRAMAT 14 B. TELP. 4809 DJAKARTA
▬▬ ▬▬▬ ▬▬ ▬▬▬▬ ▬▬ ▬▬▬ ▬ ▬▬▬▬ ▬▬ ▬▬▬ ▬▬ ▬▬▬▬ ▬▬▬ ▬▬ ▬▬▬ ▬▬▬▬ ▬▬ ▬▬▬ ▬ ▬▬▬▬ ▬▬▬ ▬▬ ▬▬▬ ▬▬ ▬▬▬▬ ▬▬ ▬▬▬ ▬▬ ▬▬▬▬ ▬▬▬ ▬▬ ▬▬▬ ▬▬▬▬ ▬▬ ▬▬▬ ▬ ▬▬▬▬ ▬▬▬ ▬▬ ▬▬▬ ▬▬ ▬▬▬▬ ▬▬ ▬▬▬ ▬▬ ▬▬▬▬ ▬▬▬ ▬▬ ▬▬▬ ▬▬▬▬ ▬▬ ▬▬▬ ▬ ▬▬▬▬ ▬▬▬ ▬▬ ▬▬▬ ▬▬ ▬▬▬▬ ▬▬ ▬▬▬ ▬▬ ▬▬▬▬ ▬▬▬ ▬▬ ▬▬▬ ▬▬▬▬ ▬▬ ▬▬▬ ▬ ▬▬▬▬ ▬▬▬ ▬▬ ▬▬▬ ▬▬ ▬▬▬▬ ▬▬ ▬▬▬ ▬▬ ▬▬▬▬ ▬▬▬ ▬▬ ▬▬▬ ▬▬▬▬ ▬▬ ▬▬▬ ▬ ▬▬▬▬ ▬▬▬ ▬▬ ▬▬▬ ▬▬ ▬▬▬▬ ▬▬ ▬▬▬ ▬▬ ▬▬▬▬ ▬▬▬ ▬▬ ▬▬▬ ▬▬▬▬ ▬▬ ▬▬▬ ▬ ▬▬▬▬ ▬▬▬ ▬▬ ▬▬▬ ▬▬ ▬▬▬▬ ▬▬ ▬▬▬ ▬▬ ▬▬▬▬ ▬▬▬ ▬▬ ▬▬▬ ▬▬▬▬ ▬▬ ▬▬▬ ▬ ▬▬▬▬ ▬▬▬ ▬▬ ▬▬▬ ▬▬ ▬▬▬▬ ▬▬ ▬▬▬ ▬▬ ▬▬▬▬ ▬▬▬ ▬▬ ▬▬▬ ▬▬▬▬ ▬▬ ▬▬▬ ▬ ▬▬▬▬ ▬▬▬ ▬▬ ▬▬▬ ▬▬ ▬▬▬▬ ▬▬ ▬▬▬ ▬▬ ▬▬▬▬ ▬▬▬ ▬▬ ▬▬▬ ▬▬▬▬ ▬▬ ▬▬▬ ▬ ▬▬▬▬ ▬▬▬ ▬▬ ▬▬▬ ▬▬ ▬▬▬▬ ▬▬ ▬▬▬ ▬▬ ▬▬▬▬ ▬▬▬ ▬▬ ▬▬▬ ▬▬▬▬ ▬▬ ▬▬▬ ▬ ▬▬▬▬ ▬▬▬ ▬▬ ▬▬▬ ▬▬ ▬▬▬▬ ▬▬ ▬▬▬ ▬▬ ▬▬▬▬ ▬▬▬ ▬▬ ▬▬▬ ▬▬▬▬ ▬▬ ▬▬▬ ▬ ▬▬▬▬ ▬▬▬ ▬▬ ▬▬▬ ▬▬ ▬▬▬▬ ▬▬ ▬▬▬ ▬▬ ▬▬▬▬ ▬▬▬ ▬▬ ▬▬▬ ▬▬▬▬ ▬▬ ▬▬▬ ▬ ▬▬▬▬ ▬▬▬ ▬▬ ▬▬▬ ▬▬ ▬▬▬▬ ▬▬ ▬▬▬ ▬▬ ▬▬▬▬ ▬▬▬ ▬▬ ▬▬▬ ▬▬▬▬ ▬▬ ▬▬▬ ▬ ▬▬▬▬ ▬▬▬ ▬▬ ▬▬▬ ▬▬ ▬▬▬▬ ▬▬ ▬▬▬ ▬▬ ▬▬▬▬ ▬▬▬ ▬▬ ▬▬▬ ▬▬▬▬ ▬▬ ▬▬▬ ▬ ▬▬▬▬ ▬▬▬ ▬▬ ▬▬▬ ▬▬ ▬▬▬▬ ▬▬ ▬▬▬ ▬▬ ▬▬▬▬ ▬▬▬ ▬▬ ▬▬▬ ▬▬▬▬ ▬▬ ▬▬▬
